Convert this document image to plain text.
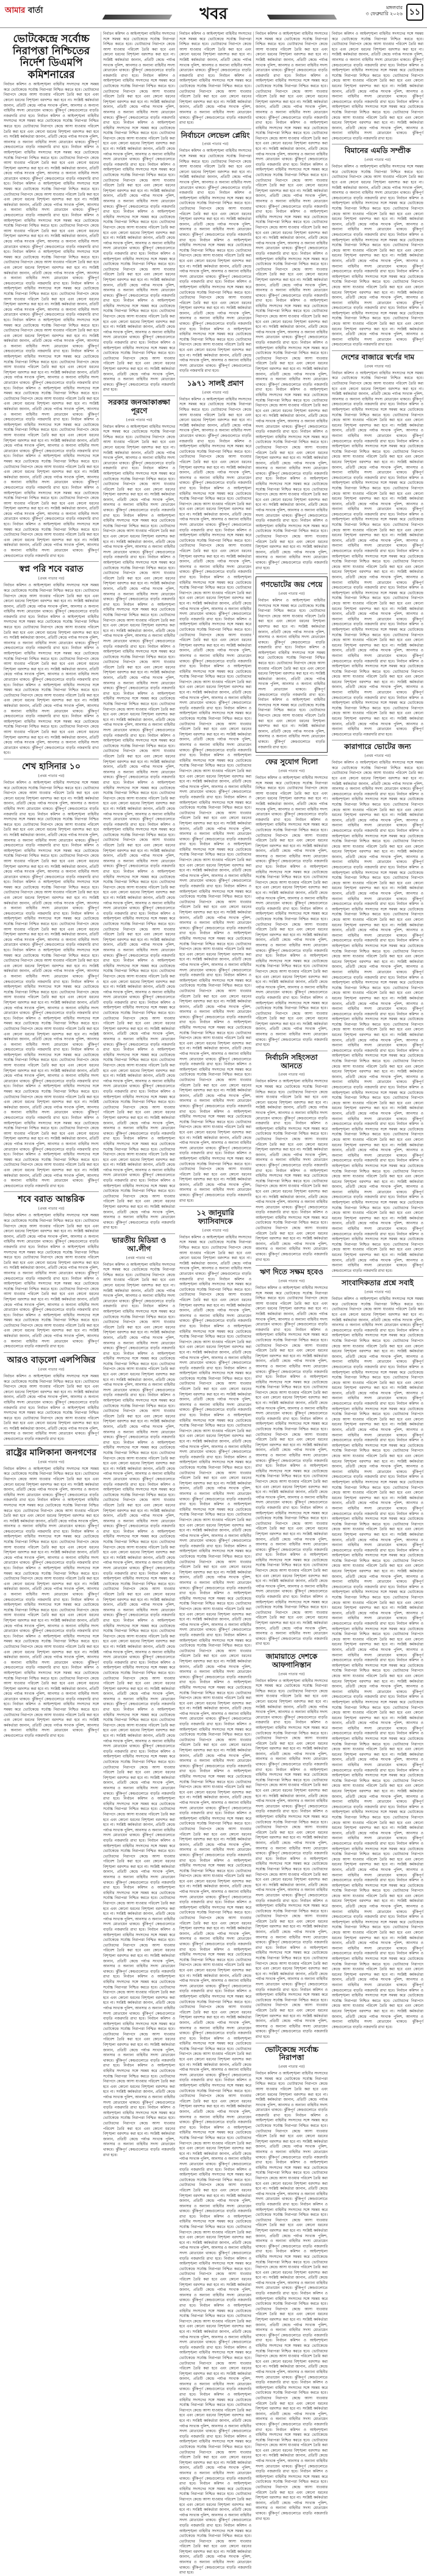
আমার বার্তা	খবর	মঙ্গলবার
৩ ফেব্রুয়ারি ২০২৬ ১১
ভোটকেন্দ্রে সর্বোচ্চ নিরাপত্তা নিশ্চিতের নির্দেশ ডিএমপি কমিশনারের
নির্বাচন কমিশন ও আইনশৃঙ্খলা বাহিনীর সদস্যদের সঙ্গে সমন্বয় করে ভোটকেন্দ্রে সর্বোচ্চ নিরাপত্তা নিশ্চিত করতে হবে। ভোটারদের নিরাপদে কেন্দ্রে আসা যাওয়ার পরিবেশ তৈরি করা হবে এবং কোনো ধরনের বিশৃঙ্খলা বরদাশত করা হবে না। সংশ্লিষ্ট কর্মকর্তারা জানান, প্রতিটি কেন্দ্রে পর্যাপ্ত সংখ্যক পুলিশ, আনসার ও অন্যান্য বাহিনীর সদস্য মোতায়েন থাকবে। ঝুঁকিপূর্ণ কেন্দ্রগুলোতে বাড়তি নজরদারি রাখা হবে। নির্বাচন কমিশন ও আইনশৃঙ্খলা বাহিনীর সদস্যদের সঙ্গে সমন্বয় করে ভোটকেন্দ্রে সর্বোচ্চ নিরাপত্তা নিশ্চিত করতে হবে। ভোটারদের নিরাপদে কেন্দ্রে আসা যাওয়ার পরিবেশ তৈরি করা হবে এবং কোনো ধরনের বিশৃঙ্খলা বরদাশত করা হবে না। সংশ্লিষ্ট কর্মকর্তারা জানান, প্রতিটি কেন্দ্রে পর্যাপ্ত সংখ্যক পুলিশ, আনসার ও অন্যান্য বাহিনীর সদস্য মোতায়েন থাকবে। ঝুঁকিপূর্ণ কেন্দ্রগুলোতে বাড়তি নজরদারি রাখা হবে। নির্বাচন কমিশন ও আইনশৃঙ্খলা বাহিনীর সদস্যদের সঙ্গে সমন্বয় করে ভোটকেন্দ্রে সর্বোচ্চ নিরাপত্তা নিশ্চিত করতে হবে। ভোটারদের নিরাপদে কেন্দ্রে আসা যাওয়ার পরিবেশ তৈরি করা হবে এবং কোনো ধরনের বিশৃঙ্খলা বরদাশত করা হবে না। সংশ্লিষ্ট কর্মকর্তারা জানান, প্রতিটি কেন্দ্রে পর্যাপ্ত সংখ্যক পুলিশ, আনসার ও অন্যান্য বাহিনীর সদস্য মোতায়েন থাকবে। ঝুঁকিপূর্ণ কেন্দ্রগুলোতে বাড়তি নজরদারি রাখা হবে। নির্বাচন কমিশন ও আইনশৃঙ্খলা বাহিনীর সদস্যদের সঙ্গে সমন্বয় করে ভোটকেন্দ্রে সর্বোচ্চ নিরাপত্তা নিশ্চিত করতে হবে। ভোটারদের নিরাপদে কেন্দ্রে আসা যাওয়ার পরিবেশ তৈরি করা হবে এবং কোনো ধরনের বিশৃঙ্খলা বরদাশত করা হবে না। সংশ্লিষ্ট কর্মকর্তারা জানান, প্রতিটি কেন্দ্রে পর্যাপ্ত সংখ্যক পুলিশ, আনসার ও অন্যান্য বাহিনীর সদস্য মোতায়েন থাকবে। ঝুঁকিপূর্ণ কেন্দ্রগুলোতে বাড়তি নজরদারি রাখা হবে। নির্বাচন কমিশন ও আইনশৃঙ্খলা বাহিনীর সদস্যদের সঙ্গে সমন্বয় করে ভোটকেন্দ্রে সর্বোচ্চ নিরাপত্তা নিশ্চিত করতে হবে। ভোটারদের নিরাপদে কেন্দ্রে আসা যাওয়ার পরিবেশ তৈরি করা হবে এবং কোনো ধরনের বিশৃঙ্খলা বরদাশত করা হবে না। সংশ্লিষ্ট কর্মকর্তারা জানান, প্রতিটি কেন্দ্রে পর্যাপ্ত সংখ্যক পুলিশ, আনসার ও অন্যান্য বাহিনীর সদস্য মোতায়েন থাকবে। ঝুঁকিপূর্ণ কেন্দ্রগুলোতে বাড়তি নজরদারি রাখা হবে। নির্বাচন কমিশন ও আইনশৃঙ্খলা বাহিনীর সদস্যদের সঙ্গে সমন্বয় করে ভোটকেন্দ্রে সর্বোচ্চ নিরাপত্তা নিশ্চিত করতে হবে। ভোটারদের নিরাপদে কেন্দ্রে আসা যাওয়ার পরিবেশ তৈরি করা হবে এবং কোনো ধরনের বিশৃঙ্খলা বরদাশত করা হবে না। সংশ্লিষ্ট কর্মকর্তারা জানান, প্রতিটি কেন্দ্রে পর্যাপ্ত সংখ্যক পুলিশ, আনসার ও অন্যান্য বাহিনীর সদস্য মোতায়েন থাকবে। ঝুঁকিপূর্ণ কেন্দ্রগুলোতে বাড়তি নজরদারি রাখা হবে। নির্বাচন কমিশন ও আইনশৃঙ্খলা বাহিনীর সদস্যদের সঙ্গে সমন্বয় করে ভোটকেন্দ্রে সর্বোচ্চ নিরাপত্তা নিশ্চিত করতে হবে। ভোটারদের নিরাপদে কেন্দ্রে আসা যাওয়ার পরিবেশ তৈরি করা হবে এবং কোনো ধরনের বিশৃঙ্খলা বরদাশত করা হবে না। সংশ্লিষ্ট কর্মকর্তারা জানান, প্রতিটি কেন্দ্রে পর্যাপ্ত সংখ্যক পুলিশ, আনসার ও অন্যান্য বাহিনীর সদস্য মোতায়েন থাকবে। ঝুঁকিপূর্ণ কেন্দ্রগুলোতে বাড়তি নজরদারি রাখা হবে। নির্বাচন কমিশন ও আইনশৃঙ্খলা বাহিনীর সদস্যদের সঙ্গে সমন্বয় করে ভোটকেন্দ্রে সর্বোচ্চ নিরাপত্তা নিশ্চিত করতে হবে। ভোটারদের নিরাপদে কেন্দ্রে আসা যাওয়ার পরিবেশ তৈরি করা হবে এবং কোনো ধরনের বিশৃঙ্খলা বরদাশত করা হবে না। সংশ্লিষ্ট কর্মকর্তারা জানান, প্রতিটি কেন্দ্রে পর্যাপ্ত সংখ্যক পুলিশ, আনসার ও অন্যান্য বাহিনীর সদস্য মোতায়েন থাকবে। ঝুঁকিপূর্ণ কেন্দ্রগুলোতে বাড়তি নজরদারি রাখা হবে। নির্বাচন কমিশন ও আইনশৃঙ্খলা বাহিনীর সদস্যদের সঙ্গে সমন্বয় করে ভোটকেন্দ্রে সর্বোচ্চ নিরাপত্তা নিশ্চিত করতে হবে। ভোটারদের নিরাপদে কেন্দ্রে আসা যাওয়ার পরিবেশ তৈরি করা হবে এবং কোনো ধরনের বিশৃঙ্খলা বরদাশত করা হবে না। সংশ্লিষ্ট কর্মকর্তারা জানান, প্রতিটি কেন্দ্রে পর্যাপ্ত সংখ্যক পুলিশ, আনসার ও অন্যান্য বাহিনীর সদস্য মোতায়েন থাকবে। ঝুঁকিপূর্ণ কেন্দ্রগুলোতে বাড়তি নজরদারি রাখা হবে। নির্বাচন কমিশন ও আইনশৃঙ্খলা বাহিনীর সদস্যদের সঙ্গে সমন্বয় করে ভোটকেন্দ্রে সর্বোচ্চ নিরাপত্তা নিশ্চিত করতে হবে। ভোটারদের নিরাপদে কেন্দ্রে আসা যাওয়ার পরিবেশ তৈরি করা হবে এবং কোনো ধরনের বিশৃঙ্খলা বরদাশত করা হবে না। সংশ্লিষ্ট কর্মকর্তারা জানান, প্রতিটি কেন্দ্রে পর্যাপ্ত সংখ্যক পুলিশ, আনসার ও অন্যান্য বাহিনীর সদস্য মোতায়েন থাকবে। ঝুঁকিপূর্ণ কেন্দ্রগুলোতে বাড়তি নজরদারি রাখা হবে। নির্বাচন কমিশন ও আইনশৃঙ্খলা বাহিনীর সদস্যদের সঙ্গে সমন্বয় করে ভোটকেন্দ্রে সর্বোচ্চ নিরাপত্তা নিশ্চিত করতে হবে। ভোটারদের নিরাপদে কেন্দ্রে আসা যাওয়ার পরিবেশ তৈরি করা হবে এবং কোনো ধরনের বিশৃঙ্খলা বরদাশত করা হবে না। সংশ্লিষ্ট কর্মকর্তারা জানান, প্রতিটি কেন্দ্রে পর্যাপ্ত সংখ্যক পুলিশ, আনসার ও অন্যান্য বাহিনীর সদস্য মোতায়েন থাকবে। ঝুঁকিপূর্ণ কেন্দ্রগুলোতে বাড়তি নজরদারি রাখা হবে। নির্বাচন কমিশন ও আইনশৃঙ্খলা বাহিনীর সদস্যদের সঙ্গে সমন্বয় করে ভোটকেন্দ্রে সর্বোচ্চ নিরাপত্তা নিশ্চিত করতে হবে। ভোটারদের নিরাপদে কেন্দ্রে আসা যাওয়ার পরিবেশ তৈরি করা হবে এবং কোনো ধরনের বিশৃঙ্খলা বরদাশত করা হবে না। সংশ্লিষ্ট কর্মকর্তারা জানান, প্রতিটি কেন্দ্রে পর্যাপ্ত সংখ্যক পুলিশ, আনসার ও অন্যান্য বাহিনীর সদস্য মোতায়েন থাকবে। ঝুঁকিপূর্ণ কেন্দ্রগুলোতে বাড়তি নজরদারি রাখা হবে। নির্বাচন কমিশন ও আইনশৃঙ্খলা বাহিনীর সদস্যদের সঙ্গে সমন্বয় করে ভোটকেন্দ্রে সর্বোচ্চ নিরাপত্তা নিশ্চিত করতে হবে। ভোটারদের নিরাপদে কেন্দ্রে আসা যাওয়ার পরিবেশ তৈরি করা হবে এবং কোনো ধরনের বিশৃঙ্খলা বরদাশত করা হবে না। সংশ্লিষ্ট কর্মকর্তারা জানান, প্রতিটি কেন্দ্রে পর্যাপ্ত সংখ্যক পুলিশ, আনসার ও অন্যান্য বাহিনীর সদস্য মোতায়েন থাকবে। ঝুঁকিপূর্ণ কেন্দ্রগুলোতে বাড়তি নজরদারি রাখা হবে। নির্বাচন কমিশন ও আইনশৃঙ্খলা বাহিনীর সদস্যদের সঙ্গে সমন্বয় করে ভোটকেন্দ্রে সর্বোচ্চ নিরাপত্তা নিশ্চিত করতে হবে। ভোটারদের নিরাপদে কেন্দ্রে আসা যাওয়ার পরিবেশ তৈরি করা হবে এবং কোনো ধরনের বিশৃঙ্খলা বরদাশত করা হবে না। সংশ্লিষ্ট কর্মকর্তারা জানান, প্রতিটি কেন্দ্রে পর্যাপ্ত সংখ্যক পুলিশ, আনসার ও অন্যান্য বাহিনীর সদস্য মোতায়েন থাকবে। ঝুঁকিপূর্ণ কেন্দ্রগুলোতে বাড়তি নজরদারি রাখা হবে।
স্বপ্ন পরি শবে বরাত
(প্রথম পাতার পর)
নির্বাচন কমিশন ও আইনশৃঙ্খলা বাহিনীর সদস্যদের সঙ্গে সমন্বয় করে ভোটকেন্দ্রে সর্বোচ্চ নিরাপত্তা নিশ্চিত করতে হবে। ভোটারদের নিরাপদে কেন্দ্রে আসা যাওয়ার পরিবেশ তৈরি করা হবে এবং কোনো ধরনের বিশৃঙ্খলা বরদাশত করা হবে না। সংশ্লিষ্ট কর্মকর্তারা জানান, প্রতিটি কেন্দ্রে পর্যাপ্ত সংখ্যক পুলিশ, আনসার ও অন্যান্য বাহিনীর সদস্য মোতায়েন থাকবে। ঝুঁকিপূর্ণ কেন্দ্রগুলোতে বাড়তি নজরদারি রাখা হবে। নির্বাচন কমিশন ও আইনশৃঙ্খলা বাহিনীর সদস্যদের সঙ্গে সমন্বয় করে ভোটকেন্দ্রে সর্বোচ্চ নিরাপত্তা নিশ্চিত করতে হবে। ভোটারদের নিরাপদে কেন্দ্রে আসা যাওয়ার পরিবেশ তৈরি করা হবে এবং কোনো ধরনের বিশৃঙ্খলা বরদাশত করা হবে না। সংশ্লিষ্ট কর্মকর্তারা জানান, প্রতিটি কেন্দ্রে পর্যাপ্ত সংখ্যক পুলিশ, আনসার ও অন্যান্য বাহিনীর সদস্য মোতায়েন থাকবে। ঝুঁকিপূর্ণ কেন্দ্রগুলোতে বাড়তি নজরদারি রাখা হবে। নির্বাচন কমিশন ও আইনশৃঙ্খলা বাহিনীর সদস্যদের সঙ্গে সমন্বয় করে ভোটকেন্দ্রে সর্বোচ্চ নিরাপত্তা নিশ্চিত করতে হবে। ভোটারদের নিরাপদে কেন্দ্রে আসা যাওয়ার পরিবেশ তৈরি করা হবে এবং কোনো ধরনের বিশৃঙ্খলা বরদাশত করা হবে না। সংশ্লিষ্ট কর্মকর্তারা জানান, প্রতিটি কেন্দ্রে পর্যাপ্ত সংখ্যক পুলিশ, আনসার ও অন্যান্য বাহিনীর সদস্য মোতায়েন থাকবে। ঝুঁকিপূর্ণ কেন্দ্রগুলোতে বাড়তি নজরদারি রাখা হবে। নির্বাচন কমিশন ও আইনশৃঙ্খলা বাহিনীর সদস্যদের সঙ্গে সমন্বয় করে ভোটকেন্দ্রে সর্বোচ্চ নিরাপত্তা নিশ্চিত করতে হবে। ভোটারদের নিরাপদে কেন্দ্রে আসা যাওয়ার পরিবেশ তৈরি করা হবে এবং কোনো ধরনের বিশৃঙ্খলা বরদাশত করা হবে না। সংশ্লিষ্ট কর্মকর্তারা জানান, প্রতিটি কেন্দ্রে পর্যাপ্ত সংখ্যক পুলিশ, আনসার ও অন্যান্য বাহিনীর সদস্য মোতায়েন থাকবে। ঝুঁকিপূর্ণ কেন্দ্রগুলোতে বাড়তি নজরদারি রাখা হবে। নির্বাচন কমিশন ও আইনশৃঙ্খলা বাহিনীর সদস্যদের সঙ্গে সমন্বয় করে ভোটকেন্দ্রে সর্বোচ্চ নিরাপত্তা নিশ্চিত করতে হবে। ভোটারদের নিরাপদে কেন্দ্রে আসা যাওয়ার পরিবেশ তৈরি করা হবে এবং কোনো ধরনের বিশৃঙ্খলা বরদাশত করা হবে না। সংশ্লিষ্ট কর্মকর্তারা জানান, প্রতিটি কেন্দ্রে পর্যাপ্ত সংখ্যক পুলিশ, আনসার ও অন্যান্য বাহিনীর সদস্য মোতায়েন থাকবে। ঝুঁকিপূর্ণ কেন্দ্রগুলোতে বাড়তি নজরদারি রাখা হবে।
শেখ হাসিনার ১০
(প্রথম পাতার পর)
নির্বাচন কমিশন ও আইনশৃঙ্খলা বাহিনীর সদস্যদের সঙ্গে সমন্বয় করে ভোটকেন্দ্রে সর্বোচ্চ নিরাপত্তা নিশ্চিত করতে হবে। ভোটারদের নিরাপদে কেন্দ্রে আসা যাওয়ার পরিবেশ তৈরি করা হবে এবং কোনো ধরনের বিশৃঙ্খলা বরদাশত করা হবে না। সংশ্লিষ্ট কর্মকর্তারা জানান, প্রতিটি কেন্দ্রে পর্যাপ্ত সংখ্যক পুলিশ, আনসার ও অন্যান্য বাহিনীর সদস্য মোতায়েন থাকবে। ঝুঁকিপূর্ণ কেন্দ্রগুলোতে বাড়তি নজরদারি রাখা হবে। নির্বাচন কমিশন ও আইনশৃঙ্খলা বাহিনীর সদস্যদের সঙ্গে সমন্বয় করে ভোটকেন্দ্রে সর্বোচ্চ নিরাপত্তা নিশ্চিত করতে হবে। ভোটারদের নিরাপদে কেন্দ্রে আসা যাওয়ার পরিবেশ তৈরি করা হবে এবং কোনো ধরনের বিশৃঙ্খলা বরদাশত করা হবে না। সংশ্লিষ্ট কর্মকর্তারা জানান, প্রতিটি কেন্দ্রে পর্যাপ্ত সংখ্যক পুলিশ, আনসার ও অন্যান্য বাহিনীর সদস্য মোতায়েন থাকবে। ঝুঁকিপূর্ণ কেন্দ্রগুলোতে বাড়তি নজরদারি রাখা হবে। নির্বাচন কমিশন ও আইনশৃঙ্খলা বাহিনীর সদস্যদের সঙ্গে সমন্বয় করে ভোটকেন্দ্রে সর্বোচ্চ নিরাপত্তা নিশ্চিত করতে হবে। ভোটারদের নিরাপদে কেন্দ্রে আসা যাওয়ার পরিবেশ তৈরি করা হবে এবং কোনো ধরনের বিশৃঙ্খলা বরদাশত করা হবে না। সংশ্লিষ্ট কর্মকর্তারা জানান, প্রতিটি কেন্দ্রে পর্যাপ্ত সংখ্যক পুলিশ, আনসার ও অন্যান্য বাহিনীর সদস্য মোতায়েন থাকবে। ঝুঁকিপূর্ণ কেন্দ্রগুলোতে বাড়তি নজরদারি রাখা হবে। নির্বাচন কমিশন ও আইনশৃঙ্খলা বাহিনীর সদস্যদের সঙ্গে সমন্বয় করে ভোটকেন্দ্রে সর্বোচ্চ নিরাপত্তা নিশ্চিত করতে হবে। ভোটারদের নিরাপদে কেন্দ্রে আসা যাওয়ার পরিবেশ তৈরি করা হবে এবং কোনো ধরনের বিশৃঙ্খলা বরদাশত করা হবে না। সংশ্লিষ্ট কর্মকর্তারা জানান, প্রতিটি কেন্দ্রে পর্যাপ্ত সংখ্যক পুলিশ, আনসার ও অন্যান্য বাহিনীর সদস্য মোতায়েন থাকবে। ঝুঁকিপূর্ণ কেন্দ্রগুলোতে বাড়তি নজরদারি রাখা হবে। নির্বাচন কমিশন ও আইনশৃঙ্খলা বাহিনীর সদস্যদের সঙ্গে সমন্বয় করে ভোটকেন্দ্রে সর্বোচ্চ নিরাপত্তা নিশ্চিত করতে হবে। ভোটারদের নিরাপদে কেন্দ্রে আসা যাওয়ার পরিবেশ তৈরি করা হবে এবং কোনো ধরনের বিশৃঙ্খলা বরদাশত করা হবে না। সংশ্লিষ্ট কর্মকর্তারা জানান, প্রতিটি কেন্দ্রে পর্যাপ্ত সংখ্যক পুলিশ, আনসার ও অন্যান্য বাহিনীর সদস্য মোতায়েন থাকবে। ঝুঁকিপূর্ণ কেন্দ্রগুলোতে বাড়তি নজরদারি রাখা হবে। নির্বাচন কমিশন ও আইনশৃঙ্খলা বাহিনীর সদস্যদের সঙ্গে সমন্বয় করে ভোটকেন্দ্রে সর্বোচ্চ নিরাপত্তা নিশ্চিত করতে হবে। ভোটারদের নিরাপদে কেন্দ্রে আসা যাওয়ার পরিবেশ তৈরি করা হবে এবং কোনো ধরনের বিশৃঙ্খলা বরদাশত করা হবে না। সংশ্লিষ্ট কর্মকর্তারা জানান, প্রতিটি কেন্দ্রে পর্যাপ্ত সংখ্যক পুলিশ, আনসার ও অন্যান্য বাহিনীর সদস্য মোতায়েন থাকবে। ঝুঁকিপূর্ণ কেন্দ্রগুলোতে বাড়তি নজরদারি রাখা হবে। নির্বাচন কমিশন ও আইনশৃঙ্খলা বাহিনীর সদস্যদের সঙ্গে সমন্বয় করে ভোটকেন্দ্রে সর্বোচ্চ নিরাপত্তা নিশ্চিত করতে হবে। ভোটারদের নিরাপদে কেন্দ্রে আসা যাওয়ার পরিবেশ তৈরি করা হবে এবং কোনো ধরনের বিশৃঙ্খলা বরদাশত করা হবে না। সংশ্লিষ্ট কর্মকর্তারা জানান, প্রতিটি কেন্দ্রে পর্যাপ্ত সংখ্যক পুলিশ, আনসার ও অন্যান্য বাহিনীর সদস্য মোতায়েন থাকবে। ঝুঁকিপূর্ণ কেন্দ্রগুলোতে বাড়তি নজরদারি রাখা হবে। নির্বাচন কমিশন ও আইনশৃঙ্খলা বাহিনীর সদস্যদের সঙ্গে সমন্বয় করে ভোটকেন্দ্রে সর্বোচ্চ নিরাপত্তা নিশ্চিত করতে হবে। ভোটারদের নিরাপদে কেন্দ্রে আসা যাওয়ার পরিবেশ তৈরি করা হবে এবং কোনো ধরনের বিশৃঙ্খলা বরদাশত করা হবে না। সংশ্লিষ্ট কর্মকর্তারা জানান, প্রতিটি কেন্দ্রে পর্যাপ্ত সংখ্যক পুলিশ, আনসার ও অন্যান্য বাহিনীর সদস্য মোতায়েন থাকবে। ঝুঁকিপূর্ণ কেন্দ্রগুলোতে বাড়তি নজরদারি রাখা হবে। নির্বাচন কমিশন ও আইনশৃঙ্খলা বাহিনীর সদস্যদের সঙ্গে সমন্বয় করে ভোটকেন্দ্রে সর্বোচ্চ নিরাপত্তা নিশ্চিত করতে হবে। ভোটারদের নিরাপদে কেন্দ্রে আসা যাওয়ার পরিবেশ তৈরি করা হবে এবং কোনো ধরনের বিশৃঙ্খলা বরদাশত করা হবে না। সংশ্লিষ্ট কর্মকর্তারা জানান, প্রতিটি কেন্দ্রে পর্যাপ্ত সংখ্যক পুলিশ, আনসার ও অন্যান্য বাহিনীর সদস্য মোতায়েন থাকবে। ঝুঁকিপূর্ণ কেন্দ্রগুলোতে বাড়তি নজরদারি রাখা হবে। নির্বাচন কমিশন ও আইনশৃঙ্খলা বাহিনীর সদস্যদের সঙ্গে সমন্বয় করে ভোটকেন্দ্রে সর্বোচ্চ নিরাপত্তা নিশ্চিত করতে হবে। ভোটারদের নিরাপদে কেন্দ্রে আসা যাওয়ার পরিবেশ তৈরি করা হবে এবং কোনো ধরনের বিশৃঙ্খলা বরদাশত করা হবে না। সংশ্লিষ্ট কর্মকর্তারা জানান, প্রতিটি কেন্দ্রে পর্যাপ্ত সংখ্যক পুলিশ, আনসার ও অন্যান্য বাহিনীর সদস্য মোতায়েন থাকবে। ঝুঁকিপূর্ণ কেন্দ্রগুলোতে বাড়তি নজরদারি রাখা হবে। নির্বাচন কমিশন ও আইনশৃঙ্খলা বাহিনীর সদস্যদের সঙ্গে সমন্বয় করে ভোটকেন্দ্রে সর্বোচ্চ নিরাপত্তা নিশ্চিত করতে হবে। ভোটারদের নিরাপদে কেন্দ্রে আসা যাওয়ার পরিবেশ তৈরি করা হবে এবং কোনো ধরনের বিশৃঙ্খলা বরদাশত করা হবে না। সংশ্লিষ্ট কর্মকর্তারা জানান, প্রতিটি কেন্দ্রে পর্যাপ্ত সংখ্যক পুলিশ, আনসার ও অন্যান্য বাহিনীর সদস্য মোতায়েন থাকবে। ঝুঁকিপূর্ণ কেন্দ্রগুলোতে বাড়তি নজরদারি রাখা হবে। নির্বাচন কমিশন ও আইনশৃঙ্খলা বাহিনীর সদস্যদের সঙ্গে সমন্বয় করে ভোটকেন্দ্রে সর্বোচ্চ নিরাপত্তা নিশ্চিত করতে হবে। ভোটারদের নিরাপদে কেন্দ্রে আসা যাওয়ার পরিবেশ তৈরি করা হবে এবং কোনো ধরনের বিশৃঙ্খলা বরদাশত করা হবে না। সংশ্লিষ্ট কর্মকর্তারা জানান, প্রতিটি কেন্দ্রে পর্যাপ্ত সংখ্যক পুলিশ, আনসার ও অন্যান্য বাহিনীর সদস্য মোতায়েন থাকবে। ঝুঁকিপূর্ণ কেন্দ্রগুলোতে বাড়তি নজরদারি রাখা হবে।
শবে বরাত আন্তরিক
(প্রথম পাতার পর)
নির্বাচন কমিশন ও আইনশৃঙ্খলা বাহিনীর সদস্যদের সঙ্গে সমন্বয় করে ভোটকেন্দ্রে সর্বোচ্চ নিরাপত্তা নিশ্চিত করতে হবে। ভোটারদের নিরাপদে কেন্দ্রে আসা যাওয়ার পরিবেশ তৈরি করা হবে এবং কোনো ধরনের বিশৃঙ্খলা বরদাশত করা হবে না। সংশ্লিষ্ট কর্মকর্তারা জানান, প্রতিটি কেন্দ্রে পর্যাপ্ত সংখ্যক পুলিশ, আনসার ও অন্যান্য বাহিনীর সদস্য মোতায়েন থাকবে। ঝুঁকিপূর্ণ কেন্দ্রগুলোতে বাড়তি নজরদারি রাখা হবে। নির্বাচন কমিশন ও আইনশৃঙ্খলা বাহিনীর সদস্যদের সঙ্গে সমন্বয় করে ভোটকেন্দ্রে সর্বোচ্চ নিরাপত্তা নিশ্চিত করতে হবে। ভোটারদের নিরাপদে কেন্দ্রে আসা যাওয়ার পরিবেশ তৈরি করা হবে এবং কোনো ধরনের বিশৃঙ্খলা বরদাশত করা হবে না। সংশ্লিষ্ট কর্মকর্তারা জানান, প্রতিটি কেন্দ্রে পর্যাপ্ত সংখ্যক পুলিশ, আনসার ও অন্যান্য বাহিনীর সদস্য মোতায়েন থাকবে। ঝুঁকিপূর্ণ কেন্দ্রগুলোতে বাড়তি নজরদারি রাখা হবে। নির্বাচন কমিশন ও আইনশৃঙ্খলা বাহিনীর সদস্যদের সঙ্গে সমন্বয় করে ভোটকেন্দ্রে সর্বোচ্চ নিরাপত্তা নিশ্চিত করতে হবে। ভোটারদের নিরাপদে কেন্দ্রে আসা যাওয়ার পরিবেশ তৈরি করা হবে এবং কোনো ধরনের বিশৃঙ্খলা বরদাশত করা হবে না। সংশ্লিষ্ট কর্মকর্তারা জানান, প্রতিটি কেন্দ্রে পর্যাপ্ত সংখ্যক পুলিশ, আনসার ও অন্যান্য বাহিনীর সদস্য মোতায়েন থাকবে। ঝুঁকিপূর্ণ কেন্দ্রগুলোতে বাড়তি নজরদারি রাখা হবে। নির্বাচন কমিশন ও আইনশৃঙ্খলা বাহিনীর সদস্যদের সঙ্গে সমন্বয় করে ভোটকেন্দ্রে সর্বোচ্চ নিরাপত্তা নিশ্চিত করতে হবে। ভোটারদের নিরাপদে কেন্দ্রে আসা যাওয়ার পরিবেশ তৈরি করা হবে এবং কোনো ধরনের বিশৃঙ্খলা বরদাশত করা হবে না। সংশ্লিষ্ট কর্মকর্তারা জানান, প্রতিটি কেন্দ্রে পর্যাপ্ত সংখ্যক পুলিশ, আনসার ও অন্যান্য বাহিনীর সদস্য মোতায়েন থাকবে। ঝুঁকিপূর্ণ কেন্দ্রগুলোতে বাড়তি নজরদারি রাখা হবে।
আরও বাড়লো এলপিজির
(প্রথম পাতার পর)
নির্বাচন কমিশন ও আইনশৃঙ্খলা বাহিনীর সদস্যদের সঙ্গে সমন্বয় করে ভোটকেন্দ্রে সর্বোচ্চ নিরাপত্তা নিশ্চিত করতে হবে। ভোটারদের নিরাপদে কেন্দ্রে আসা যাওয়ার পরিবেশ তৈরি করা হবে এবং কোনো ধরনের বিশৃঙ্খলা বরদাশত করা হবে না। সংশ্লিষ্ট কর্মকর্তারা জানান, প্রতিটি কেন্দ্রে পর্যাপ্ত সংখ্যক পুলিশ, আনসার ও অন্যান্য বাহিনীর সদস্য মোতায়েন থাকবে। ঝুঁকিপূর্ণ কেন্দ্রগুলোতে বাড়তি নজরদারি রাখা হবে। নির্বাচন কমিশন ও আইনশৃঙ্খলা বাহিনীর সদস্যদের সঙ্গে সমন্বয় করে ভোটকেন্দ্রে সর্বোচ্চ নিরাপত্তা নিশ্চিত করতে হবে। ভোটারদের নিরাপদে কেন্দ্রে আসা যাওয়ার পরিবেশ তৈরি করা হবে এবং কোনো ধরনের বিশৃঙ্খলা বরদাশত করা হবে না। সংশ্লিষ্ট কর্মকর্তারা জানান, প্রতিটি কেন্দ্রে পর্যাপ্ত সংখ্যক পুলিশ, আনসার ও অন্যান্য বাহিনীর সদস্য মোতায়েন থাকবে। ঝুঁকিপূর্ণ কেন্দ্রগুলোতে বাড়তি নজরদারি রাখা হবে।
রাষ্ট্রের মালিকানা জনগণের
(প্রথম পাতার পর)
নির্বাচন কমিশন ও আইনশৃঙ্খলা বাহিনীর সদস্যদের সঙ্গে সমন্বয় করে ভোটকেন্দ্রে সর্বোচ্চ নিরাপত্তা নিশ্চিত করতে হবে। ভোটারদের নিরাপদে কেন্দ্রে আসা যাওয়ার পরিবেশ তৈরি করা হবে এবং কোনো ধরনের বিশৃঙ্খলা বরদাশত করা হবে না। সংশ্লিষ্ট কর্মকর্তারা জানান, প্রতিটি কেন্দ্রে পর্যাপ্ত সংখ্যক পুলিশ, আনসার ও অন্যান্য বাহিনীর সদস্য মোতায়েন থাকবে। ঝুঁকিপূর্ণ কেন্দ্রগুলোতে বাড়তি নজরদারি রাখা হবে। নির্বাচন কমিশন ও আইনশৃঙ্খলা বাহিনীর সদস্যদের সঙ্গে সমন্বয় করে ভোটকেন্দ্রে সর্বোচ্চ নিরাপত্তা নিশ্চিত করতে হবে। ভোটারদের নিরাপদে কেন্দ্রে আসা যাওয়ার পরিবেশ তৈরি করা হবে এবং কোনো ধরনের বিশৃঙ্খলা বরদাশত করা হবে না। সংশ্লিষ্ট কর্মকর্তারা জানান, প্রতিটি কেন্দ্রে পর্যাপ্ত সংখ্যক পুলিশ, আনসার ও অন্যান্য বাহিনীর সদস্য মোতায়েন থাকবে। ঝুঁকিপূর্ণ কেন্দ্রগুলোতে বাড়তি নজরদারি রাখা হবে। নির্বাচন কমিশন ও আইনশৃঙ্খলা বাহিনীর সদস্যদের সঙ্গে সমন্বয় করে ভোটকেন্দ্রে সর্বোচ্চ নিরাপত্তা নিশ্চিত করতে হবে। ভোটারদের নিরাপদে কেন্দ্রে আসা যাওয়ার পরিবেশ তৈরি করা হবে এবং কোনো ধরনের বিশৃঙ্খলা বরদাশত করা হবে না। সংশ্লিষ্ট কর্মকর্তারা জানান, প্রতিটি কেন্দ্রে পর্যাপ্ত সংখ্যক পুলিশ, আনসার ও অন্যান্য বাহিনীর সদস্য মোতায়েন থাকবে। ঝুঁকিপূর্ণ কেন্দ্রগুলোতে বাড়তি নজরদারি রাখা হবে। নির্বাচন কমিশন ও আইনশৃঙ্খলা বাহিনীর সদস্যদের সঙ্গে সমন্বয় করে ভোটকেন্দ্রে সর্বোচ্চ নিরাপত্তা নিশ্চিত করতে হবে। ভোটারদের নিরাপদে কেন্দ্রে আসা যাওয়ার পরিবেশ তৈরি করা হবে এবং কোনো ধরনের বিশৃঙ্খলা বরদাশত করা হবে না। সংশ্লিষ্ট কর্মকর্তারা জানান, প্রতিটি কেন্দ্রে পর্যাপ্ত সংখ্যক পুলিশ, আনসার ও অন্যান্য বাহিনীর সদস্য মোতায়েন থাকবে। ঝুঁকিপূর্ণ কেন্দ্রগুলোতে বাড়তি নজরদারি রাখা হবে। নির্বাচন কমিশন ও আইনশৃঙ্খলা বাহিনীর সদস্যদের সঙ্গে সমন্বয় করে ভোটকেন্দ্রে সর্বোচ্চ নিরাপত্তা নিশ্চিত করতে হবে। ভোটারদের নিরাপদে কেন্দ্রে আসা যাওয়ার পরিবেশ তৈরি করা হবে এবং কোনো ধরনের বিশৃঙ্খলা বরদাশত করা হবে না। সংশ্লিষ্ট কর্মকর্তারা জানান, প্রতিটি কেন্দ্রে পর্যাপ্ত সংখ্যক পুলিশ, আনসার ও অন্যান্য বাহিনীর সদস্য মোতায়েন থাকবে। ঝুঁকিপূর্ণ কেন্দ্রগুলোতে বাড়তি নজরদারি রাখা হবে। নির্বাচন কমিশন ও আইনশৃঙ্খলা বাহিনীর সদস্যদের সঙ্গে সমন্বয় করে ভোটকেন্দ্রে সর্বোচ্চ নিরাপত্তা নিশ্চিত করতে হবে। ভোটারদের নিরাপদে কেন্দ্রে আসা যাওয়ার পরিবেশ তৈরি করা হবে এবং কোনো ধরনের বিশৃঙ্খলা বরদাশত করা হবে না। সংশ্লিষ্ট কর্মকর্তারা জানান, প্রতিটি কেন্দ্রে পর্যাপ্ত সংখ্যক পুলিশ, আনসার ও অন্যান্য বাহিনীর সদস্য মোতায়েন থাকবে। ঝুঁকিপূর্ণ কেন্দ্রগুলোতে বাড়তি নজরদারি রাখা হবে। নির্বাচন কমিশন ও আইনশৃঙ্খলা বাহিনীর সদস্যদের সঙ্গে সমন্বয় করে ভোটকেন্দ্রে সর্বোচ্চ নিরাপত্তা নিশ্চিত করতে হবে। ভোটারদের নিরাপদে কেন্দ্রে আসা যাওয়ার পরিবেশ তৈরি করা হবে এবং কোনো ধরনের বিশৃঙ্খলা বরদাশত করা হবে না। সংশ্লিষ্ট কর্মকর্তারা জানান, প্রতিটি কেন্দ্রে পর্যাপ্ত সংখ্যক পুলিশ, আনসার ও অন্যান্য বাহিনীর সদস্য মোতায়েন থাকবে। ঝুঁকিপূর্ণ কেন্দ্রগুলোতে বাড়তি নজরদারি রাখা হবে। নির্বাচন কমিশন ও আইনশৃঙ্খলা বাহিনীর সদস্যদের সঙ্গে সমন্বয় করে ভোটকেন্দ্রে সর্বোচ্চ নিরাপত্তা নিশ্চিত করতে হবে। ভোটারদের নিরাপদে কেন্দ্রে আসা যাওয়ার পরিবেশ তৈরি করা হবে এবং কোনো ধরনের বিশৃঙ্খলা বরদাশত করা হবে না। সংশ্লিষ্ট কর্মকর্তারা জানান, প্রতিটি কেন্দ্রে পর্যাপ্ত সংখ্যক পুলিশ, আনসার ও অন্যান্য বাহিনীর সদস্য মোতায়েন থাকবে। ঝুঁকিপূর্ণ কেন্দ্রগুলোতে বাড়তি নজরদারি রাখা হবে।
নির্বাচন কমিশন ও আইনশৃঙ্খলা বাহিনীর সদস্যদের সঙ্গে সমন্বয় করে ভোটকেন্দ্রে সর্বোচ্চ নিরাপত্তা নিশ্চিত করতে হবে। ভোটারদের নিরাপদে কেন্দ্রে আসা যাওয়ার পরিবেশ তৈরি করা হবে এবং কোনো ধরনের বিশৃঙ্খলা বরদাশত করা হবে না। সংশ্লিষ্ট কর্মকর্তারা জানান, প্রতিটি কেন্দ্রে পর্যাপ্ত সংখ্যক পুলিশ, আনসার ও অন্যান্য বাহিনীর সদস্য মোতায়েন থাকবে। ঝুঁকিপূর্ণ কেন্দ্রগুলোতে বাড়তি নজরদারি রাখা হবে। নির্বাচন কমিশন ও আইনশৃঙ্খলা বাহিনীর সদস্যদের সঙ্গে সমন্বয় করে ভোটকেন্দ্রে সর্বোচ্চ নিরাপত্তা নিশ্চিত করতে হবে। ভোটারদের নিরাপদে কেন্দ্রে আসা যাওয়ার পরিবেশ তৈরি করা হবে এবং কোনো ধরনের বিশৃঙ্খলা বরদাশত করা হবে না। সংশ্লিষ্ট কর্মকর্তারা জানান, প্রতিটি কেন্দ্রে পর্যাপ্ত সংখ্যক পুলিশ, আনসার ও অন্যান্য বাহিনীর সদস্য মোতায়েন থাকবে। ঝুঁকিপূর্ণ কেন্দ্রগুলোতে বাড়তি নজরদারি রাখা হবে। নির্বাচন কমিশন ও আইনশৃঙ্খলা বাহিনীর সদস্যদের সঙ্গে সমন্বয় করে ভোটকেন্দ্রে সর্বোচ্চ নিরাপত্তা নিশ্চিত করতে হবে। ভোটারদের নিরাপদে কেন্দ্রে আসা যাওয়ার পরিবেশ তৈরি করা হবে এবং কোনো ধরনের বিশৃঙ্খলা বরদাশত করা হবে না। সংশ্লিষ্ট কর্মকর্তারা জানান, প্রতিটি কেন্দ্রে পর্যাপ্ত সংখ্যক পুলিশ, আনসার ও অন্যান্য বাহিনীর সদস্য মোতায়েন থাকবে। ঝুঁকিপূর্ণ কেন্দ্রগুলোতে বাড়তি নজরদারি রাখা হবে। নির্বাচন কমিশন ও আইনশৃঙ্খলা বাহিনীর সদস্যদের সঙ্গে সমন্বয় করে ভোটকেন্দ্রে সর্বোচ্চ নিরাপত্তা নিশ্চিত করতে হবে। ভোটারদের নিরাপদে কেন্দ্রে আসা যাওয়ার পরিবেশ তৈরি করা হবে এবং কোনো ধরনের বিশৃঙ্খলা বরদাশত করা হবে না। সংশ্লিষ্ট কর্মকর্তারা জানান, প্রতিটি কেন্দ্রে পর্যাপ্ত সংখ্যক পুলিশ, আনসার ও অন্যান্য বাহিনীর সদস্য মোতায়েন থাকবে। ঝুঁকিপূর্ণ কেন্দ্রগুলোতে বাড়তি নজরদারি রাখা হবে। নির্বাচন কমিশন ও আইনশৃঙ্খলা বাহিনীর সদস্যদের সঙ্গে সমন্বয় করে ভোটকেন্দ্রে সর্বোচ্চ নিরাপত্তা নিশ্চিত করতে হবে। ভোটারদের নিরাপদে কেন্দ্রে আসা যাওয়ার পরিবেশ তৈরি করা হবে এবং কোনো ধরনের বিশৃঙ্খলা বরদাশত করা হবে না। সংশ্লিষ্ট কর্মকর্তারা জানান, প্রতিটি কেন্দ্রে পর্যাপ্ত সংখ্যক পুলিশ, আনসার ও অন্যান্য বাহিনীর সদস্য মোতায়েন থাকবে। ঝুঁকিপূর্ণ কেন্দ্রগুলোতে বাড়তি নজরদারি রাখা হবে। নির্বাচন কমিশন ও আইনশৃঙ্খলা বাহিনীর সদস্যদের সঙ্গে সমন্বয় করে ভোটকেন্দ্রে সর্বোচ্চ নিরাপত্তা নিশ্চিত করতে হবে। ভোটারদের নিরাপদে কেন্দ্রে আসা যাওয়ার পরিবেশ তৈরি করা হবে এবং কোনো ধরনের বিশৃঙ্খলা বরদাশত করা হবে না। সংশ্লিষ্ট কর্মকর্তারা জানান, প্রতিটি কেন্দ্রে পর্যাপ্ত সংখ্যক পুলিশ, আনসার ও অন্যান্য বাহিনীর সদস্য মোতায়েন থাকবে। ঝুঁকিপূর্ণ কেন্দ্রগুলোতে বাড়তি নজরদারি রাখা হবে। নির্বাচন কমিশন ও আইনশৃঙ্খলা বাহিনীর সদস্যদের সঙ্গে সমন্বয় করে ভোটকেন্দ্রে সর্বোচ্চ নিরাপত্তা নিশ্চিত করতে হবে। ভোটারদের নিরাপদে কেন্দ্রে আসা যাওয়ার পরিবেশ তৈরি করা হবে এবং কোনো ধরনের বিশৃঙ্খলা বরদাশত করা হবে না। সংশ্লিষ্ট কর্মকর্তারা জানান, প্রতিটি কেন্দ্রে পর্যাপ্ত সংখ্যক পুলিশ, আনসার ও অন্যান্য বাহিনীর সদস্য মোতায়েন থাকবে। ঝুঁকিপূর্ণ কেন্দ্রগুলোতে বাড়তি নজরদারি রাখা হবে। নির্বাচন কমিশন ও আইনশৃঙ্খলা বাহিনীর সদস্যদের সঙ্গে সমন্বয় করে ভোটকেন্দ্রে সর্বোচ্চ নিরাপত্তা নিশ্চিত করতে হবে। ভোটারদের নিরাপদে কেন্দ্রে আসা যাওয়ার পরিবেশ তৈরি করা হবে এবং কোনো ধরনের বিশৃঙ্খলা বরদাশত করা হবে না। সংশ্লিষ্ট কর্মকর্তারা জানান, প্রতিটি কেন্দ্রে পর্যাপ্ত সংখ্যক পুলিশ, আনসার ও অন্যান্য বাহিনীর সদস্য মোতায়েন থাকবে। ঝুঁকিপূর্ণ কেন্দ্রগুলোতে বাড়তি নজরদারি রাখা হবে।
সরকার জনআকাঙ্ক্ষা পূরণে
(প্রথম পাতার পর)
নির্বাচন কমিশন ও আইনশৃঙ্খলা বাহিনীর সদস্যদের সঙ্গে সমন্বয় করে ভোটকেন্দ্রে সর্বোচ্চ নিরাপত্তা নিশ্চিত করতে হবে। ভোটারদের নিরাপদে কেন্দ্রে আসা যাওয়ার পরিবেশ তৈরি করা হবে এবং কোনো ধরনের বিশৃঙ্খলা বরদাশত করা হবে না। সংশ্লিষ্ট কর্মকর্তারা জানান, প্রতিটি কেন্দ্রে পর্যাপ্ত সংখ্যক পুলিশ, আনসার ও অন্যান্য বাহিনীর সদস্য মোতায়েন থাকবে। ঝুঁকিপূর্ণ কেন্দ্রগুলোতে বাড়তি নজরদারি রাখা হবে। নির্বাচন কমিশন ও আইনশৃঙ্খলা বাহিনীর সদস্যদের সঙ্গে সমন্বয় করে ভোটকেন্দ্রে সর্বোচ্চ নিরাপত্তা নিশ্চিত করতে হবে। ভোটারদের নিরাপদে কেন্দ্রে আসা যাওয়ার পরিবেশ তৈরি করা হবে এবং কোনো ধরনের বিশৃঙ্খলা বরদাশত করা হবে না। সংশ্লিষ্ট কর্মকর্তারা জানান, প্রতিটি কেন্দ্রে পর্যাপ্ত সংখ্যক পুলিশ, আনসার ও অন্যান্য বাহিনীর সদস্য মোতায়েন থাকবে। ঝুঁকিপূর্ণ কেন্দ্রগুলোতে বাড়তি নজরদারি রাখা হবে। নির্বাচন কমিশন ও আইনশৃঙ্খলা বাহিনীর সদস্যদের সঙ্গে সমন্বয় করে ভোটকেন্দ্রে সর্বোচ্চ নিরাপত্তা নিশ্চিত করতে হবে। ভোটারদের নিরাপদে কেন্দ্রে আসা যাওয়ার পরিবেশ তৈরি করা হবে এবং কোনো ধরনের বিশৃঙ্খলা বরদাশত করা হবে না। সংশ্লিষ্ট কর্মকর্তারা জানান, প্রতিটি কেন্দ্রে পর্যাপ্ত সংখ্যক পুলিশ, আনসার ও অন্যান্য বাহিনীর সদস্য মোতায়েন থাকবে। ঝুঁকিপূর্ণ কেন্দ্রগুলোতে বাড়তি নজরদারি রাখা হবে। নির্বাচন কমিশন ও আইনশৃঙ্খলা বাহিনীর সদস্যদের সঙ্গে সমন্বয় করে ভোটকেন্দ্রে সর্বোচ্চ নিরাপত্তা নিশ্চিত করতে হবে। ভোটারদের নিরাপদে কেন্দ্রে আসা যাওয়ার পরিবেশ তৈরি করা হবে এবং কোনো ধরনের বিশৃঙ্খলা বরদাশত করা হবে না। সংশ্লিষ্ট কর্মকর্তারা জানান, প্রতিটি কেন্দ্রে পর্যাপ্ত সংখ্যক পুলিশ, আনসার ও অন্যান্য বাহিনীর সদস্য মোতায়েন থাকবে। ঝুঁকিপূর্ণ কেন্দ্রগুলোতে বাড়তি নজরদারি রাখা হবে। নির্বাচন কমিশন ও আইনশৃঙ্খলা বাহিনীর সদস্যদের সঙ্গে সমন্বয় করে ভোটকেন্দ্রে সর্বোচ্চ নিরাপত্তা নিশ্চিত করতে হবে। ভোটারদের নিরাপদে কেন্দ্রে আসা যাওয়ার পরিবেশ তৈরি করা হবে এবং কোনো ধরনের বিশৃঙ্খলা বরদাশত করা হবে না। সংশ্লিষ্ট কর্মকর্তারা জানান, প্রতিটি কেন্দ্রে পর্যাপ্ত সংখ্যক পুলিশ, আনসার ও অন্যান্য বাহিনীর সদস্য মোতায়েন থাকবে। ঝুঁকিপূর্ণ কেন্দ্রগুলোতে বাড়তি নজরদারি রাখা হবে। নির্বাচন কমিশন ও আইনশৃঙ্খলা বাহিনীর সদস্যদের সঙ্গে সমন্বয় করে ভোটকেন্দ্রে সর্বোচ্চ নিরাপত্তা নিশ্চিত করতে হবে। ভোটারদের নিরাপদে কেন্দ্রে আসা যাওয়ার পরিবেশ তৈরি করা হবে এবং কোনো ধরনের বিশৃঙ্খলা বরদাশত করা হবে না। সংশ্লিষ্ট কর্মকর্তারা জানান, প্রতিটি কেন্দ্রে পর্যাপ্ত সংখ্যক পুলিশ, আনসার ও অন্যান্য বাহিনীর সদস্য মোতায়েন থাকবে। ঝুঁকিপূর্ণ কেন্দ্রগুলোতে বাড়তি নজরদারি রাখা হবে। নির্বাচন কমিশন ও আইনশৃঙ্খলা বাহিনীর সদস্যদের সঙ্গে সমন্বয় করে ভোটকেন্দ্রে সর্বোচ্চ নিরাপত্তা নিশ্চিত করতে হবে। ভোটারদের নিরাপদে কেন্দ্রে আসা যাওয়ার পরিবেশ তৈরি করা হবে এবং কোনো ধরনের বিশৃঙ্খলা বরদাশত করা হবে না। সংশ্লিষ্ট কর্মকর্তারা জানান, প্রতিটি কেন্দ্রে পর্যাপ্ত সংখ্যক পুলিশ, আনসার ও অন্যান্য বাহিনীর সদস্য মোতায়েন থাকবে। ঝুঁকিপূর্ণ কেন্দ্রগুলোতে বাড়তি নজরদারি রাখা হবে। নির্বাচন কমিশন ও আইনশৃঙ্খলা বাহিনীর সদস্যদের সঙ্গে সমন্বয় করে ভোটকেন্দ্রে সর্বোচ্চ নিরাপত্তা নিশ্চিত করতে হবে। ভোটারদের নিরাপদে কেন্দ্রে আসা যাওয়ার পরিবেশ তৈরি করা হবে এবং কোনো ধরনের বিশৃঙ্খলা বরদাশত করা হবে না। সংশ্লিষ্ট কর্মকর্তারা জানান, প্রতিটি কেন্দ্রে পর্যাপ্ত সংখ্যক পুলিশ, আনসার ও অন্যান্য বাহিনীর সদস্য মোতায়েন থাকবে। ঝুঁকিপূর্ণ কেন্দ্রগুলোতে বাড়তি নজরদারি রাখা হবে। নির্বাচন কমিশন ও আইনশৃঙ্খলা বাহিনীর সদস্যদের সঙ্গে সমন্বয় করে ভোটকেন্দ্রে সর্বোচ্চ নিরাপত্তা নিশ্চিত করতে হবে। ভোটারদের নিরাপদে কেন্দ্রে আসা যাওয়ার পরিবেশ তৈরি করা হবে এবং কোনো ধরনের বিশৃঙ্খলা বরদাশত করা হবে না। সংশ্লিষ্ট কর্মকর্তারা জানান, প্রতিটি কেন্দ্রে পর্যাপ্ত সংখ্যক পুলিশ, আনসার ও অন্যান্য বাহিনীর সদস্য মোতায়েন থাকবে। ঝুঁকিপূর্ণ কেন্দ্রগুলোতে বাড়তি নজরদারি রাখা হবে। নির্বাচন কমিশন ও আইনশৃঙ্খলা বাহিনীর সদস্যদের সঙ্গে সমন্বয় করে ভোটকেন্দ্রে সর্বোচ্চ নিরাপত্তা নিশ্চিত করতে হবে। ভোটারদের নিরাপদে কেন্দ্রে আসা যাওয়ার পরিবেশ তৈরি করা হবে এবং কোনো ধরনের বিশৃঙ্খলা বরদাশত করা হবে না। সংশ্লিষ্ট কর্মকর্তারা জানান, প্রতিটি কেন্দ্রে পর্যাপ্ত সংখ্যক পুলিশ, আনসার ও অন্যান্য বাহিনীর সদস্য মোতায়েন থাকবে। ঝুঁকিপূর্ণ কেন্দ্রগুলোতে বাড়তি নজরদারি রাখা হবে। নির্বাচন কমিশন ও আইনশৃঙ্খলা বাহিনীর সদস্যদের সঙ্গে সমন্বয় করে ভোটকেন্দ্রে সর্বোচ্চ নিরাপত্তা নিশ্চিত করতে হবে। ভোটারদের নিরাপদে কেন্দ্রে আসা যাওয়ার পরিবেশ তৈরি করা হবে এবং কোনো ধরনের বিশৃঙ্খলা বরদাশত করা হবে না। সংশ্লিষ্ট কর্মকর্তারা জানান, প্রতিটি কেন্দ্রে পর্যাপ্ত সংখ্যক পুলিশ, আনসার ও অন্যান্য বাহিনীর সদস্য মোতায়েন থাকবে। ঝুঁকিপূর্ণ কেন্দ্রগুলোতে বাড়তি নজরদারি রাখা হবে। নির্বাচন কমিশন ও আইনশৃঙ্খলা বাহিনীর সদস্যদের সঙ্গে সমন্বয় করে ভোটকেন্দ্রে সর্বোচ্চ নিরাপত্তা নিশ্চিত করতে হবে। ভোটারদের নিরাপদে কেন্দ্রে আসা যাওয়ার পরিবেশ তৈরি করা হবে এবং কোনো ধরনের বিশৃঙ্খলা বরদাশত করা হবে না। সংশ্লিষ্ট কর্মকর্তারা জানান, প্রতিটি কেন্দ্রে পর্যাপ্ত সংখ্যক পুলিশ, আনসার ও অন্যান্য বাহিনীর সদস্য মোতায়েন থাকবে। ঝুঁকিপূর্ণ কেন্দ্রগুলোতে বাড়তি নজরদারি রাখা হবে। নির্বাচন কমিশন ও আইনশৃঙ্খলা বাহিনীর সদস্যদের সঙ্গে সমন্বয় করে ভোটকেন্দ্রে সর্বোচ্চ নিরাপত্তা নিশ্চিত করতে হবে। ভোটারদের নিরাপদে কেন্দ্রে আসা যাওয়ার পরিবেশ তৈরি করা হবে এবং কোনো ধরনের বিশৃঙ্খলা বরদাশত করা হবে না। সংশ্লিষ্ট কর্মকর্তারা জানান, প্রতিটি কেন্দ্রে পর্যাপ্ত সংখ্যক পুলিশ, আনসার ও অন্যান্য বাহিনীর সদস্য মোতায়েন থাকবে। ঝুঁকিপূর্ণ কেন্দ্রগুলোতে বাড়তি নজরদারি রাখা হবে। নির্বাচন কমিশন ও আইনশৃঙ্খলা বাহিনীর সদস্যদের সঙ্গে সমন্বয় করে ভোটকেন্দ্রে সর্বোচ্চ নিরাপত্তা নিশ্চিত করতে হবে। ভোটারদের নিরাপদে কেন্দ্রে আসা যাওয়ার পরিবেশ তৈরি করা হবে এবং কোনো ধরনের বিশৃঙ্খলা বরদাশত করা হবে না। সংশ্লিষ্ট কর্মকর্তারা জানান, প্রতিটি কেন্দ্রে পর্যাপ্ত সংখ্যক পুলিশ, আনসার ও অন্যান্য বাহিনীর সদস্য মোতায়েন থাকবে। ঝুঁকিপূর্ণ কেন্দ্রগুলোতে বাড়তি নজরদারি রাখা হবে। নির্বাচন কমিশন ও আইনশৃঙ্খলা বাহিনীর সদস্যদের সঙ্গে সমন্বয় করে ভোটকেন্দ্রে সর্বোচ্চ নিরাপত্তা নিশ্চিত করতে হবে। ভোটারদের নিরাপদে কেন্দ্রে আসা যাওয়ার পরিবেশ তৈরি করা হবে এবং কোনো ধরনের বিশৃঙ্খলা বরদাশত করা হবে না। সংশ্লিষ্ট কর্মকর্তারা জানান, প্রতিটি কেন্দ্রে পর্যাপ্ত সংখ্যক পুলিশ, আনসার ও অন্যান্য বাহিনীর সদস্য মোতায়েন থাকবে। ঝুঁকিপূর্ণ কেন্দ্রগুলোতে বাড়তি নজরদারি রাখা হবে। নির্বাচন কমিশন ও আইনশৃঙ্খলা বাহিনীর সদস্যদের সঙ্গে সমন্বয় করে ভোটকেন্দ্রে সর্বোচ্চ নিরাপত্তা নিশ্চিত করতে হবে। ভোটারদের নিরাপদে কেন্দ্রে আসা যাওয়ার পরিবেশ তৈরি করা হবে এবং কোনো ধরনের বিশৃঙ্খলা বরদাশত করা হবে না। সংশ্লিষ্ট কর্মকর্তারা জানান, প্রতিটি কেন্দ্রে পর্যাপ্ত সংখ্যক পুলিশ, আনসার ও অন্যান্য বাহিনীর সদস্য মোতায়েন থাকবে। ঝুঁকিপূর্ণ কেন্দ্রগুলোতে বাড়তি নজরদারি রাখা হবে। নির্বাচন কমিশন ও আইনশৃঙ্খলা বাহিনীর সদস্যদের সঙ্গে সমন্বয় করে ভোটকেন্দ্রে সর্বোচ্চ নিরাপত্তা নিশ্চিত করতে হবে। ভোটারদের নিরাপদে কেন্দ্রে আসা যাওয়ার পরিবেশ তৈরি করা হবে এবং কোনো ধরনের বিশৃঙ্খলা বরদাশত করা হবে না। সংশ্লিষ্ট কর্মকর্তারা জানান, প্রতিটি কেন্দ্রে পর্যাপ্ত সংখ্যক পুলিশ, আনসার ও অন্যান্য বাহিনীর সদস্য মোতায়েন থাকবে। ঝুঁকিপূর্ণ কেন্দ্রগুলোতে বাড়তি নজরদারি রাখা হবে। নির্বাচন কমিশন ও আইনশৃঙ্খলা বাহিনীর সদস্যদের সঙ্গে সমন্বয় করে ভোটকেন্দ্রে সর্বোচ্চ নিরাপত্তা নিশ্চিত করতে হবে। ভোটারদের নিরাপদে কেন্দ্রে আসা যাওয়ার পরিবেশ তৈরি করা হবে এবং কোনো ধরনের বিশৃঙ্খলা বরদাশত করা হবে না। সংশ্লিষ্ট কর্মকর্তারা জানান, প্রতিটি কেন্দ্রে পর্যাপ্ত সংখ্যক পুলিশ, আনসার ও অন্যান্য বাহিনীর সদস্য মোতায়েন থাকবে। ঝুঁকিপূর্ণ কেন্দ্রগুলোতে বাড়তি নজরদারি রাখা হবে।
ভারতীয় মিডিয়া ও আ.লীগ
(প্রথম পাতার পর)
নির্বাচন কমিশন ও আইনশৃঙ্খলা বাহিনীর সদস্যদের সঙ্গে সমন্বয় করে ভোটকেন্দ্রে সর্বোচ্চ নিরাপত্তা নিশ্চিত করতে হবে। ভোটারদের নিরাপদে কেন্দ্রে আসা যাওয়ার পরিবেশ তৈরি করা হবে এবং কোনো ধরনের বিশৃঙ্খলা বরদাশত করা হবে না। সংশ্লিষ্ট কর্মকর্তারা জানান, প্রতিটি কেন্দ্রে পর্যাপ্ত সংখ্যক পুলিশ, আনসার ও অন্যান্য বাহিনীর সদস্য মোতায়েন থাকবে। ঝুঁকিপূর্ণ কেন্দ্রগুলোতে বাড়তি নজরদারি রাখা হবে। নির্বাচন কমিশন ও আইনশৃঙ্খলা বাহিনীর সদস্যদের সঙ্গে সমন্বয় করে ভোটকেন্দ্রে সর্বোচ্চ নিরাপত্তা নিশ্চিত করতে হবে। ভোটারদের নিরাপদে কেন্দ্রে আসা যাওয়ার পরিবেশ তৈরি করা হবে এবং কোনো ধরনের বিশৃঙ্খলা বরদাশত করা হবে না। সংশ্লিষ্ট কর্মকর্তারা জানান, প্রতিটি কেন্দ্রে পর্যাপ্ত সংখ্যক পুলিশ, আনসার ও অন্যান্য বাহিনীর সদস্য মোতায়েন থাকবে। ঝুঁকিপূর্ণ কেন্দ্রগুলোতে বাড়তি নজরদারি রাখা হবে। নির্বাচন কমিশন ও আইনশৃঙ্খলা বাহিনীর সদস্যদের সঙ্গে সমন্বয় করে ভোটকেন্দ্রে সর্বোচ্চ নিরাপত্তা নিশ্চিত করতে হবে। ভোটারদের নিরাপদে কেন্দ্রে আসা যাওয়ার পরিবেশ তৈরি করা হবে এবং কোনো ধরনের বিশৃঙ্খলা বরদাশত করা হবে না। সংশ্লিষ্ট কর্মকর্তারা জানান, প্রতিটি কেন্দ্রে পর্যাপ্ত সংখ্যক পুলিশ, আনসার ও অন্যান্য বাহিনীর সদস্য মোতায়েন থাকবে। ঝুঁকিপূর্ণ কেন্দ্রগুলোতে বাড়তি নজরদারি রাখা হবে। নির্বাচন কমিশন ও আইনশৃঙ্খলা বাহিনীর সদস্যদের সঙ্গে সমন্বয় করে ভোটকেন্দ্রে সর্বোচ্চ নিরাপত্তা নিশ্চিত করতে হবে। ভোটারদের নিরাপদে কেন্দ্রে আসা যাওয়ার পরিবেশ তৈরি করা হবে এবং কোনো ধরনের বিশৃঙ্খলা বরদাশত করা হবে না। সংশ্লিষ্ট কর্মকর্তারা জানান, প্রতিটি কেন্দ্রে পর্যাপ্ত সংখ্যক পুলিশ, আনসার ও অন্যান্য বাহিনীর সদস্য মোতায়েন থাকবে। ঝুঁকিপূর্ণ কেন্দ্রগুলোতে বাড়তি নজরদারি রাখা হবে। নির্বাচন কমিশন ও আইনশৃঙ্খলা বাহিনীর সদস্যদের সঙ্গে সমন্বয় করে ভোটকেন্দ্রে সর্বোচ্চ নিরাপত্তা নিশ্চিত করতে হবে। ভোটারদের নিরাপদে কেন্দ্রে আসা যাওয়ার পরিবেশ তৈরি করা হবে এবং কোনো ধরনের বিশৃঙ্খলা বরদাশত করা হবে না। সংশ্লিষ্ট কর্মকর্তারা জানান, প্রতিটি কেন্দ্রে পর্যাপ্ত সংখ্যক পুলিশ, আনসার ও অন্যান্য বাহিনীর সদস্য মোতায়েন থাকবে। ঝুঁকিপূর্ণ কেন্দ্রগুলোতে বাড়তি নজরদারি রাখা হবে। নির্বাচন কমিশন ও আইনশৃঙ্খলা বাহিনীর সদস্যদের সঙ্গে সমন্বয় করে ভোটকেন্দ্রে সর্বোচ্চ নিরাপত্তা নিশ্চিত করতে হবে। ভোটারদের নিরাপদে কেন্দ্রে আসা যাওয়ার পরিবেশ তৈরি করা হবে এবং কোনো ধরনের বিশৃঙ্খলা বরদাশত করা হবে না। সংশ্লিষ্ট কর্মকর্তারা জানান, প্রতিটি কেন্দ্রে পর্যাপ্ত সংখ্যক পুলিশ, আনসার ও অন্যান্য বাহিনীর সদস্য মোতায়েন থাকবে। ঝুঁকিপূর্ণ কেন্দ্রগুলোতে বাড়তি নজরদারি রাখা হবে। নির্বাচন কমিশন ও আইনশৃঙ্খলা বাহিনীর সদস্যদের সঙ্গে সমন্বয় করে ভোটকেন্দ্রে সর্বোচ্চ নিরাপত্তা নিশ্চিত করতে হবে। ভোটারদের নিরাপদে কেন্দ্রে আসা যাওয়ার পরিবেশ তৈরি করা হবে এবং কোনো ধরনের বিশৃঙ্খলা বরদাশত করা হবে না। সংশ্লিষ্ট কর্মকর্তারা জানান, প্রতিটি কেন্দ্রে পর্যাপ্ত সংখ্যক পুলিশ, আনসার ও অন্যান্য বাহিনীর সদস্য মোতায়েন থাকবে। ঝুঁকিপূর্ণ কেন্দ্রগুলোতে বাড়তি নজরদারি রাখা হবে। নির্বাচন কমিশন ও আইনশৃঙ্খলা বাহিনীর সদস্যদের সঙ্গে সমন্বয় করে ভোটকেন্দ্রে সর্বোচ্চ নিরাপত্তা নিশ্চিত করতে হবে। ভোটারদের নিরাপদে কেন্দ্রে আসা যাওয়ার পরিবেশ তৈরি করা হবে এবং কোনো ধরনের বিশৃঙ্খলা বরদাশত করা হবে না। সংশ্লিষ্ট কর্মকর্তারা জানান, প্রতিটি কেন্দ্রে পর্যাপ্ত সংখ্যক পুলিশ, আনসার ও অন্যান্য বাহিনীর সদস্য মোতায়েন থাকবে। ঝুঁকিপূর্ণ কেন্দ্রগুলোতে বাড়তি নজরদারি রাখা হবে। নির্বাচন কমিশন ও আইনশৃঙ্খলা বাহিনীর সদস্যদের সঙ্গে সমন্বয় করে ভোটকেন্দ্রে সর্বোচ্চ নিরাপত্তা নিশ্চিত করতে হবে। ভোটারদের নিরাপদে কেন্দ্রে আসা যাওয়ার পরিবেশ তৈরি করা হবে এবং কোনো ধরনের বিশৃঙ্খলা বরদাশত করা হবে না। সংশ্লিষ্ট কর্মকর্তারা জানান, প্রতিটি কেন্দ্রে পর্যাপ্ত সংখ্যক পুলিশ, আনসার ও অন্যান্য বাহিনীর সদস্য মোতায়েন থাকবে। ঝুঁকিপূর্ণ কেন্দ্রগুলোতে বাড়তি নজরদারি রাখা হবে। নির্বাচন কমিশন ও আইনশৃঙ্খলা বাহিনীর সদস্যদের সঙ্গে সমন্বয় করে ভোটকেন্দ্রে সর্বোচ্চ নিরাপত্তা নিশ্চিত করতে হবে। ভোটারদের নিরাপদে কেন্দ্রে আসা যাওয়ার পরিবেশ তৈরি করা হবে এবং কোনো ধরনের বিশৃঙ্খলা বরদাশত করা হবে না। সংশ্লিষ্ট কর্মকর্তারা জানান, প্রতিটি কেন্দ্রে পর্যাপ্ত সংখ্যক পুলিশ, আনসার ও অন্যান্য বাহিনীর সদস্য মোতায়েন থাকবে। ঝুঁকিপূর্ণ কেন্দ্রগুলোতে বাড়তি নজরদারি রাখা হবে। নির্বাচন কমিশন ও আইনশৃঙ্খলা বাহিনীর সদস্যদের সঙ্গে সমন্বয় করে ভোটকেন্দ্রে সর্বোচ্চ নিরাপত্তা নিশ্চিত করতে হবে। ভোটারদের নিরাপদে কেন্দ্রে আসা যাওয়ার পরিবেশ তৈরি করা হবে এবং কোনো ধরনের বিশৃঙ্খলা বরদাশত করা হবে না। সংশ্লিষ্ট কর্মকর্তারা জানান, প্রতিটি কেন্দ্রে পর্যাপ্ত সংখ্যক পুলিশ, আনসার ও অন্যান্য বাহিনীর সদস্য মোতায়েন থাকবে। ঝুঁকিপূর্ণ কেন্দ্রগুলোতে বাড়তি নজরদারি রাখা হবে। নির্বাচন কমিশন ও আইনশৃঙ্খলা বাহিনীর সদস্যদের সঙ্গে সমন্বয় করে ভোটকেন্দ্রে সর্বোচ্চ নিরাপত্তা নিশ্চিত করতে হবে। ভোটারদের নিরাপদে কেন্দ্রে আসা যাওয়ার পরিবেশ তৈরি করা হবে এবং কোনো ধরনের বিশৃঙ্খলা বরদাশত করা হবে না। সংশ্লিষ্ট কর্মকর্তারা জানান, প্রতিটি কেন্দ্রে পর্যাপ্ত সংখ্যক পুলিশ, আনসার ও অন্যান্য বাহিনীর সদস্য মোতায়েন থাকবে। ঝুঁকিপূর্ণ কেন্দ্রগুলোতে বাড়তি নজরদারি রাখা হবে। নির্বাচন কমিশন ও আইনশৃঙ্খলা বাহিনীর সদস্যদের সঙ্গে সমন্বয় করে ভোটকেন্দ্রে সর্বোচ্চ নিরাপত্তা নিশ্চিত করতে হবে। ভোটারদের নিরাপদে কেন্দ্রে আসা যাওয়ার পরিবেশ তৈরি করা হবে এবং কোনো ধরনের বিশৃঙ্খলা বরদাশত করা হবে না। সংশ্লিষ্ট কর্মকর্তারা জানান, প্রতিটি কেন্দ্রে পর্যাপ্ত সংখ্যক পুলিশ, আনসার ও অন্যান্য বাহিনীর সদস্য মোতায়েন থাকবে। ঝুঁকিপূর্ণ কেন্দ্রগুলোতে বাড়তি নজরদারি রাখা হবে। নির্বাচন কমিশন ও আইনশৃঙ্খলা বাহিনীর সদস্যদের সঙ্গে সমন্বয় করে ভোটকেন্দ্রে সর্বোচ্চ নিরাপত্তা নিশ্চিত করতে হবে। ভোটারদের নিরাপদে কেন্দ্রে আসা যাওয়ার পরিবেশ তৈরি করা হবে এবং কোনো ধরনের বিশৃঙ্খলা বরদাশত করা হবে না। সংশ্লিষ্ট কর্মকর্তারা জানান, প্রতিটি কেন্দ্রে পর্যাপ্ত সংখ্যক পুলিশ, আনসার ও অন্যান্য বাহিনীর সদস্য মোতায়েন থাকবে। ঝুঁকিপূর্ণ কেন্দ্রগুলোতে বাড়তি নজরদারি রাখা হবে। নির্বাচন কমিশন ও আইনশৃঙ্খলা বাহিনীর সদস্যদের সঙ্গে সমন্বয় করে ভোটকেন্দ্রে সর্বোচ্চ নিরাপত্তা নিশ্চিত করতে হবে। ভোটারদের নিরাপদে কেন্দ্রে আসা যাওয়ার পরিবেশ তৈরি করা হবে এবং কোনো ধরনের বিশৃঙ্খলা বরদাশত করা হবে না। সংশ্লিষ্ট কর্মকর্তারা জানান, প্রতিটি কেন্দ্রে পর্যাপ্ত সংখ্যক পুলিশ, আনসার ও অন্যান্য বাহিনীর সদস্য মোতায়েন থাকবে। ঝুঁকিপূর্ণ কেন্দ্রগুলোতে বাড়তি নজরদারি রাখা হবে। নির্বাচন কমিশন ও আইনশৃঙ্খলা বাহিনীর সদস্যদের সঙ্গে সমন্বয় করে ভোটকেন্দ্রে সর্বোচ্চ নিরাপত্তা নিশ্চিত করতে হবে। ভোটারদের নিরাপদে কেন্দ্রে আসা যাওয়ার পরিবেশ তৈরি করা হবে এবং কোনো ধরনের বিশৃঙ্খলা বরদাশত করা হবে না। সংশ্লিষ্ট কর্মকর্তারা জানান, প্রতিটি কেন্দ্রে পর্যাপ্ত সংখ্যক পুলিশ, আনসার ও অন্যান্য বাহিনীর সদস্য মোতায়েন থাকবে। ঝুঁকিপূর্ণ কেন্দ্রগুলোতে বাড়তি নজরদারি রাখা হবে। নির্বাচন কমিশন ও আইনশৃঙ্খলা বাহিনীর সদস্যদের সঙ্গে সমন্বয় করে ভোটকেন্দ্রে সর্বোচ্চ নিরাপত্তা নিশ্চিত করতে হবে। ভোটারদের নিরাপদে কেন্দ্রে আসা যাওয়ার পরিবেশ তৈরি করা হবে এবং কোনো ধরনের বিশৃঙ্খলা বরদাশত করা হবে না। সংশ্লিষ্ট কর্মকর্তারা জানান, প্রতিটি কেন্দ্রে পর্যাপ্ত সংখ্যক পুলিশ, আনসার ও অন্যান্য বাহিনীর সদস্য মোতায়েন থাকবে। ঝুঁকিপূর্ণ কেন্দ্রগুলোতে বাড়তি নজরদারি রাখা হবে। নির্বাচন কমিশন ও আইনশৃঙ্খলা বাহিনীর সদস্যদের সঙ্গে সমন্বয় করে ভোটকেন্দ্রে সর্বোচ্চ নিরাপত্তা নিশ্চিত করতে হবে। ভোটারদের নিরাপদে কেন্দ্রে আসা যাওয়ার পরিবেশ তৈরি করা হবে এবং কোনো ধরনের বিশৃঙ্খলা বরদাশত করা হবে না। সংশ্লিষ্ট কর্মকর্তারা জানান, প্রতিটি কেন্দ্রে পর্যাপ্ত সংখ্যক পুলিশ, আনসার ও অন্যান্য বাহিনীর সদস্য মোতায়েন থাকবে। ঝুঁকিপূর্ণ কেন্দ্রগুলোতে বাড়তি নজরদারি রাখা হবে। নির্বাচন কমিশন ও আইনশৃঙ্খলা বাহিনীর সদস্যদের সঙ্গে সমন্বয় করে ভোটকেন্দ্রে সর্বোচ্চ নিরাপত্তা নিশ্চিত করতে হবে। ভোটারদের নিরাপদে কেন্দ্রে আসা যাওয়ার পরিবেশ তৈরি করা হবে এবং কোনো ধরনের বিশৃঙ্খলা বরদাশত করা হবে না। সংশ্লিষ্ট কর্মকর্তারা জানান, প্রতিটি কেন্দ্রে পর্যাপ্ত সংখ্যক পুলিশ, আনসার ও অন্যান্য বাহিনীর সদস্য মোতায়েন থাকবে। ঝুঁকিপূর্ণ কেন্দ্রগুলোতে বাড়তি নজরদারি রাখা হবে। নির্বাচন কমিশন ও আইনশৃঙ্খলা বাহিনীর সদস্যদের সঙ্গে সমন্বয় করে ভোটকেন্দ্রে সর্বোচ্চ নিরাপত্তা নিশ্চিত করতে হবে। ভোটারদের নিরাপদে কেন্দ্রে আসা যাওয়ার পরিবেশ তৈরি করা হবে এবং কোনো ধরনের বিশৃঙ্খলা বরদাশত করা হবে না। সংশ্লিষ্ট কর্মকর্তারা জানান, প্রতিটি কেন্দ্রে পর্যাপ্ত সংখ্যক পুলিশ, আনসার ও অন্যান্য বাহিনীর সদস্য মোতায়েন থাকবে। ঝুঁকিপূর্ণ কেন্দ্রগুলোতে বাড়তি নজরদারি রাখা হবে।
নির্বাচন কমিশন ও আইনশৃঙ্খলা বাহিনীর সদস্যদের সঙ্গে সমন্বয় করে ভোটকেন্দ্রে সর্বোচ্চ নিরাপত্তা নিশ্চিত করতে হবে। ভোটারদের নিরাপদে কেন্দ্রে আসা যাওয়ার পরিবেশ তৈরি করা হবে এবং কোনো ধরনের বিশৃঙ্খলা বরদাশত করা হবে না। সংশ্লিষ্ট কর্মকর্তারা জানান, প্রতিটি কেন্দ্রে পর্যাপ্ত সংখ্যক পুলিশ, আনসার ও অন্যান্য বাহিনীর সদস্য মোতায়েন থাকবে। ঝুঁকিপূর্ণ কেন্দ্রগুলোতে বাড়তি নজরদারি রাখা হবে। নির্বাচন কমিশন ও আইনশৃঙ্খলা বাহিনীর সদস্যদের সঙ্গে সমন্বয় করে ভোটকেন্দ্রে সর্বোচ্চ নিরাপত্তা নিশ্চিত করতে হবে। ভোটারদের নিরাপদে কেন্দ্রে আসা যাওয়ার পরিবেশ তৈরি করা হবে এবং কোনো ধরনের বিশৃঙ্খলা বরদাশত করা হবে না। সংশ্লিষ্ট কর্মকর্তারা জানান, প্রতিটি কেন্দ্রে পর্যাপ্ত সংখ্যক পুলিশ, আনসার ও অন্যান্য বাহিনীর সদস্য মোতায়েন থাকবে। ঝুঁকিপূর্ণ কেন্দ্রগুলোতে বাড়তি নজরদারি রাখা হবে।
নির্বাচনে লেভেল প্লেয়িং
(প্রথম পাতার পর)
নির্বাচন কমিশন ও আইনশৃঙ্খলা বাহিনীর সদস্যদের সঙ্গে সমন্বয় করে ভোটকেন্দ্রে সর্বোচ্চ নিরাপত্তা নিশ্চিত করতে হবে। ভোটারদের নিরাপদে কেন্দ্রে আসা যাওয়ার পরিবেশ তৈরি করা হবে এবং কোনো ধরনের বিশৃঙ্খলা বরদাশত করা হবে না। সংশ্লিষ্ট কর্মকর্তারা জানান, প্রতিটি কেন্দ্রে পর্যাপ্ত সংখ্যক পুলিশ, আনসার ও অন্যান্য বাহিনীর সদস্য মোতায়েন থাকবে। ঝুঁকিপূর্ণ কেন্দ্রগুলোতে বাড়তি নজরদারি রাখা হবে। নির্বাচন কমিশন ও আইনশৃঙ্খলা বাহিনীর সদস্যদের সঙ্গে সমন্বয় করে ভোটকেন্দ্রে সর্বোচ্চ নিরাপত্তা নিশ্চিত করতে হবে। ভোটারদের নিরাপদে কেন্দ্রে আসা যাওয়ার পরিবেশ তৈরি করা হবে এবং কোনো ধরনের বিশৃঙ্খলা বরদাশত করা হবে না। সংশ্লিষ্ট কর্মকর্তারা জানান, প্রতিটি কেন্দ্রে পর্যাপ্ত সংখ্যক পুলিশ, আনসার ও অন্যান্য বাহিনীর সদস্য মোতায়েন থাকবে। ঝুঁকিপূর্ণ কেন্দ্রগুলোতে বাড়তি নজরদারি রাখা হবে। নির্বাচন কমিশন ও আইনশৃঙ্খলা বাহিনীর সদস্যদের সঙ্গে সমন্বয় করে ভোটকেন্দ্রে সর্বোচ্চ নিরাপত্তা নিশ্চিত করতে হবে। ভোটারদের নিরাপদে কেন্দ্রে আসা যাওয়ার পরিবেশ তৈরি করা হবে এবং কোনো ধরনের বিশৃঙ্খলা বরদাশত করা হবে না। সংশ্লিষ্ট কর্মকর্তারা জানান, প্রতিটি কেন্দ্রে পর্যাপ্ত সংখ্যক পুলিশ, আনসার ও অন্যান্য বাহিনীর সদস্য মোতায়েন থাকবে। ঝুঁকিপূর্ণ কেন্দ্রগুলোতে বাড়তি নজরদারি রাখা হবে। নির্বাচন কমিশন ও আইনশৃঙ্খলা বাহিনীর সদস্যদের সঙ্গে সমন্বয় করে ভোটকেন্দ্রে সর্বোচ্চ নিরাপত্তা নিশ্চিত করতে হবে। ভোটারদের নিরাপদে কেন্দ্রে আসা যাওয়ার পরিবেশ তৈরি করা হবে এবং কোনো ধরনের বিশৃঙ্খলা বরদাশত করা হবে না। সংশ্লিষ্ট কর্মকর্তারা জানান, প্রতিটি কেন্দ্রে পর্যাপ্ত সংখ্যক পুলিশ, আনসার ও অন্যান্য বাহিনীর সদস্য মোতায়েন থাকবে। ঝুঁকিপূর্ণ কেন্দ্রগুলোতে বাড়তি নজরদারি রাখা হবে। নির্বাচন কমিশন ও আইনশৃঙ্খলা বাহিনীর সদস্যদের সঙ্গে সমন্বয় করে ভোটকেন্দ্রে সর্বোচ্চ নিরাপত্তা নিশ্চিত করতে হবে। ভোটারদের নিরাপদে কেন্দ্রে আসা যাওয়ার পরিবেশ তৈরি করা হবে এবং কোনো ধরনের বিশৃঙ্খলা বরদাশত করা হবে না। সংশ্লিষ্ট কর্মকর্তারা জানান, প্রতিটি কেন্দ্রে পর্যাপ্ত সংখ্যক পুলিশ, আনসার ও অন্যান্য বাহিনীর সদস্য মোতায়েন থাকবে। ঝুঁকিপূর্ণ কেন্দ্রগুলোতে বাড়তি নজরদারি রাখা হবে।
১৯৭১ সালই প্রমাণ
(প্রথম পাতার পর)
নির্বাচন কমিশন ও আইনশৃঙ্খলা বাহিনীর সদস্যদের সঙ্গে সমন্বয় করে ভোটকেন্দ্রে সর্বোচ্চ নিরাপত্তা নিশ্চিত করতে হবে। ভোটারদের নিরাপদে কেন্দ্রে আসা যাওয়ার পরিবেশ তৈরি করা হবে এবং কোনো ধরনের বিশৃঙ্খলা বরদাশত করা হবে না। সংশ্লিষ্ট কর্মকর্তারা জানান, প্রতিটি কেন্দ্রে পর্যাপ্ত সংখ্যক পুলিশ, আনসার ও অন্যান্য বাহিনীর সদস্য মোতায়েন থাকবে। ঝুঁকিপূর্ণ কেন্দ্রগুলোতে বাড়তি নজরদারি রাখা হবে। নির্বাচন কমিশন ও আইনশৃঙ্খলা বাহিনীর সদস্যদের সঙ্গে সমন্বয় করে ভোটকেন্দ্রে সর্বোচ্চ নিরাপত্তা নিশ্চিত করতে হবে। ভোটারদের নিরাপদে কেন্দ্রে আসা যাওয়ার পরিবেশ তৈরি করা হবে এবং কোনো ধরনের বিশৃঙ্খলা বরদাশত করা হবে না। সংশ্লিষ্ট কর্মকর্তারা জানান, প্রতিটি কেন্দ্রে পর্যাপ্ত সংখ্যক পুলিশ, আনসার ও অন্যান্য বাহিনীর সদস্য মোতায়েন থাকবে। ঝুঁকিপূর্ণ কেন্দ্রগুলোতে বাড়তি নজরদারি রাখা হবে। নির্বাচন কমিশন ও আইনশৃঙ্খলা বাহিনীর সদস্যদের সঙ্গে সমন্বয় করে ভোটকেন্দ্রে সর্বোচ্চ নিরাপত্তা নিশ্চিত করতে হবে। ভোটারদের নিরাপদে কেন্দ্রে আসা যাওয়ার পরিবেশ তৈরি করা হবে এবং কোনো ধরনের বিশৃঙ্খলা বরদাশত করা হবে না। সংশ্লিষ্ট কর্মকর্তারা জানান, প্রতিটি কেন্দ্রে পর্যাপ্ত সংখ্যক পুলিশ, আনসার ও অন্যান্য বাহিনীর সদস্য মোতায়েন থাকবে। ঝুঁকিপূর্ণ কেন্দ্রগুলোতে বাড়তি নজরদারি রাখা হবে। নির্বাচন কমিশন ও আইনশৃঙ্খলা বাহিনীর সদস্যদের সঙ্গে সমন্বয় করে ভোটকেন্দ্রে সর্বোচ্চ নিরাপত্তা নিশ্চিত করতে হবে। ভোটারদের নিরাপদে কেন্দ্রে আসা যাওয়ার পরিবেশ তৈরি করা হবে এবং কোনো ধরনের বিশৃঙ্খলা বরদাশত করা হবে না। সংশ্লিষ্ট কর্মকর্তারা জানান, প্রতিটি কেন্দ্রে পর্যাপ্ত সংখ্যক পুলিশ, আনসার ও অন্যান্য বাহিনীর সদস্য মোতায়েন থাকবে। ঝুঁকিপূর্ণ কেন্দ্রগুলোতে বাড়তি নজরদারি রাখা হবে। নির্বাচন কমিশন ও আইনশৃঙ্খলা বাহিনীর সদস্যদের সঙ্গে সমন্বয় করে ভোটকেন্দ্রে সর্বোচ্চ নিরাপত্তা নিশ্চিত করতে হবে। ভোটারদের নিরাপদে কেন্দ্রে আসা যাওয়ার পরিবেশ তৈরি করা হবে এবং কোনো ধরনের বিশৃঙ্খলা বরদাশত করা হবে না। সংশ্লিষ্ট কর্মকর্তারা জানান, প্রতিটি কেন্দ্রে পর্যাপ্ত সংখ্যক পুলিশ, আনসার ও অন্যান্য বাহিনীর সদস্য মোতায়েন থাকবে। ঝুঁকিপূর্ণ কেন্দ্রগুলোতে বাড়তি নজরদারি রাখা হবে। নির্বাচন কমিশন ও আইনশৃঙ্খলা বাহিনীর সদস্যদের সঙ্গে সমন্বয় করে ভোটকেন্দ্রে সর্বোচ্চ নিরাপত্তা নিশ্চিত করতে হবে। ভোটারদের নিরাপদে কেন্দ্রে আসা যাওয়ার পরিবেশ তৈরি করা হবে এবং কোনো ধরনের বিশৃঙ্খলা বরদাশত করা হবে না। সংশ্লিষ্ট কর্মকর্তারা জানান, প্রতিটি কেন্দ্রে পর্যাপ্ত সংখ্যক পুলিশ, আনসার ও অন্যান্য বাহিনীর সদস্য মোতায়েন থাকবে। ঝুঁকিপূর্ণ কেন্দ্রগুলোতে বাড়তি নজরদারি রাখা হবে। নির্বাচন কমিশন ও আইনশৃঙ্খলা বাহিনীর সদস্যদের সঙ্গে সমন্বয় করে ভোটকেন্দ্রে সর্বোচ্চ নিরাপত্তা নিশ্চিত করতে হবে। ভোটারদের নিরাপদে কেন্দ্রে আসা যাওয়ার পরিবেশ তৈরি করা হবে এবং কোনো ধরনের বিশৃঙ্খলা বরদাশত করা হবে না। সংশ্লিষ্ট কর্মকর্তারা জানান, প্রতিটি কেন্দ্রে পর্যাপ্ত সংখ্যক পুলিশ, আনসার ও অন্যান্য বাহিনীর সদস্য মোতায়েন থাকবে। ঝুঁকিপূর্ণ কেন্দ্রগুলোতে বাড়তি নজরদারি রাখা হবে। নির্বাচন কমিশন ও আইনশৃঙ্খলা বাহিনীর সদস্যদের সঙ্গে সমন্বয় করে ভোটকেন্দ্রে সর্বোচ্চ নিরাপত্তা নিশ্চিত করতে হবে। ভোটারদের নিরাপদে কেন্দ্রে আসা যাওয়ার পরিবেশ তৈরি করা হবে এবং কোনো ধরনের বিশৃঙ্খলা বরদাশত করা হবে না। সংশ্লিষ্ট কর্মকর্তারা জানান, প্রতিটি কেন্দ্রে পর্যাপ্ত সংখ্যক পুলিশ, আনসার ও অন্যান্য বাহিনীর সদস্য মোতায়েন থাকবে। ঝুঁকিপূর্ণ কেন্দ্রগুলোতে বাড়তি নজরদারি রাখা হবে। নির্বাচন কমিশন ও আইনশৃঙ্খলা বাহিনীর সদস্যদের সঙ্গে সমন্বয় করে ভোটকেন্দ্রে সর্বোচ্চ নিরাপত্তা নিশ্চিত করতে হবে। ভোটারদের নিরাপদে কেন্দ্রে আসা যাওয়ার পরিবেশ তৈরি করা হবে এবং কোনো ধরনের বিশৃঙ্খলা বরদাশত করা হবে না। সংশ্লিষ্ট কর্মকর্তারা জানান, প্রতিটি কেন্দ্রে পর্যাপ্ত সংখ্যক পুলিশ, আনসার ও অন্যান্য বাহিনীর সদস্য মোতায়েন থাকবে। ঝুঁকিপূর্ণ কেন্দ্রগুলোতে বাড়তি নজরদারি রাখা হবে। নির্বাচন কমিশন ও আইনশৃঙ্খলা বাহিনীর সদস্যদের সঙ্গে সমন্বয় করে ভোটকেন্দ্রে সর্বোচ্চ নিরাপত্তা নিশ্চিত করতে হবে। ভোটারদের নিরাপদে কেন্দ্রে আসা যাওয়ার পরিবেশ তৈরি করা হবে এবং কোনো ধরনের বিশৃঙ্খলা বরদাশত করা হবে না। সংশ্লিষ্ট কর্মকর্তারা জানান, প্রতিটি কেন্দ্রে পর্যাপ্ত সংখ্যক পুলিশ, আনসার ও অন্যান্য বাহিনীর সদস্য মোতায়েন থাকবে। ঝুঁকিপূর্ণ কেন্দ্রগুলোতে বাড়তি নজরদারি রাখা হবে। নির্বাচন কমিশন ও আইনশৃঙ্খলা বাহিনীর সদস্যদের সঙ্গে সমন্বয় করে ভোটকেন্দ্রে সর্বোচ্চ নিরাপত্তা নিশ্চিত করতে হবে। ভোটারদের নিরাপদে কেন্দ্রে আসা যাওয়ার পরিবেশ তৈরি করা হবে এবং কোনো ধরনের বিশৃঙ্খলা বরদাশত করা হবে না। সংশ্লিষ্ট কর্মকর্তারা জানান, প্রতিটি কেন্দ্রে পর্যাপ্ত সংখ্যক পুলিশ, আনসার ও অন্যান্য বাহিনীর সদস্য মোতায়েন থাকবে। ঝুঁকিপূর্ণ কেন্দ্রগুলোতে বাড়তি নজরদারি রাখা হবে। নির্বাচন কমিশন ও আইনশৃঙ্খলা বাহিনীর সদস্যদের সঙ্গে সমন্বয় করে ভোটকেন্দ্রে সর্বোচ্চ নিরাপত্তা নিশ্চিত করতে হবে। ভোটারদের নিরাপদে কেন্দ্রে আসা যাওয়ার পরিবেশ তৈরি করা হবে এবং কোনো ধরনের বিশৃঙ্খলা বরদাশত করা হবে না। সংশ্লিষ্ট কর্মকর্তারা জানান, প্রতিটি কেন্দ্রে পর্যাপ্ত সংখ্যক পুলিশ, আনসার ও অন্যান্য বাহিনীর সদস্য মোতায়েন থাকবে। ঝুঁকিপূর্ণ কেন্দ্রগুলোতে বাড়তি নজরদারি রাখা হবে। নির্বাচন কমিশন ও আইনশৃঙ্খলা বাহিনীর সদস্যদের সঙ্গে সমন্বয় করে ভোটকেন্দ্রে সর্বোচ্চ নিরাপত্তা নিশ্চিত করতে হবে। ভোটারদের নিরাপদে কেন্দ্রে আসা যাওয়ার পরিবেশ তৈরি করা হবে এবং কোনো ধরনের বিশৃঙ্খলা বরদাশত করা হবে না। সংশ্লিষ্ট কর্মকর্তারা জানান, প্রতিটি কেন্দ্রে পর্যাপ্ত সংখ্যক পুলিশ, আনসার ও অন্যান্য বাহিনীর সদস্য মোতায়েন থাকবে। ঝুঁকিপূর্ণ কেন্দ্রগুলোতে বাড়তি নজরদারি রাখা হবে। নির্বাচন কমিশন ও আইনশৃঙ্খলা বাহিনীর সদস্যদের সঙ্গে সমন্বয় করে ভোটকেন্দ্রে সর্বোচ্চ নিরাপত্তা নিশ্চিত করতে হবে। ভোটারদের নিরাপদে কেন্দ্রে আসা যাওয়ার পরিবেশ তৈরি করা হবে এবং কোনো ধরনের বিশৃঙ্খলা বরদাশত করা হবে না। সংশ্লিষ্ট কর্মকর্তারা জানান, প্রতিটি কেন্দ্রে পর্যাপ্ত সংখ্যক পুলিশ, আনসার ও অন্যান্য বাহিনীর সদস্য মোতায়েন থাকবে। ঝুঁকিপূর্ণ কেন্দ্রগুলোতে বাড়তি নজরদারি রাখা হবে। নির্বাচন কমিশন ও আইনশৃঙ্খলা বাহিনীর সদস্যদের সঙ্গে সমন্বয় করে ভোটকেন্দ্রে সর্বোচ্চ নিরাপত্তা নিশ্চিত করতে হবে। ভোটারদের নিরাপদে কেন্দ্রে আসা যাওয়ার পরিবেশ তৈরি করা হবে এবং কোনো ধরনের বিশৃঙ্খলা বরদাশত করা হবে না। সংশ্লিষ্ট কর্মকর্তারা জানান, প্রতিটি কেন্দ্রে পর্যাপ্ত সংখ্যক পুলিশ, আনসার ও অন্যান্য বাহিনীর সদস্য মোতায়েন থাকবে। ঝুঁকিপূর্ণ কেন্দ্রগুলোতে বাড়তি নজরদারি রাখা হবে। নির্বাচন কমিশন ও আইনশৃঙ্খলা বাহিনীর সদস্যদের সঙ্গে সমন্বয় করে ভোটকেন্দ্রে সর্বোচ্চ নিরাপত্তা নিশ্চিত করতে হবে। ভোটারদের নিরাপদে কেন্দ্রে আসা যাওয়ার পরিবেশ তৈরি করা হবে এবং কোনো ধরনের বিশৃঙ্খলা বরদাশত করা হবে না। সংশ্লিষ্ট কর্মকর্তারা জানান, প্রতিটি কেন্দ্রে পর্যাপ্ত সংখ্যক পুলিশ, আনসার ও অন্যান্য বাহিনীর সদস্য মোতায়েন থাকবে। ঝুঁকিপূর্ণ কেন্দ্রগুলোতে বাড়তি নজরদারি রাখা হবে। নির্বাচন কমিশন ও আইনশৃঙ্খলা বাহিনীর সদস্যদের সঙ্গে সমন্বয় করে ভোটকেন্দ্রে সর্বোচ্চ নিরাপত্তা নিশ্চিত করতে হবে। ভোটারদের নিরাপদে কেন্দ্রে আসা যাওয়ার পরিবেশ তৈরি করা হবে এবং কোনো ধরনের বিশৃঙ্খলা বরদাশত করা হবে না। সংশ্লিষ্ট কর্মকর্তারা জানান, প্রতিটি কেন্দ্রে পর্যাপ্ত সংখ্যক পুলিশ, আনসার ও অন্যান্য বাহিনীর সদস্য মোতায়েন থাকবে। ঝুঁকিপূর্ণ কেন্দ্রগুলোতে বাড়তি নজরদারি রাখা হবে। নির্বাচন কমিশন ও আইনশৃঙ্খলা বাহিনীর সদস্যদের সঙ্গে সমন্বয় করে ভোটকেন্দ্রে সর্বোচ্চ নিরাপত্তা নিশ্চিত করতে হবে। ভোটারদের নিরাপদে কেন্দ্রে আসা যাওয়ার পরিবেশ তৈরি করা হবে এবং কোনো ধরনের বিশৃঙ্খলা বরদাশত করা হবে না। সংশ্লিষ্ট কর্মকর্তারা জানান, প্রতিটি কেন্দ্রে পর্যাপ্ত সংখ্যক পুলিশ, আনসার ও অন্যান্য বাহিনীর সদস্য মোতায়েন থাকবে। ঝুঁকিপূর্ণ কেন্দ্রগুলোতে বাড়তি নজরদারি রাখা হবে।
১২ জানুয়ারি ফ্যাসিবাদকে
(প্রথম পাতার পর)
নির্বাচন কমিশন ও আইনশৃঙ্খলা বাহিনীর সদস্যদের সঙ্গে সমন্বয় করে ভোটকেন্দ্রে সর্বোচ্চ নিরাপত্তা নিশ্চিত করতে হবে। ভোটারদের নিরাপদে কেন্দ্রে আসা যাওয়ার পরিবেশ তৈরি করা হবে এবং কোনো ধরনের বিশৃঙ্খলা বরদাশত করা হবে না। সংশ্লিষ্ট কর্মকর্তারা জানান, প্রতিটি কেন্দ্রে পর্যাপ্ত সংখ্যক পুলিশ, আনসার ও অন্যান্য বাহিনীর সদস্য মোতায়েন থাকবে। ঝুঁকিপূর্ণ কেন্দ্রগুলোতে বাড়তি নজরদারি রাখা হবে। নির্বাচন কমিশন ও আইনশৃঙ্খলা বাহিনীর সদস্যদের সঙ্গে সমন্বয় করে ভোটকেন্দ্রে সর্বোচ্চ নিরাপত্তা নিশ্চিত করতে হবে। ভোটারদের নিরাপদে কেন্দ্রে আসা যাওয়ার পরিবেশ তৈরি করা হবে এবং কোনো ধরনের বিশৃঙ্খলা বরদাশত করা হবে না। সংশ্লিষ্ট কর্মকর্তারা জানান, প্রতিটি কেন্দ্রে পর্যাপ্ত সংখ্যক পুলিশ, আনসার ও অন্যান্য বাহিনীর সদস্য মোতায়েন থাকবে। ঝুঁকিপূর্ণ কেন্দ্রগুলোতে বাড়তি নজরদারি রাখা হবে। নির্বাচন কমিশন ও আইনশৃঙ্খলা বাহিনীর সদস্যদের সঙ্গে সমন্বয় করে ভোটকেন্দ্রে সর্বোচ্চ নিরাপত্তা নিশ্চিত করতে হবে। ভোটারদের নিরাপদে কেন্দ্রে আসা যাওয়ার পরিবেশ তৈরি করা হবে এবং কোনো ধরনের বিশৃঙ্খলা বরদাশত করা হবে না। সংশ্লিষ্ট কর্মকর্তারা জানান, প্রতিটি কেন্দ্রে পর্যাপ্ত সংখ্যক পুলিশ, আনসার ও অন্যান্য বাহিনীর সদস্য মোতায়েন থাকবে। ঝুঁকিপূর্ণ কেন্দ্রগুলোতে বাড়তি নজরদারি রাখা হবে। নির্বাচন কমিশন ও আইনশৃঙ্খলা বাহিনীর সদস্যদের সঙ্গে সমন্বয় করে ভোটকেন্দ্রে সর্বোচ্চ নিরাপত্তা নিশ্চিত করতে হবে। ভোটারদের নিরাপদে কেন্দ্রে আসা যাওয়ার পরিবেশ তৈরি করা হবে এবং কোনো ধরনের বিশৃঙ্খলা বরদাশত করা হবে না। সংশ্লিষ্ট কর্মকর্তারা জানান, প্রতিটি কেন্দ্রে পর্যাপ্ত সংখ্যক পুলিশ, আনসার ও অন্যান্য বাহিনীর সদস্য মোতায়েন থাকবে। ঝুঁকিপূর্ণ কেন্দ্রগুলোতে বাড়তি নজরদারি রাখা হবে। নির্বাচন কমিশন ও আইনশৃঙ্খলা বাহিনীর সদস্যদের সঙ্গে সমন্বয় করে ভোটকেন্দ্রে সর্বোচ্চ নিরাপত্তা নিশ্চিত করতে হবে। ভোটারদের নিরাপদে কেন্দ্রে আসা যাওয়ার পরিবেশ তৈরি করা হবে এবং কোনো ধরনের বিশৃঙ্খলা বরদাশত করা হবে না। সংশ্লিষ্ট কর্মকর্তারা জানান, প্রতিটি কেন্দ্রে পর্যাপ্ত সংখ্যক পুলিশ, আনসার ও অন্যান্য বাহিনীর সদস্য মোতায়েন থাকবে। ঝুঁকিপূর্ণ কেন্দ্রগুলোতে বাড়তি নজরদারি রাখা হবে। নির্বাচন কমিশন ও আইনশৃঙ্খলা বাহিনীর সদস্যদের সঙ্গে সমন্বয় করে ভোটকেন্দ্রে সর্বোচ্চ নিরাপত্তা নিশ্চিত করতে হবে। ভোটারদের নিরাপদে কেন্দ্রে আসা যাওয়ার পরিবেশ তৈরি করা হবে এবং কোনো ধরনের বিশৃঙ্খলা বরদাশত করা হবে না। সংশ্লিষ্ট কর্মকর্তারা জানান, প্রতিটি কেন্দ্রে পর্যাপ্ত সংখ্যক পুলিশ, আনসার ও অন্যান্য বাহিনীর সদস্য মোতায়েন থাকবে। ঝুঁকিপূর্ণ কেন্দ্রগুলোতে বাড়তি নজরদারি রাখা হবে। নির্বাচন কমিশন ও আইনশৃঙ্খলা বাহিনীর সদস্যদের সঙ্গে সমন্বয় করে ভোটকেন্দ্রে সর্বোচ্চ নিরাপত্তা নিশ্চিত করতে হবে। ভোটারদের নিরাপদে কেন্দ্রে আসা যাওয়ার পরিবেশ তৈরি করা হবে এবং কোনো ধরনের বিশৃঙ্খলা বরদাশত করা হবে না। সংশ্লিষ্ট কর্মকর্তারা জানান, প্রতিটি কেন্দ্রে পর্যাপ্ত সংখ্যক পুলিশ, আনসার ও অন্যান্য বাহিনীর সদস্য মোতায়েন থাকবে। ঝুঁকিপূর্ণ কেন্দ্রগুলোতে বাড়তি নজরদারি রাখা হবে। নির্বাচন কমিশন ও আইনশৃঙ্খলা বাহিনীর সদস্যদের সঙ্গে সমন্বয় করে ভোটকেন্দ্রে সর্বোচ্চ নিরাপত্তা নিশ্চিত করতে হবে। ভোটারদের নিরাপদে কেন্দ্রে আসা যাওয়ার পরিবেশ তৈরি করা হবে এবং কোনো ধরনের বিশৃঙ্খলা বরদাশত করা হবে না। সংশ্লিষ্ট কর্মকর্তারা জানান, প্রতিটি কেন্দ্রে পর্যাপ্ত সংখ্যক পুলিশ, আনসার ও অন্যান্য বাহিনীর সদস্য মোতায়েন থাকবে। ঝুঁকিপূর্ণ কেন্দ্রগুলোতে বাড়তি নজরদারি রাখা হবে। নির্বাচন কমিশন ও আইনশৃঙ্খলা বাহিনীর সদস্যদের সঙ্গে সমন্বয় করে ভোটকেন্দ্রে সর্বোচ্চ নিরাপত্তা নিশ্চিত করতে হবে। ভোটারদের নিরাপদে কেন্দ্রে আসা যাওয়ার পরিবেশ তৈরি করা হবে এবং কোনো ধরনের বিশৃঙ্খলা বরদাশত করা হবে না। সংশ্লিষ্ট কর্মকর্তারা জানান, প্রতিটি কেন্দ্রে পর্যাপ্ত সংখ্যক পুলিশ, আনসার ও অন্যান্য বাহিনীর সদস্য মোতায়েন থাকবে। ঝুঁকিপূর্ণ কেন্দ্রগুলোতে বাড়তি নজরদারি রাখা হবে। নির্বাচন কমিশন ও আইনশৃঙ্খলা বাহিনীর সদস্যদের সঙ্গে সমন্বয় করে ভোটকেন্দ্রে সর্বোচ্চ নিরাপত্তা নিশ্চিত করতে হবে। ভোটারদের নিরাপদে কেন্দ্রে আসা যাওয়ার পরিবেশ তৈরি করা হবে এবং কোনো ধরনের বিশৃঙ্খলা বরদাশত করা হবে না। সংশ্লিষ্ট কর্মকর্তারা জানান, প্রতিটি কেন্দ্রে পর্যাপ্ত সংখ্যক পুলিশ, আনসার ও অন্যান্য বাহিনীর সদস্য মোতায়েন থাকবে। ঝুঁকিপূর্ণ কেন্দ্রগুলোতে বাড়তি নজরদারি রাখা হবে। নির্বাচন কমিশন ও আইনশৃঙ্খলা বাহিনীর সদস্যদের সঙ্গে সমন্বয় করে ভোটকেন্দ্রে সর্বোচ্চ নিরাপত্তা নিশ্চিত করতে হবে। ভোটারদের নিরাপদে কেন্দ্রে আসা যাওয়ার পরিবেশ তৈরি করা হবে এবং কোনো ধরনের বিশৃঙ্খলা বরদাশত করা হবে না। সংশ্লিষ্ট কর্মকর্তারা জানান, প্রতিটি কেন্দ্রে পর্যাপ্ত সংখ্যক পুলিশ, আনসার ও অন্যান্য বাহিনীর সদস্য মোতায়েন থাকবে। ঝুঁকিপূর্ণ কেন্দ্রগুলোতে বাড়তি নজরদারি রাখা হবে। নির্বাচন কমিশন ও আইনশৃঙ্খলা বাহিনীর সদস্যদের সঙ্গে সমন্বয় করে ভোটকেন্দ্রে সর্বোচ্চ নিরাপত্তা নিশ্চিত করতে হবে। ভোটারদের নিরাপদে কেন্দ্রে আসা যাওয়ার পরিবেশ তৈরি করা হবে এবং কোনো ধরনের বিশৃঙ্খলা বরদাশত করা হবে না। সংশ্লিষ্ট কর্মকর্তারা জানান, প্রতিটি কেন্দ্রে পর্যাপ্ত সংখ্যক পুলিশ, আনসার ও অন্যান্য বাহিনীর সদস্য মোতায়েন থাকবে। ঝুঁকিপূর্ণ কেন্দ্রগুলোতে বাড়তি নজরদারি রাখা হবে। নির্বাচন কমিশন ও আইনশৃঙ্খলা বাহিনীর সদস্যদের সঙ্গে সমন্বয় করে ভোটকেন্দ্রে সর্বোচ্চ নিরাপত্তা নিশ্চিত করতে হবে। ভোটারদের নিরাপদে কেন্দ্রে আসা যাওয়ার পরিবেশ তৈরি করা হবে এবং কোনো ধরনের বিশৃঙ্খলা বরদাশত করা হবে না। সংশ্লিষ্ট কর্মকর্তারা জানান, প্রতিটি কেন্দ্রে পর্যাপ্ত সংখ্যক পুলিশ, আনসার ও অন্যান্য বাহিনীর সদস্য মোতায়েন থাকবে। ঝুঁকিপূর্ণ কেন্দ্রগুলোতে বাড়তি নজরদারি রাখা হবে। নির্বাচন কমিশন ও আইনশৃঙ্খলা বাহিনীর সদস্যদের সঙ্গে সমন্বয় করে ভোটকেন্দ্রে সর্বোচ্চ নিরাপত্তা নিশ্চিত করতে হবে। ভোটারদের নিরাপদে কেন্দ্রে আসা যাওয়ার পরিবেশ তৈরি করা হবে এবং কোনো ধরনের বিশৃঙ্খলা বরদাশত করা হবে না। সংশ্লিষ্ট কর্মকর্তারা জানান, প্রতিটি কেন্দ্রে পর্যাপ্ত সংখ্যক পুলিশ, আনসার ও অন্যান্য বাহিনীর সদস্য মোতায়েন থাকবে। ঝুঁকিপূর্ণ কেন্দ্রগুলোতে বাড়তি নজরদারি রাখা হবে। নির্বাচন কমিশন ও আইনশৃঙ্খলা বাহিনীর সদস্যদের সঙ্গে সমন্বয় করে ভোটকেন্দ্রে সর্বোচ্চ নিরাপত্তা নিশ্চিত করতে হবে। ভোটারদের নিরাপদে কেন্দ্রে আসা যাওয়ার পরিবেশ তৈরি করা হবে এবং কোনো ধরনের বিশৃঙ্খলা বরদাশত করা হবে না। সংশ্লিষ্ট কর্মকর্তারা জানান, প্রতিটি কেন্দ্রে পর্যাপ্ত সংখ্যক পুলিশ, আনসার ও অন্যান্য বাহিনীর সদস্য মোতায়েন থাকবে। ঝুঁকিপূর্ণ কেন্দ্রগুলোতে বাড়তি নজরদারি রাখা হবে। নির্বাচন কমিশন ও আইনশৃঙ্খলা বাহিনীর সদস্যদের সঙ্গে সমন্বয় করে ভোটকেন্দ্রে সর্বোচ্চ নিরাপত্তা নিশ্চিত করতে হবে। ভোটারদের নিরাপদে কেন্দ্রে আসা যাওয়ার পরিবেশ তৈরি করা হবে এবং কোনো ধরনের বিশৃঙ্খলা বরদাশত করা হবে না। সংশ্লিষ্ট কর্মকর্তারা জানান, প্রতিটি কেন্দ্রে পর্যাপ্ত সংখ্যক পুলিশ, আনসার ও অন্যান্য বাহিনীর সদস্য মোতায়েন থাকবে। ঝুঁকিপূর্ণ কেন্দ্রগুলোতে বাড়তি নজরদারি রাখা হবে। নির্বাচন কমিশন ও আইনশৃঙ্খলা বাহিনীর সদস্যদের সঙ্গে সমন্বয় করে ভোটকেন্দ্রে সর্বোচ্চ নিরাপত্তা নিশ্চিত করতে হবে। ভোটারদের নিরাপদে কেন্দ্রে আসা যাওয়ার পরিবেশ তৈরি করা হবে এবং কোনো ধরনের বিশৃঙ্খলা বরদাশত করা হবে না। সংশ্লিষ্ট কর্মকর্তারা জানান, প্রতিটি কেন্দ্রে পর্যাপ্ত সংখ্যক পুলিশ, আনসার ও অন্যান্য বাহিনীর সদস্য মোতায়েন থাকবে। ঝুঁকিপূর্ণ কেন্দ্রগুলোতে বাড়তি নজরদারি রাখা হবে। নির্বাচন কমিশন ও আইনশৃঙ্খলা বাহিনীর সদস্যদের সঙ্গে সমন্বয় করে ভোটকেন্দ্রে সর্বোচ্চ নিরাপত্তা নিশ্চিত করতে হবে। ভোটারদের নিরাপদে কেন্দ্রে আসা যাওয়ার পরিবেশ তৈরি করা হবে এবং কোনো ধরনের বিশৃঙ্খলা বরদাশত করা হবে না। সংশ্লিষ্ট কর্মকর্তারা জানান, প্রতিটি কেন্দ্রে পর্যাপ্ত সংখ্যক পুলিশ, আনসার ও অন্যান্য বাহিনীর সদস্য মোতায়েন থাকবে। ঝুঁকিপূর্ণ কেন্দ্রগুলোতে বাড়তি নজরদারি রাখা হবে। নির্বাচন কমিশন ও আইনশৃঙ্খলা বাহিনীর সদস্যদের সঙ্গে সমন্বয় করে ভোটকেন্দ্রে সর্বোচ্চ নিরাপত্তা নিশ্চিত করতে হবে। ভোটারদের নিরাপদে কেন্দ্রে আসা যাওয়ার পরিবেশ তৈরি করা হবে এবং কোনো ধরনের বিশৃঙ্খলা বরদাশত করা হবে না। সংশ্লিষ্ট কর্মকর্তারা জানান, প্রতিটি কেন্দ্রে পর্যাপ্ত সংখ্যক পুলিশ, আনসার ও অন্যান্য বাহিনীর সদস্য মোতায়েন থাকবে। ঝুঁকিপূর্ণ কেন্দ্রগুলোতে বাড়তি নজরদারি রাখা হবে। নির্বাচন কমিশন ও আইনশৃঙ্খলা বাহিনীর সদস্যদের সঙ্গে সমন্বয় করে ভোটকেন্দ্রে সর্বোচ্চ নিরাপত্তা নিশ্চিত করতে হবে। ভোটারদের নিরাপদে কেন্দ্রে আসা যাওয়ার পরিবেশ তৈরি করা হবে এবং কোনো ধরনের বিশৃঙ্খলা বরদাশত করা হবে না। সংশ্লিষ্ট কর্মকর্তারা জানান, প্রতিটি কেন্দ্রে পর্যাপ্ত সংখ্যক পুলিশ, আনসার ও অন্যান্য বাহিনীর সদস্য মোতায়েন থাকবে। ঝুঁকিপূর্ণ কেন্দ্রগুলোতে বাড়তি নজরদারি রাখা হবে। নির্বাচন কমিশন ও আইনশৃঙ্খলা বাহিনীর সদস্যদের সঙ্গে সমন্বয় করে ভোটকেন্দ্রে সর্বোচ্চ নিরাপত্তা নিশ্চিত করতে হবে। ভোটারদের নিরাপদে কেন্দ্রে আসা যাওয়ার পরিবেশ তৈরি করা হবে এবং কোনো ধরনের বিশৃঙ্খলা বরদাশত করা হবে না। সংশ্লিষ্ট কর্মকর্তারা জানান, প্রতিটি কেন্দ্রে পর্যাপ্ত সংখ্যক পুলিশ, আনসার ও অন্যান্য বাহিনীর সদস্য মোতায়েন থাকবে। ঝুঁকিপূর্ণ কেন্দ্রগুলোতে বাড়তি নজরদারি রাখা হবে। নির্বাচন কমিশন ও আইনশৃঙ্খলা বাহিনীর সদস্যদের সঙ্গে সমন্বয় করে ভোটকেন্দ্রে সর্বোচ্চ নিরাপত্তা নিশ্চিত করতে হবে। ভোটারদের নিরাপদে কেন্দ্রে আসা যাওয়ার পরিবেশ তৈরি করা হবে এবং কোনো ধরনের বিশৃঙ্খলা বরদাশত করা হবে না। সংশ্লিষ্ট কর্মকর্তারা জানান, প্রতিটি কেন্দ্রে পর্যাপ্ত সংখ্যক পুলিশ, আনসার ও অন্যান্য বাহিনীর সদস্য মোতায়েন থাকবে। ঝুঁকিপূর্ণ কেন্দ্রগুলোতে বাড়তি নজরদারি রাখা হবে। নির্বাচন কমিশন ও আইনশৃঙ্খলা বাহিনীর সদস্যদের সঙ্গে সমন্বয় করে ভোটকেন্দ্রে সর্বোচ্চ নিরাপত্তা নিশ্চিত করতে হবে। ভোটারদের নিরাপদে কেন্দ্রে আসা যাওয়ার পরিবেশ তৈরি করা হবে এবং কোনো ধরনের বিশৃঙ্খলা বরদাশত করা হবে না। সংশ্লিষ্ট কর্মকর্তারা জানান, প্রতিটি কেন্দ্রে পর্যাপ্ত সংখ্যক পুলিশ, আনসার ও অন্যান্য বাহিনীর সদস্য মোতায়েন থাকবে। ঝুঁকিপূর্ণ কেন্দ্রগুলোতে বাড়তি নজরদারি রাখা হবে। নির্বাচন কমিশন ও আইনশৃঙ্খলা বাহিনীর সদস্যদের সঙ্গে সমন্বয় করে ভোটকেন্দ্রে সর্বোচ্চ নিরাপত্তা নিশ্চিত করতে হবে। ভোটারদের নিরাপদে কেন্দ্রে আসা যাওয়ার পরিবেশ তৈরি করা হবে এবং কোনো ধরনের বিশৃঙ্খলা বরদাশত করা হবে না। সংশ্লিষ্ট কর্মকর্তারা জানান, প্রতিটি কেন্দ্রে পর্যাপ্ত সংখ্যক পুলিশ, আনসার ও অন্যান্য বাহিনীর সদস্য মোতায়েন থাকবে। ঝুঁকিপূর্ণ কেন্দ্রগুলোতে বাড়তি নজরদারি রাখা হবে। নির্বাচন কমিশন ও আইনশৃঙ্খলা বাহিনীর সদস্যদের সঙ্গে সমন্বয় করে ভোটকেন্দ্রে সর্বোচ্চ নিরাপত্তা নিশ্চিত করতে হবে। ভোটারদের নিরাপদে কেন্দ্রে আসা যাওয়ার পরিবেশ তৈরি করা হবে এবং কোনো ধরনের বিশৃঙ্খলা বরদাশত করা হবে না। সংশ্লিষ্ট কর্মকর্তারা জানান, প্রতিটি কেন্দ্রে পর্যাপ্ত সংখ্যক পুলিশ, আনসার ও অন্যান্য বাহিনীর সদস্য মোতায়েন থাকবে। ঝুঁকিপূর্ণ কেন্দ্রগুলোতে বাড়তি নজরদারি রাখা হবে। নির্বাচন কমিশন ও আইনশৃঙ্খলা বাহিনীর সদস্যদের সঙ্গে সমন্বয় করে ভোটকেন্দ্রে সর্বোচ্চ নিরাপত্তা নিশ্চিত করতে হবে। ভোটারদের নিরাপদে কেন্দ্রে আসা যাওয়ার পরিবেশ তৈরি করা হবে এবং কোনো ধরনের বিশৃঙ্খলা বরদাশত করা হবে না। সংশ্লিষ্ট কর্মকর্তারা জানান, প্রতিটি কেন্দ্রে পর্যাপ্ত সংখ্যক পুলিশ, আনসার ও অন্যান্য বাহিনীর সদস্য মোতায়েন থাকবে। ঝুঁকিপূর্ণ কেন্দ্রগুলোতে বাড়তি নজরদারি রাখা হবে। নির্বাচন কমিশন ও আইনশৃঙ্খলা বাহিনীর সদস্যদের সঙ্গে সমন্বয় করে ভোটকেন্দ্রে সর্বোচ্চ নিরাপত্তা নিশ্চিত করতে হবে। ভোটারদের নিরাপদে কেন্দ্রে আসা যাওয়ার পরিবেশ তৈরি করা হবে এবং কোনো ধরনের বিশৃঙ্খলা বরদাশত করা হবে না। সংশ্লিষ্ট কর্মকর্তারা জানান, প্রতিটি কেন্দ্রে পর্যাপ্ত সংখ্যক পুলিশ, আনসার ও অন্যান্য বাহিনীর সদস্য মোতায়েন থাকবে। ঝুঁকিপূর্ণ কেন্দ্রগুলোতে বাড়তি নজরদারি রাখা হবে। নির্বাচন কমিশন ও আইনশৃঙ্খলা বাহিনীর সদস্যদের সঙ্গে সমন্বয় করে ভোটকেন্দ্রে সর্বোচ্চ নিরাপত্তা নিশ্চিত করতে হবে। ভোটারদের নিরাপদে কেন্দ্রে আসা যাওয়ার পরিবেশ তৈরি করা হবে এবং কোনো ধরনের বিশৃঙ্খলা বরদাশত করা হবে না। সংশ্লিষ্ট কর্মকর্তারা জানান, প্রতিটি কেন্দ্রে পর্যাপ্ত সংখ্যক পুলিশ, আনসার ও অন্যান্য বাহিনীর সদস্য মোতায়েন থাকবে। ঝুঁকিপূর্ণ কেন্দ্রগুলোতে বাড়তি নজরদারি রাখা হবে। নির্বাচন কমিশন ও আইনশৃঙ্খলা বাহিনীর সদস্যদের সঙ্গে সমন্বয় করে ভোটকেন্দ্রে সর্বোচ্চ নিরাপত্তা নিশ্চিত করতে হবে। ভোটারদের নিরাপদে কেন্দ্রে আসা যাওয়ার পরিবেশ তৈরি করা হবে এবং কোনো ধরনের বিশৃঙ্খলা বরদাশত করা হবে না। সংশ্লিষ্ট কর্মকর্তারা জানান, প্রতিটি কেন্দ্রে পর্যাপ্ত সংখ্যক পুলিশ, আনসার ও অন্যান্য বাহিনীর সদস্য মোতায়েন থাকবে। ঝুঁকিপূর্ণ কেন্দ্রগুলোতে বাড়তি নজরদারি রাখা হবে। নির্বাচন কমিশন ও আইনশৃঙ্খলা বাহিনীর সদস্যদের সঙ্গে সমন্বয় করে ভোটকেন্দ্রে সর্বোচ্চ নিরাপত্তা নিশ্চিত করতে হবে। ভোটারদের নিরাপদে কেন্দ্রে আসা যাওয়ার পরিবেশ তৈরি করা হবে এবং কোনো ধরনের বিশৃঙ্খলা বরদাশত করা হবে না। সংশ্লিষ্ট কর্মকর্তারা জানান, প্রতিটি কেন্দ্রে পর্যাপ্ত সংখ্যক পুলিশ, আনসার ও অন্যান্য বাহিনীর সদস্য মোতায়েন থাকবে। ঝুঁকিপূর্ণ কেন্দ্রগুলোতে বাড়তি নজরদারি রাখা হবে।
নির্বাচন কমিশন ও আইনশৃঙ্খলা বাহিনীর সদস্যদের সঙ্গে সমন্বয় করে ভোটকেন্দ্রে সর্বোচ্চ নিরাপত্তা নিশ্চিত করতে হবে। ভোটারদের নিরাপদে কেন্দ্রে আসা যাওয়ার পরিবেশ তৈরি করা হবে এবং কোনো ধরনের বিশৃঙ্খলা বরদাশত করা হবে না। সংশ্লিষ্ট কর্মকর্তারা জানান, প্রতিটি কেন্দ্রে পর্যাপ্ত সংখ্যক পুলিশ, আনসার ও অন্যান্য বাহিনীর সদস্য মোতায়েন থাকবে। ঝুঁকিপূর্ণ কেন্দ্রগুলোতে বাড়তি নজরদারি রাখা হবে। নির্বাচন কমিশন ও আইনশৃঙ্খলা বাহিনীর সদস্যদের সঙ্গে সমন্বয় করে ভোটকেন্দ্রে সর্বোচ্চ নিরাপত্তা নিশ্চিত করতে হবে। ভোটারদের নিরাপদে কেন্দ্রে আসা যাওয়ার পরিবেশ তৈরি করা হবে এবং কোনো ধরনের বিশৃঙ্খলা বরদাশত করা হবে না। সংশ্লিষ্ট কর্মকর্তারা জানান, প্রতিটি কেন্দ্রে পর্যাপ্ত সংখ্যক পুলিশ, আনসার ও অন্যান্য বাহিনীর সদস্য মোতায়েন থাকবে। ঝুঁকিপূর্ণ কেন্দ্রগুলোতে বাড়তি নজরদারি রাখা হবে। নির্বাচন কমিশন ও আইনশৃঙ্খলা বাহিনীর সদস্যদের সঙ্গে সমন্বয় করে ভোটকেন্দ্রে সর্বোচ্চ নিরাপত্তা নিশ্চিত করতে হবে। ভোটারদের নিরাপদে কেন্দ্রে আসা যাওয়ার পরিবেশ তৈরি করা হবে এবং কোনো ধরনের বিশৃঙ্খলা বরদাশত করা হবে না। সংশ্লিষ্ট কর্মকর্তারা জানান, প্রতিটি কেন্দ্রে পর্যাপ্ত সংখ্যক পুলিশ, আনসার ও অন্যান্য বাহিনীর সদস্য মোতায়েন থাকবে। ঝুঁকিপূর্ণ কেন্দ্রগুলোতে বাড়তি নজরদারি রাখা হবে। নির্বাচন কমিশন ও আইনশৃঙ্খলা বাহিনীর সদস্যদের সঙ্গে সমন্বয় করে ভোটকেন্দ্রে সর্বোচ্চ নিরাপত্তা নিশ্চিত করতে হবে। ভোটারদের নিরাপদে কেন্দ্রে আসা যাওয়ার পরিবেশ তৈরি করা হবে এবং কোনো ধরনের বিশৃঙ্খলা বরদাশত করা হবে না। সংশ্লিষ্ট কর্মকর্তারা জানান, প্রতিটি কেন্দ্রে পর্যাপ্ত সংখ্যক পুলিশ, আনসার ও অন্যান্য বাহিনীর সদস্য মোতায়েন থাকবে। ঝুঁকিপূর্ণ কেন্দ্রগুলোতে বাড়তি নজরদারি রাখা হবে। নির্বাচন কমিশন ও আইনশৃঙ্খলা বাহিনীর সদস্যদের সঙ্গে সমন্বয় করে ভোটকেন্দ্রে সর্বোচ্চ নিরাপত্তা নিশ্চিত করতে হবে। ভোটারদের নিরাপদে কেন্দ্রে আসা যাওয়ার পরিবেশ তৈরি করা হবে এবং কোনো ধরনের বিশৃঙ্খলা বরদাশত করা হবে না। সংশ্লিষ্ট কর্মকর্তারা জানান, প্রতিটি কেন্দ্রে পর্যাপ্ত সংখ্যক পুলিশ, আনসার ও অন্যান্য বাহিনীর সদস্য মোতায়েন থাকবে। ঝুঁকিপূর্ণ কেন্দ্রগুলোতে বাড়তি নজরদারি রাখা হবে। নির্বাচন কমিশন ও আইনশৃঙ্খলা বাহিনীর সদস্যদের সঙ্গে সমন্বয় করে ভোটকেন্দ্রে সর্বোচ্চ নিরাপত্তা নিশ্চিত করতে হবে। ভোটারদের নিরাপদে কেন্দ্রে আসা যাওয়ার পরিবেশ তৈরি করা হবে এবং কোনো ধরনের বিশৃঙ্খলা বরদাশত করা হবে না। সংশ্লিষ্ট কর্মকর্তারা জানান, প্রতিটি কেন্দ্রে পর্যাপ্ত সংখ্যক পুলিশ, আনসার ও অন্যান্য বাহিনীর সদস্য মোতায়েন থাকবে। ঝুঁকিপূর্ণ কেন্দ্রগুলোতে বাড়তি নজরদারি রাখা হবে। নির্বাচন কমিশন ও আইনশৃঙ্খলা বাহিনীর সদস্যদের সঙ্গে সমন্বয় করে ভোটকেন্দ্রে সর্বোচ্চ নিরাপত্তা নিশ্চিত করতে হবে। ভোটারদের নিরাপদে কেন্দ্রে আসা যাওয়ার পরিবেশ তৈরি করা হবে এবং কোনো ধরনের বিশৃঙ্খলা বরদাশত করা হবে না। সংশ্লিষ্ট কর্মকর্তারা জানান, প্রতিটি কেন্দ্রে পর্যাপ্ত সংখ্যক পুলিশ, আনসার ও অন্যান্য বাহিনীর সদস্য মোতায়েন থাকবে। ঝুঁকিপূর্ণ কেন্দ্রগুলোতে বাড়তি নজরদারি রাখা হবে। নির্বাচন কমিশন ও আইনশৃঙ্খলা বাহিনীর সদস্যদের সঙ্গে সমন্বয় করে ভোটকেন্দ্রে সর্বোচ্চ নিরাপত্তা নিশ্চিত করতে হবে। ভোটারদের নিরাপদে কেন্দ্রে আসা যাওয়ার পরিবেশ তৈরি করা হবে এবং কোনো ধরনের বিশৃঙ্খলা বরদাশত করা হবে না। সংশ্লিষ্ট কর্মকর্তারা জানান, প্রতিটি কেন্দ্রে পর্যাপ্ত সংখ্যক পুলিশ, আনসার ও অন্যান্য বাহিনীর সদস্য মোতায়েন থাকবে। ঝুঁকিপূর্ণ কেন্দ্রগুলোতে বাড়তি নজরদারি রাখা হবে। নির্বাচন কমিশন ও আইনশৃঙ্খলা বাহিনীর সদস্যদের সঙ্গে সমন্বয় করে ভোটকেন্দ্রে সর্বোচ্চ নিরাপত্তা নিশ্চিত করতে হবে। ভোটারদের নিরাপদে কেন্দ্রে আসা যাওয়ার পরিবেশ তৈরি করা হবে এবং কোনো ধরনের বিশৃঙ্খলা বরদাশত করা হবে না। সংশ্লিষ্ট কর্মকর্তারা জানান, প্রতিটি কেন্দ্রে পর্যাপ্ত সংখ্যক পুলিশ, আনসার ও অন্যান্য বাহিনীর সদস্য মোতায়েন থাকবে। ঝুঁকিপূর্ণ কেন্দ্রগুলোতে বাড়তি নজরদারি রাখা হবে। নির্বাচন কমিশন ও আইনশৃঙ্খলা বাহিনীর সদস্যদের সঙ্গে সমন্বয় করে ভোটকেন্দ্রে সর্বোচ্চ নিরাপত্তা নিশ্চিত করতে হবে। ভোটারদের নিরাপদে কেন্দ্রে আসা যাওয়ার পরিবেশ তৈরি করা হবে এবং কোনো ধরনের বিশৃঙ্খলা বরদাশত করা হবে না। সংশ্লিষ্ট কর্মকর্তারা জানান, প্রতিটি কেন্দ্রে পর্যাপ্ত সংখ্যক পুলিশ, আনসার ও অন্যান্য বাহিনীর সদস্য মোতায়েন থাকবে। ঝুঁকিপূর্ণ কেন্দ্রগুলোতে বাড়তি নজরদারি রাখা হবে। নির্বাচন কমিশন ও আইনশৃঙ্খলা বাহিনীর সদস্যদের সঙ্গে সমন্বয় করে ভোটকেন্দ্রে সর্বোচ্চ নিরাপত্তা নিশ্চিত করতে হবে। ভোটারদের নিরাপদে কেন্দ্রে আসা যাওয়ার পরিবেশ তৈরি করা হবে এবং কোনো ধরনের বিশৃঙ্খলা বরদাশত করা হবে না। সংশ্লিষ্ট কর্মকর্তারা জানান, প্রতিটি কেন্দ্রে পর্যাপ্ত সংখ্যক পুলিশ, আনসার ও অন্যান্য বাহিনীর সদস্য মোতায়েন থাকবে। ঝুঁকিপূর্ণ কেন্দ্রগুলোতে বাড়তি নজরদারি রাখা হবে। নির্বাচন কমিশন ও আইনশৃঙ্খলা বাহিনীর সদস্যদের সঙ্গে সমন্বয় করে ভোটকেন্দ্রে সর্বোচ্চ নিরাপত্তা নিশ্চিত করতে হবে। ভোটারদের নিরাপদে কেন্দ্রে আসা যাওয়ার পরিবেশ তৈরি করা হবে এবং কোনো ধরনের বিশৃঙ্খলা বরদাশত করা হবে না। সংশ্লিষ্ট কর্মকর্তারা জানান, প্রতিটি কেন্দ্রে পর্যাপ্ত সংখ্যক পুলিশ, আনসার ও অন্যান্য বাহিনীর সদস্য মোতায়েন থাকবে। ঝুঁকিপূর্ণ কেন্দ্রগুলোতে বাড়তি নজরদারি রাখা হবে।
গণভোটের জয় পেয়ে
(প্রথম পাতার পর)
নির্বাচন কমিশন ও আইনশৃঙ্খলা বাহিনীর সদস্যদের সঙ্গে সমন্বয় করে ভোটকেন্দ্রে সর্বোচ্চ নিরাপত্তা নিশ্চিত করতে হবে। ভোটারদের নিরাপদে কেন্দ্রে আসা যাওয়ার পরিবেশ তৈরি করা হবে এবং কোনো ধরনের বিশৃঙ্খলা বরদাশত করা হবে না। সংশ্লিষ্ট কর্মকর্তারা জানান, প্রতিটি কেন্দ্রে পর্যাপ্ত সংখ্যক পুলিশ, আনসার ও অন্যান্য বাহিনীর সদস্য মোতায়েন থাকবে। ঝুঁকিপূর্ণ কেন্দ্রগুলোতে বাড়তি নজরদারি রাখা হবে। নির্বাচন কমিশন ও আইনশৃঙ্খলা বাহিনীর সদস্যদের সঙ্গে সমন্বয় করে ভোটকেন্দ্রে সর্বোচ্চ নিরাপত্তা নিশ্চিত করতে হবে। ভোটারদের নিরাপদে কেন্দ্রে আসা যাওয়ার পরিবেশ তৈরি করা হবে এবং কোনো ধরনের বিশৃঙ্খলা বরদাশত করা হবে না। সংশ্লিষ্ট কর্মকর্তারা জানান, প্রতিটি কেন্দ্রে পর্যাপ্ত সংখ্যক পুলিশ, আনসার ও অন্যান্য বাহিনীর সদস্য মোতায়েন থাকবে। ঝুঁকিপূর্ণ কেন্দ্রগুলোতে বাড়তি নজরদারি রাখা হবে। নির্বাচন কমিশন ও আইনশৃঙ্খলা বাহিনীর সদস্যদের সঙ্গে সমন্বয় করে ভোটকেন্দ্রে সর্বোচ্চ নিরাপত্তা নিশ্চিত করতে হবে। ভোটারদের নিরাপদে কেন্দ্রে আসা যাওয়ার পরিবেশ তৈরি করা হবে এবং কোনো ধরনের বিশৃঙ্খলা বরদাশত করা হবে না। সংশ্লিষ্ট কর্মকর্তারা জানান, প্রতিটি কেন্দ্রে পর্যাপ্ত সংখ্যক পুলিশ, আনসার ও অন্যান্য বাহিনীর সদস্য মোতায়েন থাকবে। ঝুঁকিপূর্ণ কেন্দ্রগুলোতে বাড়তি নজরদারি রাখা হবে।
ফের সুযোগ দিলো
(প্রথম পাতার পর)
নির্বাচন কমিশন ও আইনশৃঙ্খলা বাহিনীর সদস্যদের সঙ্গে সমন্বয় করে ভোটকেন্দ্রে সর্বোচ্চ নিরাপত্তা নিশ্চিত করতে হবে। ভোটারদের নিরাপদে কেন্দ্রে আসা যাওয়ার পরিবেশ তৈরি করা হবে এবং কোনো ধরনের বিশৃঙ্খলা বরদাশত করা হবে না। সংশ্লিষ্ট কর্মকর্তারা জানান, প্রতিটি কেন্দ্রে পর্যাপ্ত সংখ্যক পুলিশ, আনসার ও অন্যান্য বাহিনীর সদস্য মোতায়েন থাকবে। ঝুঁকিপূর্ণ কেন্দ্রগুলোতে বাড়তি নজরদারি রাখা হবে। নির্বাচন কমিশন ও আইনশৃঙ্খলা বাহিনীর সদস্যদের সঙ্গে সমন্বয় করে ভোটকেন্দ্রে সর্বোচ্চ নিরাপত্তা নিশ্চিত করতে হবে। ভোটারদের নিরাপদে কেন্দ্রে আসা যাওয়ার পরিবেশ তৈরি করা হবে এবং কোনো ধরনের বিশৃঙ্খলা বরদাশত করা হবে না। সংশ্লিষ্ট কর্মকর্তারা জানান, প্রতিটি কেন্দ্রে পর্যাপ্ত সংখ্যক পুলিশ, আনসার ও অন্যান্য বাহিনীর সদস্য মোতায়েন থাকবে। ঝুঁকিপূর্ণ কেন্দ্রগুলোতে বাড়তি নজরদারি রাখা হবে। নির্বাচন কমিশন ও আইনশৃঙ্খলা বাহিনীর সদস্যদের সঙ্গে সমন্বয় করে ভোটকেন্দ্রে সর্বোচ্চ নিরাপত্তা নিশ্চিত করতে হবে। ভোটারদের নিরাপদে কেন্দ্রে আসা যাওয়ার পরিবেশ তৈরি করা হবে এবং কোনো ধরনের বিশৃঙ্খলা বরদাশত করা হবে না। সংশ্লিষ্ট কর্মকর্তারা জানান, প্রতিটি কেন্দ্রে পর্যাপ্ত সংখ্যক পুলিশ, আনসার ও অন্যান্য বাহিনীর সদস্য মোতায়েন থাকবে। ঝুঁকিপূর্ণ কেন্দ্রগুলোতে বাড়তি নজরদারি রাখা হবে। নির্বাচন কমিশন ও আইনশৃঙ্খলা বাহিনীর সদস্যদের সঙ্গে সমন্বয় করে ভোটকেন্দ্রে সর্বোচ্চ নিরাপত্তা নিশ্চিত করতে হবে। ভোটারদের নিরাপদে কেন্দ্রে আসা যাওয়ার পরিবেশ তৈরি করা হবে এবং কোনো ধরনের বিশৃঙ্খলা বরদাশত করা হবে না। সংশ্লিষ্ট কর্মকর্তারা জানান, প্রতিটি কেন্দ্রে পর্যাপ্ত সংখ্যক পুলিশ, আনসার ও অন্যান্য বাহিনীর সদস্য মোতায়েন থাকবে। ঝুঁকিপূর্ণ কেন্দ্রগুলোতে বাড়তি নজরদারি রাখা হবে। নির্বাচন কমিশন ও আইনশৃঙ্খলা বাহিনীর সদস্যদের সঙ্গে সমন্বয় করে ভোটকেন্দ্রে সর্বোচ্চ নিরাপত্তা নিশ্চিত করতে হবে। ভোটারদের নিরাপদে কেন্দ্রে আসা যাওয়ার পরিবেশ তৈরি করা হবে এবং কোনো ধরনের বিশৃঙ্খলা বরদাশত করা হবে না। সংশ্লিষ্ট কর্মকর্তারা জানান, প্রতিটি কেন্দ্রে পর্যাপ্ত সংখ্যক পুলিশ, আনসার ও অন্যান্য বাহিনীর সদস্য মোতায়েন থাকবে। ঝুঁকিপূর্ণ কেন্দ্রগুলোতে বাড়তি নজরদারি রাখা হবে। নির্বাচন কমিশন ও আইনশৃঙ্খলা বাহিনীর সদস্যদের সঙ্গে সমন্বয় করে ভোটকেন্দ্রে সর্বোচ্চ নিরাপত্তা নিশ্চিত করতে হবে। ভোটারদের নিরাপদে কেন্দ্রে আসা যাওয়ার পরিবেশ তৈরি করা হবে এবং কোনো ধরনের বিশৃঙ্খলা বরদাশত করা হবে না। সংশ্লিষ্ট কর্মকর্তারা জানান, প্রতিটি কেন্দ্রে পর্যাপ্ত সংখ্যক পুলিশ, আনসার ও অন্যান্য বাহিনীর সদস্য মোতায়েন থাকবে। ঝুঁকিপূর্ণ কেন্দ্রগুলোতে বাড়তি নজরদারি রাখা হবে।
নির্বাচনি সহিংসতা আনতে
(প্রথম পাতার পর)
নির্বাচন কমিশন ও আইনশৃঙ্খলা বাহিনীর সদস্যদের সঙ্গে সমন্বয় করে ভোটকেন্দ্রে সর্বোচ্চ নিরাপত্তা নিশ্চিত করতে হবে। ভোটারদের নিরাপদে কেন্দ্রে আসা যাওয়ার পরিবেশ তৈরি করা হবে এবং কোনো ধরনের বিশৃঙ্খলা বরদাশত করা হবে না। সংশ্লিষ্ট কর্মকর্তারা জানান, প্রতিটি কেন্দ্রে পর্যাপ্ত সংখ্যক পুলিশ, আনসার ও অন্যান্য বাহিনীর সদস্য মোতায়েন থাকবে। ঝুঁকিপূর্ণ কেন্দ্রগুলোতে বাড়তি নজরদারি রাখা হবে। নির্বাচন কমিশন ও আইনশৃঙ্খলা বাহিনীর সদস্যদের সঙ্গে সমন্বয় করে ভোটকেন্দ্রে সর্বোচ্চ নিরাপত্তা নিশ্চিত করতে হবে। ভোটারদের নিরাপদে কেন্দ্রে আসা যাওয়ার পরিবেশ তৈরি করা হবে এবং কোনো ধরনের বিশৃঙ্খলা বরদাশত করা হবে না। সংশ্লিষ্ট কর্মকর্তারা জানান, প্রতিটি কেন্দ্রে পর্যাপ্ত সংখ্যক পুলিশ, আনসার ও অন্যান্য বাহিনীর সদস্য মোতায়েন থাকবে। ঝুঁকিপূর্ণ কেন্দ্রগুলোতে বাড়তি নজরদারি রাখা হবে। নির্বাচন কমিশন ও আইনশৃঙ্খলা বাহিনীর সদস্যদের সঙ্গে সমন্বয় করে ভোটকেন্দ্রে সর্বোচ্চ নিরাপত্তা নিশ্চিত করতে হবে। ভোটারদের নিরাপদে কেন্দ্রে আসা যাওয়ার পরিবেশ তৈরি করা হবে এবং কোনো ধরনের বিশৃঙ্খলা বরদাশত করা হবে না। সংশ্লিষ্ট কর্মকর্তারা জানান, প্রতিটি কেন্দ্রে পর্যাপ্ত সংখ্যক পুলিশ, আনসার ও অন্যান্য বাহিনীর সদস্য মোতায়েন থাকবে। ঝুঁকিপূর্ণ কেন্দ্রগুলোতে বাড়তি নজরদারি রাখা হবে। নির্বাচন কমিশন ও আইনশৃঙ্খলা বাহিনীর সদস্যদের সঙ্গে সমন্বয় করে ভোটকেন্দ্রে সর্বোচ্চ নিরাপত্তা নিশ্চিত করতে হবে। ভোটারদের নিরাপদে কেন্দ্রে আসা যাওয়ার পরিবেশ তৈরি করা হবে এবং কোনো ধরনের বিশৃঙ্খলা বরদাশত করা হবে না। সংশ্লিষ্ট কর্মকর্তারা জানান, প্রতিটি কেন্দ্রে পর্যাপ্ত সংখ্যক পুলিশ, আনসার ও অন্যান্য বাহিনীর সদস্য মোতায়েন থাকবে। ঝুঁকিপূর্ণ কেন্দ্রগুলোতে বাড়তি নজরদারি রাখা হবে।
ঋণ দিতে সক্ষম হবেও
(প্রথম পাতার পর)
নির্বাচন কমিশন ও আইনশৃঙ্খলা বাহিনীর সদস্যদের সঙ্গে সমন্বয় করে ভোটকেন্দ্রে সর্বোচ্চ নিরাপত্তা নিশ্চিত করতে হবে। ভোটারদের নিরাপদে কেন্দ্রে আসা যাওয়ার পরিবেশ তৈরি করা হবে এবং কোনো ধরনের বিশৃঙ্খলা বরদাশত করা হবে না। সংশ্লিষ্ট কর্মকর্তারা জানান, প্রতিটি কেন্দ্রে পর্যাপ্ত সংখ্যক পুলিশ, আনসার ও অন্যান্য বাহিনীর সদস্য মোতায়েন থাকবে। ঝুঁকিপূর্ণ কেন্দ্রগুলোতে বাড়তি নজরদারি রাখা হবে। নির্বাচন কমিশন ও আইনশৃঙ্খলা বাহিনীর সদস্যদের সঙ্গে সমন্বয় করে ভোটকেন্দ্রে সর্বোচ্চ নিরাপত্তা নিশ্চিত করতে হবে। ভোটারদের নিরাপদে কেন্দ্রে আসা যাওয়ার পরিবেশ তৈরি করা হবে এবং কোনো ধরনের বিশৃঙ্খলা বরদাশত করা হবে না। সংশ্লিষ্ট কর্মকর্তারা জানান, প্রতিটি কেন্দ্রে পর্যাপ্ত সংখ্যক পুলিশ, আনসার ও অন্যান্য বাহিনীর সদস্য মোতায়েন থাকবে। ঝুঁকিপূর্ণ কেন্দ্রগুলোতে বাড়তি নজরদারি রাখা হবে। নির্বাচন কমিশন ও আইনশৃঙ্খলা বাহিনীর সদস্যদের সঙ্গে সমন্বয় করে ভোটকেন্দ্রে সর্বোচ্চ নিরাপত্তা নিশ্চিত করতে হবে। ভোটারদের নিরাপদে কেন্দ্রে আসা যাওয়ার পরিবেশ তৈরি করা হবে এবং কোনো ধরনের বিশৃঙ্খলা বরদাশত করা হবে না। সংশ্লিষ্ট কর্মকর্তারা জানান, প্রতিটি কেন্দ্রে পর্যাপ্ত সংখ্যক পুলিশ, আনসার ও অন্যান্য বাহিনীর সদস্য মোতায়েন থাকবে। ঝুঁকিপূর্ণ কেন্দ্রগুলোতে বাড়তি নজরদারি রাখা হবে। নির্বাচন কমিশন ও আইনশৃঙ্খলা বাহিনীর সদস্যদের সঙ্গে সমন্বয় করে ভোটকেন্দ্রে সর্বোচ্চ নিরাপত্তা নিশ্চিত করতে হবে। ভোটারদের নিরাপদে কেন্দ্রে আসা যাওয়ার পরিবেশ তৈরি করা হবে এবং কোনো ধরনের বিশৃঙ্খলা বরদাশত করা হবে না। সংশ্লিষ্ট কর্মকর্তারা জানান, প্রতিটি কেন্দ্রে পর্যাপ্ত সংখ্যক পুলিশ, আনসার ও অন্যান্য বাহিনীর সদস্য মোতায়েন থাকবে। ঝুঁকিপূর্ণ কেন্দ্রগুলোতে বাড়তি নজরদারি রাখা হবে। নির্বাচন কমিশন ও আইনশৃঙ্খলা বাহিনীর সদস্যদের সঙ্গে সমন্বয় করে ভোটকেন্দ্রে সর্বোচ্চ নিরাপত্তা নিশ্চিত করতে হবে। ভোটারদের নিরাপদে কেন্দ্রে আসা যাওয়ার পরিবেশ তৈরি করা হবে এবং কোনো ধরনের বিশৃঙ্খলা বরদাশত করা হবে না। সংশ্লিষ্ট কর্মকর্তারা জানান, প্রতিটি কেন্দ্রে পর্যাপ্ত সংখ্যক পুলিশ, আনসার ও অন্যান্য বাহিনীর সদস্য মোতায়েন থাকবে। ঝুঁকিপূর্ণ কেন্দ্রগুলোতে বাড়তি নজরদারি রাখা হবে। নির্বাচন কমিশন ও আইনশৃঙ্খলা বাহিনীর সদস্যদের সঙ্গে সমন্বয় করে ভোটকেন্দ্রে সর্বোচ্চ নিরাপত্তা নিশ্চিত করতে হবে। ভোটারদের নিরাপদে কেন্দ্রে আসা যাওয়ার পরিবেশ তৈরি করা হবে এবং কোনো ধরনের বিশৃঙ্খলা বরদাশত করা হবে না। সংশ্লিষ্ট কর্মকর্তারা জানান, প্রতিটি কেন্দ্রে পর্যাপ্ত সংখ্যক পুলিশ, আনসার ও অন্যান্য বাহিনীর সদস্য মোতায়েন থাকবে। ঝুঁকিপূর্ণ কেন্দ্রগুলোতে বাড়তি নজরদারি রাখা হবে। নির্বাচন কমিশন ও আইনশৃঙ্খলা বাহিনীর সদস্যদের সঙ্গে সমন্বয় করে ভোটকেন্দ্রে সর্বোচ্চ নিরাপত্তা নিশ্চিত করতে হবে। ভোটারদের নিরাপদে কেন্দ্রে আসা যাওয়ার পরিবেশ তৈরি করা হবে এবং কোনো ধরনের বিশৃঙ্খলা বরদাশত করা হবে না। সংশ্লিষ্ট কর্মকর্তারা জানান, প্রতিটি কেন্দ্রে পর্যাপ্ত সংখ্যক পুলিশ, আনসার ও অন্যান্য বাহিনীর সদস্য মোতায়েন থাকবে। ঝুঁকিপূর্ণ কেন্দ্রগুলোতে বাড়তি নজরদারি রাখা হবে। নির্বাচন কমিশন ও আইনশৃঙ্খলা বাহিনীর সদস্যদের সঙ্গে সমন্বয় করে ভোটকেন্দ্রে সর্বোচ্চ নিরাপত্তা নিশ্চিত করতে হবে। ভোটারদের নিরাপদে কেন্দ্রে আসা যাওয়ার পরিবেশ তৈরি করা হবে এবং কোনো ধরনের বিশৃঙ্খলা বরদাশত করা হবে না। সংশ্লিষ্ট কর্মকর্তারা জানান, প্রতিটি কেন্দ্রে পর্যাপ্ত সংখ্যক পুলিশ, আনসার ও অন্যান্য বাহিনীর সদস্য মোতায়েন থাকবে। ঝুঁকিপূর্ণ কেন্দ্রগুলোতে বাড়তি নজরদারি রাখা হবে।
জামায়াতে দেশকে আফগানিস্তান
(প্রথম পাতার পর)
নির্বাচন কমিশন ও আইনশৃঙ্খলা বাহিনীর সদস্যদের সঙ্গে সমন্বয় করে ভোটকেন্দ্রে সর্বোচ্চ নিরাপত্তা নিশ্চিত করতে হবে। ভোটারদের নিরাপদে কেন্দ্রে আসা যাওয়ার পরিবেশ তৈরি করা হবে এবং কোনো ধরনের বিশৃঙ্খলা বরদাশত করা হবে না। সংশ্লিষ্ট কর্মকর্তারা জানান, প্রতিটি কেন্দ্রে পর্যাপ্ত সংখ্যক পুলিশ, আনসার ও অন্যান্য বাহিনীর সদস্য মোতায়েন থাকবে। ঝুঁকিপূর্ণ কেন্দ্রগুলোতে বাড়তি নজরদারি রাখা হবে। নির্বাচন কমিশন ও আইনশৃঙ্খলা বাহিনীর সদস্যদের সঙ্গে সমন্বয় করে ভোটকেন্দ্রে সর্বোচ্চ নিরাপত্তা নিশ্চিত করতে হবে। ভোটারদের নিরাপদে কেন্দ্রে আসা যাওয়ার পরিবেশ তৈরি করা হবে এবং কোনো ধরনের বিশৃঙ্খলা বরদাশত করা হবে না। সংশ্লিষ্ট কর্মকর্তারা জানান, প্রতিটি কেন্দ্রে পর্যাপ্ত সংখ্যক পুলিশ, আনসার ও অন্যান্য বাহিনীর সদস্য মোতায়েন থাকবে। ঝুঁকিপূর্ণ কেন্দ্রগুলোতে বাড়তি নজরদারি রাখা হবে। নির্বাচন কমিশন ও আইনশৃঙ্খলা বাহিনীর সদস্যদের সঙ্গে সমন্বয় করে ভোটকেন্দ্রে সর্বোচ্চ নিরাপত্তা নিশ্চিত করতে হবে। ভোটারদের নিরাপদে কেন্দ্রে আসা যাওয়ার পরিবেশ তৈরি করা হবে এবং কোনো ধরনের বিশৃঙ্খলা বরদাশত করা হবে না। সংশ্লিষ্ট কর্মকর্তারা জানান, প্রতিটি কেন্দ্রে পর্যাপ্ত সংখ্যক পুলিশ, আনসার ও অন্যান্য বাহিনীর সদস্য মোতায়েন থাকবে। ঝুঁকিপূর্ণ কেন্দ্রগুলোতে বাড়তি নজরদারি রাখা হবে। নির্বাচন কমিশন ও আইনশৃঙ্খলা বাহিনীর সদস্যদের সঙ্গে সমন্বয় করে ভোটকেন্দ্রে সর্বোচ্চ নিরাপত্তা নিশ্চিত করতে হবে। ভোটারদের নিরাপদে কেন্দ্রে আসা যাওয়ার পরিবেশ তৈরি করা হবে এবং কোনো ধরনের বিশৃঙ্খলা বরদাশত করা হবে না। সংশ্লিষ্ট কর্মকর্তারা জানান, প্রতিটি কেন্দ্রে পর্যাপ্ত সংখ্যক পুলিশ, আনসার ও অন্যান্য বাহিনীর সদস্য মোতায়েন থাকবে। ঝুঁকিপূর্ণ কেন্দ্রগুলোতে বাড়তি নজরদারি রাখা হবে। নির্বাচন কমিশন ও আইনশৃঙ্খলা বাহিনীর সদস্যদের সঙ্গে সমন্বয় করে ভোটকেন্দ্রে সর্বোচ্চ নিরাপত্তা নিশ্চিত করতে হবে। ভোটারদের নিরাপদে কেন্দ্রে আসা যাওয়ার পরিবেশ তৈরি করা হবে এবং কোনো ধরনের বিশৃঙ্খলা বরদাশত করা হবে না। সংশ্লিষ্ট কর্মকর্তারা জানান, প্রতিটি কেন্দ্রে পর্যাপ্ত সংখ্যক পুলিশ, আনসার ও অন্যান্য বাহিনীর সদস্য মোতায়েন থাকবে। ঝুঁকিপূর্ণ কেন্দ্রগুলোতে বাড়তি নজরদারি রাখা হবে। নির্বাচন কমিশন ও আইনশৃঙ্খলা বাহিনীর সদস্যদের সঙ্গে সমন্বয় করে ভোটকেন্দ্রে সর্বোচ্চ নিরাপত্তা নিশ্চিত করতে হবে। ভোটারদের নিরাপদে কেন্দ্রে আসা যাওয়ার পরিবেশ তৈরি করা হবে এবং কোনো ধরনের বিশৃঙ্খলা বরদাশত করা হবে না। সংশ্লিষ্ট কর্মকর্তারা জানান, প্রতিটি কেন্দ্রে পর্যাপ্ত সংখ্যক পুলিশ, আনসার ও অন্যান্য বাহিনীর সদস্য মোতায়েন থাকবে। ঝুঁকিপূর্ণ কেন্দ্রগুলোতে বাড়তি নজরদারি রাখা হবে। নির্বাচন কমিশন ও আইনশৃঙ্খলা বাহিনীর সদস্যদের সঙ্গে সমন্বয় করে ভোটকেন্দ্রে সর্বোচ্চ নিরাপত্তা নিশ্চিত করতে হবে। ভোটারদের নিরাপদে কেন্দ্রে আসা যাওয়ার পরিবেশ তৈরি করা হবে এবং কোনো ধরনের বিশৃঙ্খলা বরদাশত করা হবে না। সংশ্লিষ্ট কর্মকর্তারা জানান, প্রতিটি কেন্দ্রে পর্যাপ্ত সংখ্যক পুলিশ, আনসার ও অন্যান্য বাহিনীর সদস্য মোতায়েন থাকবে। ঝুঁকিপূর্ণ কেন্দ্রগুলোতে বাড়তি নজরদারি রাখা হবে। নির্বাচন কমিশন ও আইনশৃঙ্খলা বাহিনীর সদস্যদের সঙ্গে সমন্বয় করে ভোটকেন্দ্রে সর্বোচ্চ নিরাপত্তা নিশ্চিত করতে হবে। ভোটারদের নিরাপদে কেন্দ্রে আসা যাওয়ার পরিবেশ তৈরি করা হবে এবং কোনো ধরনের বিশৃঙ্খলা বরদাশত করা হবে না। সংশ্লিষ্ট কর্মকর্তারা জানান, প্রতিটি কেন্দ্রে পর্যাপ্ত সংখ্যক পুলিশ, আনসার ও অন্যান্য বাহিনীর সদস্য মোতায়েন থাকবে। ঝুঁকিপূর্ণ কেন্দ্রগুলোতে বাড়তি নজরদারি রাখা হবে।
ভোটকেন্দ্রে সর্বোচ্চ নিরাপত্তা
(প্রথম পাতার পর)
নির্বাচন কমিশন ও আইনশৃঙ্খলা বাহিনীর সদস্যদের সঙ্গে সমন্বয় করে ভোটকেন্দ্রে সর্বোচ্চ নিরাপত্তা নিশ্চিত করতে হবে। ভোটারদের নিরাপদে কেন্দ্রে আসা যাওয়ার পরিবেশ তৈরি করা হবে এবং কোনো ধরনের বিশৃঙ্খলা বরদাশত করা হবে না। সংশ্লিষ্ট কর্মকর্তারা জানান, প্রতিটি কেন্দ্রে পর্যাপ্ত সংখ্যক পুলিশ, আনসার ও অন্যান্য বাহিনীর সদস্য মোতায়েন থাকবে। ঝুঁকিপূর্ণ কেন্দ্রগুলোতে বাড়তি নজরদারি রাখা হবে। নির্বাচন কমিশন ও আইনশৃঙ্খলা বাহিনীর সদস্যদের সঙ্গে সমন্বয় করে ভোটকেন্দ্রে সর্বোচ্চ নিরাপত্তা নিশ্চিত করতে হবে। ভোটারদের নিরাপদে কেন্দ্রে আসা যাওয়ার পরিবেশ তৈরি করা হবে এবং কোনো ধরনের বিশৃঙ্খলা বরদাশত করা হবে না। সংশ্লিষ্ট কর্মকর্তারা জানান, প্রতিটি কেন্দ্রে পর্যাপ্ত সংখ্যক পুলিশ, আনসার ও অন্যান্য বাহিনীর সদস্য মোতায়েন থাকবে। ঝুঁকিপূর্ণ কেন্দ্রগুলোতে বাড়তি নজরদারি রাখা হবে। নির্বাচন কমিশন ও আইনশৃঙ্খলা বাহিনীর সদস্যদের সঙ্গে সমন্বয় করে ভোটকেন্দ্রে সর্বোচ্চ নিরাপত্তা নিশ্চিত করতে হবে। ভোটারদের নিরাপদে কেন্দ্রে আসা যাওয়ার পরিবেশ তৈরি করা হবে এবং কোনো ধরনের বিশৃঙ্খলা বরদাশত করা হবে না। সংশ্লিষ্ট কর্মকর্তারা জানান, প্রতিটি কেন্দ্রে পর্যাপ্ত সংখ্যক পুলিশ, আনসার ও অন্যান্য বাহিনীর সদস্য মোতায়েন থাকবে। ঝুঁকিপূর্ণ কেন্দ্রগুলোতে বাড়তি নজরদারি রাখা হবে। নির্বাচন কমিশন ও আইনশৃঙ্খলা বাহিনীর সদস্যদের সঙ্গে সমন্বয় করে ভোটকেন্দ্রে সর্বোচ্চ নিরাপত্তা নিশ্চিত করতে হবে। ভোটারদের নিরাপদে কেন্দ্রে আসা যাওয়ার পরিবেশ তৈরি করা হবে এবং কোনো ধরনের বিশৃঙ্খলা বরদাশত করা হবে না। সংশ্লিষ্ট কর্মকর্তারা জানান, প্রতিটি কেন্দ্রে পর্যাপ্ত সংখ্যক পুলিশ, আনসার ও অন্যান্য বাহিনীর সদস্য মোতায়েন থাকবে। ঝুঁকিপূর্ণ কেন্দ্রগুলোতে বাড়তি নজরদারি রাখা হবে। নির্বাচন কমিশন ও আইনশৃঙ্খলা বাহিনীর সদস্যদের সঙ্গে সমন্বয় করে ভোটকেন্দ্রে সর্বোচ্চ নিরাপত্তা নিশ্চিত করতে হবে। ভোটারদের নিরাপদে কেন্দ্রে আসা যাওয়ার পরিবেশ তৈরি করা হবে এবং কোনো ধরনের বিশৃঙ্খলা বরদাশত করা হবে না। সংশ্লিষ্ট কর্মকর্তারা জানান, প্রতিটি কেন্দ্রে পর্যাপ্ত সংখ্যক পুলিশ, আনসার ও অন্যান্য বাহিনীর সদস্য মোতায়েন থাকবে। ঝুঁকিপূর্ণ কেন্দ্রগুলোতে বাড়তি নজরদারি রাখা হবে। নির্বাচন কমিশন ও আইনশৃঙ্খলা বাহিনীর সদস্যদের সঙ্গে সমন্বয় করে ভোটকেন্দ্রে সর্বোচ্চ নিরাপত্তা নিশ্চিত করতে হবে। ভোটারদের নিরাপদে কেন্দ্রে আসা যাওয়ার পরিবেশ তৈরি করা হবে এবং কোনো ধরনের বিশৃঙ্খলা বরদাশত করা হবে না। সংশ্লিষ্ট কর্মকর্তারা জানান, প্রতিটি কেন্দ্রে পর্যাপ্ত সংখ্যক পুলিশ, আনসার ও অন্যান্য বাহিনীর সদস্য মোতায়েন থাকবে। ঝুঁকিপূর্ণ কেন্দ্রগুলোতে বাড়তি নজরদারি রাখা হবে। নির্বাচন কমিশন ও আইনশৃঙ্খলা বাহিনীর সদস্যদের সঙ্গে সমন্বয় করে ভোটকেন্দ্রে সর্বোচ্চ নিরাপত্তা নিশ্চিত করতে হবে। ভোটারদের নিরাপদে কেন্দ্রে আসা যাওয়ার পরিবেশ তৈরি করা হবে এবং কোনো ধরনের বিশৃঙ্খলা বরদাশত করা হবে না। সংশ্লিষ্ট কর্মকর্তারা জানান, প্রতিটি কেন্দ্রে পর্যাপ্ত সংখ্যক পুলিশ, আনসার ও অন্যান্য বাহিনীর সদস্য মোতায়েন থাকবে। ঝুঁকিপূর্ণ কেন্দ্রগুলোতে বাড়তি নজরদারি রাখা হবে। নির্বাচন কমিশন ও আইনশৃঙ্খলা বাহিনীর সদস্যদের সঙ্গে সমন্বয় করে ভোটকেন্দ্রে সর্বোচ্চ নিরাপত্তা নিশ্চিত করতে হবে। ভোটারদের নিরাপদে কেন্দ্রে আসা যাওয়ার পরিবেশ তৈরি করা হবে এবং কোনো ধরনের বিশৃঙ্খলা বরদাশত করা হবে না। সংশ্লিষ্ট কর্মকর্তারা জানান, প্রতিটি কেন্দ্রে পর্যাপ্ত সংখ্যক পুলিশ, আনসার ও অন্যান্য বাহিনীর সদস্য মোতায়েন থাকবে। ঝুঁকিপূর্ণ কেন্দ্রগুলোতে বাড়তি নজরদারি রাখা হবে। নির্বাচন কমিশন ও আইনশৃঙ্খলা বাহিনীর সদস্যদের সঙ্গে সমন্বয় করে ভোটকেন্দ্রে সর্বোচ্চ নিরাপত্তা নিশ্চিত করতে হবে। ভোটারদের নিরাপদে কেন্দ্রে আসা যাওয়ার পরিবেশ তৈরি করা হবে এবং কোনো ধরনের বিশৃঙ্খলা বরদাশত করা হবে না। সংশ্লিষ্ট কর্মকর্তারা জানান, প্রতিটি কেন্দ্রে পর্যাপ্ত সংখ্যক পুলিশ, আনসার ও অন্যান্য বাহিনীর সদস্য মোতায়েন থাকবে। ঝুঁকিপূর্ণ কেন্দ্রগুলোতে বাড়তি নজরদারি রাখা হবে। নির্বাচন কমিশন ও আইনশৃঙ্খলা বাহিনীর সদস্যদের সঙ্গে সমন্বয় করে ভোটকেন্দ্রে সর্বোচ্চ নিরাপত্তা নিশ্চিত করতে হবে। ভোটারদের নিরাপদে কেন্দ্রে আসা যাওয়ার পরিবেশ তৈরি করা হবে এবং কোনো ধরনের বিশৃঙ্খলা বরদাশত করা হবে না। সংশ্লিষ্ট কর্মকর্তারা জানান, প্রতিটি কেন্দ্রে পর্যাপ্ত সংখ্যক পুলিশ, আনসার ও অন্যান্য বাহিনীর সদস্য মোতায়েন থাকবে। ঝুঁকিপূর্ণ কেন্দ্রগুলোতে বাড়তি নজরদারি রাখা হবে।
নির্বাচন কমিশন ও আইনশৃঙ্খলা বাহিনীর সদস্যদের সঙ্গে সমন্বয় করে ভোটকেন্দ্রে সর্বোচ্চ নিরাপত্তা নিশ্চিত করতে হবে। ভোটারদের নিরাপদে কেন্দ্রে আসা যাওয়ার পরিবেশ তৈরি করা হবে এবং কোনো ধরনের বিশৃঙ্খলা বরদাশত করা হবে না। সংশ্লিষ্ট কর্মকর্তারা জানান, প্রতিটি কেন্দ্রে পর্যাপ্ত সংখ্যক পুলিশ, আনসার ও অন্যান্য বাহিনীর সদস্য মোতায়েন থাকবে। ঝুঁকিপূর্ণ কেন্দ্রগুলোতে বাড়তি নজরদারি রাখা হবে। নির্বাচন কমিশন ও আইনশৃঙ্খলা বাহিনীর সদস্যদের সঙ্গে সমন্বয় করে ভোটকেন্দ্রে সর্বোচ্চ নিরাপত্তা নিশ্চিত করতে হবে। ভোটারদের নিরাপদে কেন্দ্রে আসা যাওয়ার পরিবেশ তৈরি করা হবে এবং কোনো ধরনের বিশৃঙ্খলা বরদাশত করা হবে না। সংশ্লিষ্ট কর্মকর্তারা জানান, প্রতিটি কেন্দ্রে পর্যাপ্ত সংখ্যক পুলিশ, আনসার ও অন্যান্য বাহিনীর সদস্য মোতায়েন থাকবে। ঝুঁকিপূর্ণ কেন্দ্রগুলোতে বাড়তি নজরদারি রাখা হবে। নির্বাচন কমিশন ও আইনশৃঙ্খলা বাহিনীর সদস্যদের সঙ্গে সমন্বয় করে ভোটকেন্দ্রে সর্বোচ্চ নিরাপত্তা নিশ্চিত করতে হবে। ভোটারদের নিরাপদে কেন্দ্রে আসা যাওয়ার পরিবেশ তৈরি করা হবে এবং কোনো ধরনের বিশৃঙ্খলা বরদাশত করা হবে না। সংশ্লিষ্ট কর্মকর্তারা জানান, প্রতিটি কেন্দ্রে পর্যাপ্ত সংখ্যক পুলিশ, আনসার ও অন্যান্য বাহিনীর সদস্য মোতায়েন থাকবে। ঝুঁকিপূর্ণ কেন্দ্রগুলোতে বাড়তি নজরদারি রাখা হবে।
বিমানের এমডি সম্প্রীক
(প্রথম পাতার পর)
নির্বাচন কমিশন ও আইনশৃঙ্খলা বাহিনীর সদস্যদের সঙ্গে সমন্বয় করে ভোটকেন্দ্রে সর্বোচ্চ নিরাপত্তা নিশ্চিত করতে হবে। ভোটারদের নিরাপদে কেন্দ্রে আসা যাওয়ার পরিবেশ তৈরি করা হবে এবং কোনো ধরনের বিশৃঙ্খলা বরদাশত করা হবে না। সংশ্লিষ্ট কর্মকর্তারা জানান, প্রতিটি কেন্দ্রে পর্যাপ্ত সংখ্যক পুলিশ, আনসার ও অন্যান্য বাহিনীর সদস্য মোতায়েন থাকবে। ঝুঁকিপূর্ণ কেন্দ্রগুলোতে বাড়তি নজরদারি রাখা হবে। নির্বাচন কমিশন ও আইনশৃঙ্খলা বাহিনীর সদস্যদের সঙ্গে সমন্বয় করে ভোটকেন্দ্রে সর্বোচ্চ নিরাপত্তা নিশ্চিত করতে হবে। ভোটারদের নিরাপদে কেন্দ্রে আসা যাওয়ার পরিবেশ তৈরি করা হবে এবং কোনো ধরনের বিশৃঙ্খলা বরদাশত করা হবে না। সংশ্লিষ্ট কর্মকর্তারা জানান, প্রতিটি কেন্দ্রে পর্যাপ্ত সংখ্যক পুলিশ, আনসার ও অন্যান্য বাহিনীর সদস্য মোতায়েন থাকবে। ঝুঁকিপূর্ণ কেন্দ্রগুলোতে বাড়তি নজরদারি রাখা হবে। নির্বাচন কমিশন ও আইনশৃঙ্খলা বাহিনীর সদস্যদের সঙ্গে সমন্বয় করে ভোটকেন্দ্রে সর্বোচ্চ নিরাপত্তা নিশ্চিত করতে হবে। ভোটারদের নিরাপদে কেন্দ্রে আসা যাওয়ার পরিবেশ তৈরি করা হবে এবং কোনো ধরনের বিশৃঙ্খলা বরদাশত করা হবে না। সংশ্লিষ্ট কর্মকর্তারা জানান, প্রতিটি কেন্দ্রে পর্যাপ্ত সংখ্যক পুলিশ, আনসার ও অন্যান্য বাহিনীর সদস্য মোতায়েন থাকবে। ঝুঁকিপূর্ণ কেন্দ্রগুলোতে বাড়তি নজরদারি রাখা হবে। নির্বাচন কমিশন ও আইনশৃঙ্খলা বাহিনীর সদস্যদের সঙ্গে সমন্বয় করে ভোটকেন্দ্রে সর্বোচ্চ নিরাপত্তা নিশ্চিত করতে হবে। ভোটারদের নিরাপদে কেন্দ্রে আসা যাওয়ার পরিবেশ তৈরি করা হবে এবং কোনো ধরনের বিশৃঙ্খলা বরদাশত করা হবে না। সংশ্লিষ্ট কর্মকর্তারা জানান, প্রতিটি কেন্দ্রে পর্যাপ্ত সংখ্যক পুলিশ, আনসার ও অন্যান্য বাহিনীর সদস্য মোতায়েন থাকবে। ঝুঁকিপূর্ণ কেন্দ্রগুলোতে বাড়তি নজরদারি রাখা হবে। নির্বাচন কমিশন ও আইনশৃঙ্খলা বাহিনীর সদস্যদের সঙ্গে সমন্বয় করে ভোটকেন্দ্রে সর্বোচ্চ নিরাপত্তা নিশ্চিত করতে হবে। ভোটারদের নিরাপদে কেন্দ্রে আসা যাওয়ার পরিবেশ তৈরি করা হবে এবং কোনো ধরনের বিশৃঙ্খলা বরদাশত করা হবে না। সংশ্লিষ্ট কর্মকর্তারা জানান, প্রতিটি কেন্দ্রে পর্যাপ্ত সংখ্যক পুলিশ, আনসার ও অন্যান্য বাহিনীর সদস্য মোতায়েন থাকবে। ঝুঁকিপূর্ণ কেন্দ্রগুলোতে বাড়তি নজরদারি রাখা হবে।
দেশের বাজারে স্বর্ণের দাম
(প্রথম পাতার পর)
নির্বাচন কমিশন ও আইনশৃঙ্খলা বাহিনীর সদস্যদের সঙ্গে সমন্বয় করে ভোটকেন্দ্রে সর্বোচ্চ নিরাপত্তা নিশ্চিত করতে হবে। ভোটারদের নিরাপদে কেন্দ্রে আসা যাওয়ার পরিবেশ তৈরি করা হবে এবং কোনো ধরনের বিশৃঙ্খলা বরদাশত করা হবে না। সংশ্লিষ্ট কর্মকর্তারা জানান, প্রতিটি কেন্দ্রে পর্যাপ্ত সংখ্যক পুলিশ, আনসার ও অন্যান্য বাহিনীর সদস্য মোতায়েন থাকবে। ঝুঁকিপূর্ণ কেন্দ্রগুলোতে বাড়তি নজরদারি রাখা হবে। নির্বাচন কমিশন ও আইনশৃঙ্খলা বাহিনীর সদস্যদের সঙ্গে সমন্বয় করে ভোটকেন্দ্রে সর্বোচ্চ নিরাপত্তা নিশ্চিত করতে হবে। ভোটারদের নিরাপদে কেন্দ্রে আসা যাওয়ার পরিবেশ তৈরি করা হবে এবং কোনো ধরনের বিশৃঙ্খলা বরদাশত করা হবে না। সংশ্লিষ্ট কর্মকর্তারা জানান, প্রতিটি কেন্দ্রে পর্যাপ্ত সংখ্যক পুলিশ, আনসার ও অন্যান্য বাহিনীর সদস্য মোতায়েন থাকবে। ঝুঁকিপূর্ণ কেন্দ্রগুলোতে বাড়তি নজরদারি রাখা হবে। নির্বাচন কমিশন ও আইনশৃঙ্খলা বাহিনীর সদস্যদের সঙ্গে সমন্বয় করে ভোটকেন্দ্রে সর্বোচ্চ নিরাপত্তা নিশ্চিত করতে হবে। ভোটারদের নিরাপদে কেন্দ্রে আসা যাওয়ার পরিবেশ তৈরি করা হবে এবং কোনো ধরনের বিশৃঙ্খলা বরদাশত করা হবে না। সংশ্লিষ্ট কর্মকর্তারা জানান, প্রতিটি কেন্দ্রে পর্যাপ্ত সংখ্যক পুলিশ, আনসার ও অন্যান্য বাহিনীর সদস্য মোতায়েন থাকবে। ঝুঁকিপূর্ণ কেন্দ্রগুলোতে বাড়তি নজরদারি রাখা হবে। নির্বাচন কমিশন ও আইনশৃঙ্খলা বাহিনীর সদস্যদের সঙ্গে সমন্বয় করে ভোটকেন্দ্রে সর্বোচ্চ নিরাপত্তা নিশ্চিত করতে হবে। ভোটারদের নিরাপদে কেন্দ্রে আসা যাওয়ার পরিবেশ তৈরি করা হবে এবং কোনো ধরনের বিশৃঙ্খলা বরদাশত করা হবে না। সংশ্লিষ্ট কর্মকর্তারা জানান, প্রতিটি কেন্দ্রে পর্যাপ্ত সংখ্যক পুলিশ, আনসার ও অন্যান্য বাহিনীর সদস্য মোতায়েন থাকবে। ঝুঁকিপূর্ণ কেন্দ্রগুলোতে বাড়তি নজরদারি রাখা হবে। নির্বাচন কমিশন ও আইনশৃঙ্খলা বাহিনীর সদস্যদের সঙ্গে সমন্বয় করে ভোটকেন্দ্রে সর্বোচ্চ নিরাপত্তা নিশ্চিত করতে হবে। ভোটারদের নিরাপদে কেন্দ্রে আসা যাওয়ার পরিবেশ তৈরি করা হবে এবং কোনো ধরনের বিশৃঙ্খলা বরদাশত করা হবে না। সংশ্লিষ্ট কর্মকর্তারা জানান, প্রতিটি কেন্দ্রে পর্যাপ্ত সংখ্যক পুলিশ, আনসার ও অন্যান্য বাহিনীর সদস্য মোতায়েন থাকবে। ঝুঁকিপূর্ণ কেন্দ্রগুলোতে বাড়তি নজরদারি রাখা হবে। নির্বাচন কমিশন ও আইনশৃঙ্খলা বাহিনীর সদস্যদের সঙ্গে সমন্বয় করে ভোটকেন্দ্রে সর্বোচ্চ নিরাপত্তা নিশ্চিত করতে হবে। ভোটারদের নিরাপদে কেন্দ্রে আসা যাওয়ার পরিবেশ তৈরি করা হবে এবং কোনো ধরনের বিশৃঙ্খলা বরদাশত করা হবে না। সংশ্লিষ্ট কর্মকর্তারা জানান, প্রতিটি কেন্দ্রে পর্যাপ্ত সংখ্যক পুলিশ, আনসার ও অন্যান্য বাহিনীর সদস্য মোতায়েন থাকবে। ঝুঁকিপূর্ণ কেন্দ্রগুলোতে বাড়তি নজরদারি রাখা হবে। নির্বাচন কমিশন ও আইনশৃঙ্খলা বাহিনীর সদস্যদের সঙ্গে সমন্বয় করে ভোটকেন্দ্রে সর্বোচ্চ নিরাপত্তা নিশ্চিত করতে হবে। ভোটারদের নিরাপদে কেন্দ্রে আসা যাওয়ার পরিবেশ তৈরি করা হবে এবং কোনো ধরনের বিশৃঙ্খলা বরদাশত করা হবে না। সংশ্লিষ্ট কর্মকর্তারা জানান, প্রতিটি কেন্দ্রে পর্যাপ্ত সংখ্যক পুলিশ, আনসার ও অন্যান্য বাহিনীর সদস্য মোতায়েন থাকবে। ঝুঁকিপূর্ণ কেন্দ্রগুলোতে বাড়তি নজরদারি রাখা হবে। নির্বাচন কমিশন ও আইনশৃঙ্খলা বাহিনীর সদস্যদের সঙ্গে সমন্বয় করে ভোটকেন্দ্রে সর্বোচ্চ নিরাপত্তা নিশ্চিত করতে হবে। ভোটারদের নিরাপদে কেন্দ্রে আসা যাওয়ার পরিবেশ তৈরি করা হবে এবং কোনো ধরনের বিশৃঙ্খলা বরদাশত করা হবে না। সংশ্লিষ্ট কর্মকর্তারা জানান, প্রতিটি কেন্দ্রে পর্যাপ্ত সংখ্যক পুলিশ, আনসার ও অন্যান্য বাহিনীর সদস্য মোতায়েন থাকবে। ঝুঁকিপূর্ণ কেন্দ্রগুলোতে বাড়তি নজরদারি রাখা হবে। নির্বাচন কমিশন ও আইনশৃঙ্খলা বাহিনীর সদস্যদের সঙ্গে সমন্বয় করে ভোটকেন্দ্রে সর্বোচ্চ নিরাপত্তা নিশ্চিত করতে হবে। ভোটারদের নিরাপদে কেন্দ্রে আসা যাওয়ার পরিবেশ তৈরি করা হবে এবং কোনো ধরনের বিশৃঙ্খলা বরদাশত করা হবে না। সংশ্লিষ্ট কর্মকর্তারা জানান, প্রতিটি কেন্দ্রে পর্যাপ্ত সংখ্যক পুলিশ, আনসার ও অন্যান্য বাহিনীর সদস্য মোতায়েন থাকবে। ঝুঁকিপূর্ণ কেন্দ্রগুলোতে বাড়তি নজরদারি রাখা হবে। নির্বাচন কমিশন ও আইনশৃঙ্খলা বাহিনীর সদস্যদের সঙ্গে সমন্বয় করে ভোটকেন্দ্রে সর্বোচ্চ নিরাপত্তা নিশ্চিত করতে হবে। ভোটারদের নিরাপদে কেন্দ্রে আসা যাওয়ার পরিবেশ তৈরি করা হবে এবং কোনো ধরনের বিশৃঙ্খলা বরদাশত করা হবে না। সংশ্লিষ্ট কর্মকর্তারা জানান, প্রতিটি কেন্দ্রে পর্যাপ্ত সংখ্যক পুলিশ, আনসার ও অন্যান্য বাহিনীর সদস্য মোতায়েন থাকবে। ঝুঁকিপূর্ণ কেন্দ্রগুলোতে বাড়তি নজরদারি রাখা হবে।
কারাগারে ভোটের জন্য
(প্রথম পাতার পর)
নির্বাচন কমিশন ও আইনশৃঙ্খলা বাহিনীর সদস্যদের সঙ্গে সমন্বয় করে ভোটকেন্দ্রে সর্বোচ্চ নিরাপত্তা নিশ্চিত করতে হবে। ভোটারদের নিরাপদে কেন্দ্রে আসা যাওয়ার পরিবেশ তৈরি করা হবে এবং কোনো ধরনের বিশৃঙ্খলা বরদাশত করা হবে না। সংশ্লিষ্ট কর্মকর্তারা জানান, প্রতিটি কেন্দ্রে পর্যাপ্ত সংখ্যক পুলিশ, আনসার ও অন্যান্য বাহিনীর সদস্য মোতায়েন থাকবে। ঝুঁকিপূর্ণ কেন্দ্রগুলোতে বাড়তি নজরদারি রাখা হবে। নির্বাচন কমিশন ও আইনশৃঙ্খলা বাহিনীর সদস্যদের সঙ্গে সমন্বয় করে ভোটকেন্দ্রে সর্বোচ্চ নিরাপত্তা নিশ্চিত করতে হবে। ভোটারদের নিরাপদে কেন্দ্রে আসা যাওয়ার পরিবেশ তৈরি করা হবে এবং কোনো ধরনের বিশৃঙ্খলা বরদাশত করা হবে না। সংশ্লিষ্ট কর্মকর্তারা জানান, প্রতিটি কেন্দ্রে পর্যাপ্ত সংখ্যক পুলিশ, আনসার ও অন্যান্য বাহিনীর সদস্য মোতায়েন থাকবে। ঝুঁকিপূর্ণ কেন্দ্রগুলোতে বাড়তি নজরদারি রাখা হবে। নির্বাচন কমিশন ও আইনশৃঙ্খলা বাহিনীর সদস্যদের সঙ্গে সমন্বয় করে ভোটকেন্দ্রে সর্বোচ্চ নিরাপত্তা নিশ্চিত করতে হবে। ভোটারদের নিরাপদে কেন্দ্রে আসা যাওয়ার পরিবেশ তৈরি করা হবে এবং কোনো ধরনের বিশৃঙ্খলা বরদাশত করা হবে না। সংশ্লিষ্ট কর্মকর্তারা জানান, প্রতিটি কেন্দ্রে পর্যাপ্ত সংখ্যক পুলিশ, আনসার ও অন্যান্য বাহিনীর সদস্য মোতায়েন থাকবে। ঝুঁকিপূর্ণ কেন্দ্রগুলোতে বাড়তি নজরদারি রাখা হবে। নির্বাচন কমিশন ও আইনশৃঙ্খলা বাহিনীর সদস্যদের সঙ্গে সমন্বয় করে ভোটকেন্দ্রে সর্বোচ্চ নিরাপত্তা নিশ্চিত করতে হবে। ভোটারদের নিরাপদে কেন্দ্রে আসা যাওয়ার পরিবেশ তৈরি করা হবে এবং কোনো ধরনের বিশৃঙ্খলা বরদাশত করা হবে না। সংশ্লিষ্ট কর্মকর্তারা জানান, প্রতিটি কেন্দ্রে পর্যাপ্ত সংখ্যক পুলিশ, আনসার ও অন্যান্য বাহিনীর সদস্য মোতায়েন থাকবে। ঝুঁকিপূর্ণ কেন্দ্রগুলোতে বাড়তি নজরদারি রাখা হবে। নির্বাচন কমিশন ও আইনশৃঙ্খলা বাহিনীর সদস্যদের সঙ্গে সমন্বয় করে ভোটকেন্দ্রে সর্বোচ্চ নিরাপত্তা নিশ্চিত করতে হবে। ভোটারদের নিরাপদে কেন্দ্রে আসা যাওয়ার পরিবেশ তৈরি করা হবে এবং কোনো ধরনের বিশৃঙ্খলা বরদাশত করা হবে না। সংশ্লিষ্ট কর্মকর্তারা জানান, প্রতিটি কেন্দ্রে পর্যাপ্ত সংখ্যক পুলিশ, আনসার ও অন্যান্য বাহিনীর সদস্য মোতায়েন থাকবে। ঝুঁকিপূর্ণ কেন্দ্রগুলোতে বাড়তি নজরদারি রাখা হবে। নির্বাচন কমিশন ও আইনশৃঙ্খলা বাহিনীর সদস্যদের সঙ্গে সমন্বয় করে ভোটকেন্দ্রে সর্বোচ্চ নিরাপত্তা নিশ্চিত করতে হবে। ভোটারদের নিরাপদে কেন্দ্রে আসা যাওয়ার পরিবেশ তৈরি করা হবে এবং কোনো ধরনের বিশৃঙ্খলা বরদাশত করা হবে না। সংশ্লিষ্ট কর্মকর্তারা জানান, প্রতিটি কেন্দ্রে পর্যাপ্ত সংখ্যক পুলিশ, আনসার ও অন্যান্য বাহিনীর সদস্য মোতায়েন থাকবে। ঝুঁকিপূর্ণ কেন্দ্রগুলোতে বাড়তি নজরদারি রাখা হবে। নির্বাচন কমিশন ও আইনশৃঙ্খলা বাহিনীর সদস্যদের সঙ্গে সমন্বয় করে ভোটকেন্দ্রে সর্বোচ্চ নিরাপত্তা নিশ্চিত করতে হবে। ভোটারদের নিরাপদে কেন্দ্রে আসা যাওয়ার পরিবেশ তৈরি করা হবে এবং কোনো ধরনের বিশৃঙ্খলা বরদাশত করা হবে না। সংশ্লিষ্ট কর্মকর্তারা জানান, প্রতিটি কেন্দ্রে পর্যাপ্ত সংখ্যক পুলিশ, আনসার ও অন্যান্য বাহিনীর সদস্য মোতায়েন থাকবে। ঝুঁকিপূর্ণ কেন্দ্রগুলোতে বাড়তি নজরদারি রাখা হবে। নির্বাচন কমিশন ও আইনশৃঙ্খলা বাহিনীর সদস্যদের সঙ্গে সমন্বয় করে ভোটকেন্দ্রে সর্বোচ্চ নিরাপত্তা নিশ্চিত করতে হবে। ভোটারদের নিরাপদে কেন্দ্রে আসা যাওয়ার পরিবেশ তৈরি করা হবে এবং কোনো ধরনের বিশৃঙ্খলা বরদাশত করা হবে না। সংশ্লিষ্ট কর্মকর্তারা জানান, প্রতিটি কেন্দ্রে পর্যাপ্ত সংখ্যক পুলিশ, আনসার ও অন্যান্য বাহিনীর সদস্য মোতায়েন থাকবে। ঝুঁকিপূর্ণ কেন্দ্রগুলোতে বাড়তি নজরদারি রাখা হবে। নির্বাচন কমিশন ও আইনশৃঙ্খলা বাহিনীর সদস্যদের সঙ্গে সমন্বয় করে ভোটকেন্দ্রে সর্বোচ্চ নিরাপত্তা নিশ্চিত করতে হবে। ভোটারদের নিরাপদে কেন্দ্রে আসা যাওয়ার পরিবেশ তৈরি করা হবে এবং কোনো ধরনের বিশৃঙ্খলা বরদাশত করা হবে না। সংশ্লিষ্ট কর্মকর্তারা জানান, প্রতিটি কেন্দ্রে পর্যাপ্ত সংখ্যক পুলিশ, আনসার ও অন্যান্য বাহিনীর সদস্য মোতায়েন থাকবে। ঝুঁকিপূর্ণ কেন্দ্রগুলোতে বাড়তি নজরদারি রাখা হবে। নির্বাচন কমিশন ও আইনশৃঙ্খলা বাহিনীর সদস্যদের সঙ্গে সমন্বয় করে ভোটকেন্দ্রে সর্বোচ্চ নিরাপত্তা নিশ্চিত করতে হবে। ভোটারদের নিরাপদে কেন্দ্রে আসা যাওয়ার পরিবেশ তৈরি করা হবে এবং কোনো ধরনের বিশৃঙ্খলা বরদাশত করা হবে না। সংশ্লিষ্ট কর্মকর্তারা জানান, প্রতিটি কেন্দ্রে পর্যাপ্ত সংখ্যক পুলিশ, আনসার ও অন্যান্য বাহিনীর সদস্য মোতায়েন থাকবে। ঝুঁকিপূর্ণ কেন্দ্রগুলোতে বাড়তি নজরদারি রাখা হবে। নির্বাচন কমিশন ও আইনশৃঙ্খলা বাহিনীর সদস্যদের সঙ্গে সমন্বয় করে ভোটকেন্দ্রে সর্বোচ্চ নিরাপত্তা নিশ্চিত করতে হবে। ভোটারদের নিরাপদে কেন্দ্রে আসা যাওয়ার পরিবেশ তৈরি করা হবে এবং কোনো ধরনের বিশৃঙ্খলা বরদাশত করা হবে না। সংশ্লিষ্ট কর্মকর্তারা জানান, প্রতিটি কেন্দ্রে পর্যাপ্ত সংখ্যক পুলিশ, আনসার ও অন্যান্য বাহিনীর সদস্য মোতায়েন থাকবে। ঝুঁকিপূর্ণ কেন্দ্রগুলোতে বাড়তি নজরদারি রাখা হবে। নির্বাচন কমিশন ও আইনশৃঙ্খলা বাহিনীর সদস্যদের সঙ্গে সমন্বয় করে ভোটকেন্দ্রে সর্বোচ্চ নিরাপত্তা নিশ্চিত করতে হবে। ভোটারদের নিরাপদে কেন্দ্রে আসা যাওয়ার পরিবেশ তৈরি করা হবে এবং কোনো ধরনের বিশৃঙ্খলা বরদাশত করা হবে না। সংশ্লিষ্ট কর্মকর্তারা জানান, প্রতিটি কেন্দ্রে পর্যাপ্ত সংখ্যক পুলিশ, আনসার ও অন্যান্য বাহিনীর সদস্য মোতায়েন থাকবে। ঝুঁকিপূর্ণ কেন্দ্রগুলোতে বাড়তি নজরদারি রাখা হবে। নির্বাচন কমিশন ও আইনশৃঙ্খলা বাহিনীর সদস্যদের সঙ্গে সমন্বয় করে ভোটকেন্দ্রে সর্বোচ্চ নিরাপত্তা নিশ্চিত করতে হবে। ভোটারদের নিরাপদে কেন্দ্রে আসা যাওয়ার পরিবেশ তৈরি করা হবে এবং কোনো ধরনের বিশৃঙ্খলা বরদাশত করা হবে না। সংশ্লিষ্ট কর্মকর্তারা জানান, প্রতিটি কেন্দ্রে পর্যাপ্ত সংখ্যক পুলিশ, আনসার ও অন্যান্য বাহিনীর সদস্য মোতায়েন থাকবে। ঝুঁকিপূর্ণ কেন্দ্রগুলোতে বাড়তি নজরদারি রাখা হবে। নির্বাচন কমিশন ও আইনশৃঙ্খলা বাহিনীর সদস্যদের সঙ্গে সমন্বয় করে ভোটকেন্দ্রে সর্বোচ্চ নিরাপত্তা নিশ্চিত করতে হবে। ভোটারদের নিরাপদে কেন্দ্রে আসা যাওয়ার পরিবেশ তৈরি করা হবে এবং কোনো ধরনের বিশৃঙ্খলা বরদাশত করা হবে না। সংশ্লিষ্ট কর্মকর্তারা জানান, প্রতিটি কেন্দ্রে পর্যাপ্ত সংখ্যক পুলিশ, আনসার ও অন্যান্য বাহিনীর সদস্য মোতায়েন থাকবে। ঝুঁকিপূর্ণ কেন্দ্রগুলোতে বাড়তি নজরদারি রাখা হবে।
সাংবাদিকতার প্রশ্নে সবাই
(প্রথম পাতার পর)
নির্বাচন কমিশন ও আইনশৃঙ্খলা বাহিনীর সদস্যদের সঙ্গে সমন্বয় করে ভোটকেন্দ্রে সর্বোচ্চ নিরাপত্তা নিশ্চিত করতে হবে। ভোটারদের নিরাপদে কেন্দ্রে আসা যাওয়ার পরিবেশ তৈরি করা হবে এবং কোনো ধরনের বিশৃঙ্খলা বরদাশত করা হবে না। সংশ্লিষ্ট কর্মকর্তারা জানান, প্রতিটি কেন্দ্রে পর্যাপ্ত সংখ্যক পুলিশ, আনসার ও অন্যান্য বাহিনীর সদস্য মোতায়েন থাকবে। ঝুঁকিপূর্ণ কেন্দ্রগুলোতে বাড়তি নজরদারি রাখা হবে। নির্বাচন কমিশন ও আইনশৃঙ্খলা বাহিনীর সদস্যদের সঙ্গে সমন্বয় করে ভোটকেন্দ্রে সর্বোচ্চ নিরাপত্তা নিশ্চিত করতে হবে। ভোটারদের নিরাপদে কেন্দ্রে আসা যাওয়ার পরিবেশ তৈরি করা হবে এবং কোনো ধরনের বিশৃঙ্খলা বরদাশত করা হবে না। সংশ্লিষ্ট কর্মকর্তারা জানান, প্রতিটি কেন্দ্রে পর্যাপ্ত সংখ্যক পুলিশ, আনসার ও অন্যান্য বাহিনীর সদস্য মোতায়েন থাকবে। ঝুঁকিপূর্ণ কেন্দ্রগুলোতে বাড়তি নজরদারি রাখা হবে। নির্বাচন কমিশন ও আইনশৃঙ্খলা বাহিনীর সদস্যদের সঙ্গে সমন্বয় করে ভোটকেন্দ্রে সর্বোচ্চ নিরাপত্তা নিশ্চিত করতে হবে। ভোটারদের নিরাপদে কেন্দ্রে আসা যাওয়ার পরিবেশ তৈরি করা হবে এবং কোনো ধরনের বিশৃঙ্খলা বরদাশত করা হবে না। সংশ্লিষ্ট কর্মকর্তারা জানান, প্রতিটি কেন্দ্রে পর্যাপ্ত সংখ্যক পুলিশ, আনসার ও অন্যান্য বাহিনীর সদস্য মোতায়েন থাকবে। ঝুঁকিপূর্ণ কেন্দ্রগুলোতে বাড়তি নজরদারি রাখা হবে। নির্বাচন কমিশন ও আইনশৃঙ্খলা বাহিনীর সদস্যদের সঙ্গে সমন্বয় করে ভোটকেন্দ্রে সর্বোচ্চ নিরাপত্তা নিশ্চিত করতে হবে। ভোটারদের নিরাপদে কেন্দ্রে আসা যাওয়ার পরিবেশ তৈরি করা হবে এবং কোনো ধরনের বিশৃঙ্খলা বরদাশত করা হবে না। সংশ্লিষ্ট কর্মকর্তারা জানান, প্রতিটি কেন্দ্রে পর্যাপ্ত সংখ্যক পুলিশ, আনসার ও অন্যান্য বাহিনীর সদস্য মোতায়েন থাকবে। ঝুঁকিপূর্ণ কেন্দ্রগুলোতে বাড়তি নজরদারি রাখা হবে। নির্বাচন কমিশন ও আইনশৃঙ্খলা বাহিনীর সদস্যদের সঙ্গে সমন্বয় করে ভোটকেন্দ্রে সর্বোচ্চ নিরাপত্তা নিশ্চিত করতে হবে। ভোটারদের নিরাপদে কেন্দ্রে আসা যাওয়ার পরিবেশ তৈরি করা হবে এবং কোনো ধরনের বিশৃঙ্খলা বরদাশত করা হবে না। সংশ্লিষ্ট কর্মকর্তারা জানান, প্রতিটি কেন্দ্রে পর্যাপ্ত সংখ্যক পুলিশ, আনসার ও অন্যান্য বাহিনীর সদস্য মোতায়েন থাকবে। ঝুঁকিপূর্ণ কেন্দ্রগুলোতে বাড়তি নজরদারি রাখা হবে। নির্বাচন কমিশন ও আইনশৃঙ্খলা বাহিনীর সদস্যদের সঙ্গে সমন্বয় করে ভোটকেন্দ্রে সর্বোচ্চ নিরাপত্তা নিশ্চিত করতে হবে। ভোটারদের নিরাপদে কেন্দ্রে আসা যাওয়ার পরিবেশ তৈরি করা হবে এবং কোনো ধরনের বিশৃঙ্খলা বরদাশত করা হবে না। সংশ্লিষ্ট কর্মকর্তারা জানান, প্রতিটি কেন্দ্রে পর্যাপ্ত সংখ্যক পুলিশ, আনসার ও অন্যান্য বাহিনীর সদস্য মোতায়েন থাকবে। ঝুঁকিপূর্ণ কেন্দ্রগুলোতে বাড়তি নজরদারি রাখা হবে। নির্বাচন কমিশন ও আইনশৃঙ্খলা বাহিনীর সদস্যদের সঙ্গে সমন্বয় করে ভোটকেন্দ্রে সর্বোচ্চ নিরাপত্তা নিশ্চিত করতে হবে। ভোটারদের নিরাপদে কেন্দ্রে আসা যাওয়ার পরিবেশ তৈরি করা হবে এবং কোনো ধরনের বিশৃঙ্খলা বরদাশত করা হবে না। সংশ্লিষ্ট কর্মকর্তারা জানান, প্রতিটি কেন্দ্রে পর্যাপ্ত সংখ্যক পুলিশ, আনসার ও অন্যান্য বাহিনীর সদস্য মোতায়েন থাকবে। ঝুঁকিপূর্ণ কেন্দ্রগুলোতে বাড়তি নজরদারি রাখা হবে। নির্বাচন কমিশন ও আইনশৃঙ্খলা বাহিনীর সদস্যদের সঙ্গে সমন্বয় করে ভোটকেন্দ্রে সর্বোচ্চ নিরাপত্তা নিশ্চিত করতে হবে। ভোটারদের নিরাপদে কেন্দ্রে আসা যাওয়ার পরিবেশ তৈরি করা হবে এবং কোনো ধরনের বিশৃঙ্খলা বরদাশত করা হবে না। সংশ্লিষ্ট কর্মকর্তারা জানান, প্রতিটি কেন্দ্রে পর্যাপ্ত সংখ্যক পুলিশ, আনসার ও অন্যান্য বাহিনীর সদস্য মোতায়েন থাকবে। ঝুঁকিপূর্ণ কেন্দ্রগুলোতে বাড়তি নজরদারি রাখা হবে। নির্বাচন কমিশন ও আইনশৃঙ্খলা বাহিনীর সদস্যদের সঙ্গে সমন্বয় করে ভোটকেন্দ্রে সর্বোচ্চ নিরাপত্তা নিশ্চিত করতে হবে। ভোটারদের নিরাপদে কেন্দ্রে আসা যাওয়ার পরিবেশ তৈরি করা হবে এবং কোনো ধরনের বিশৃঙ্খলা বরদাশত করা হবে না। সংশ্লিষ্ট কর্মকর্তারা জানান, প্রতিটি কেন্দ্রে পর্যাপ্ত সংখ্যক পুলিশ, আনসার ও অন্যান্য বাহিনীর সদস্য মোতায়েন থাকবে। ঝুঁকিপূর্ণ কেন্দ্রগুলোতে বাড়তি নজরদারি রাখা হবে। নির্বাচন কমিশন ও আইনশৃঙ্খলা বাহিনীর সদস্যদের সঙ্গে সমন্বয় করে ভোটকেন্দ্রে সর্বোচ্চ নিরাপত্তা নিশ্চিত করতে হবে। ভোটারদের নিরাপদে কেন্দ্রে আসা যাওয়ার পরিবেশ তৈরি করা হবে এবং কোনো ধরনের বিশৃঙ্খলা বরদাশত করা হবে না। সংশ্লিষ্ট কর্মকর্তারা জানান, প্রতিটি কেন্দ্রে পর্যাপ্ত সংখ্যক পুলিশ, আনসার ও অন্যান্য বাহিনীর সদস্য মোতায়েন থাকবে। ঝুঁকিপূর্ণ কেন্দ্রগুলোতে বাড়তি নজরদারি রাখা হবে। নির্বাচন কমিশন ও আইনশৃঙ্খলা বাহিনীর সদস্যদের সঙ্গে সমন্বয় করে ভোটকেন্দ্রে সর্বোচ্চ নিরাপত্তা নিশ্চিত করতে হবে। ভোটারদের নিরাপদে কেন্দ্রে আসা যাওয়ার পরিবেশ তৈরি করা হবে এবং কোনো ধরনের বিশৃঙ্খলা বরদাশত করা হবে না। সংশ্লিষ্ট কর্মকর্তারা জানান, প্রতিটি কেন্দ্রে পর্যাপ্ত সংখ্যক পুলিশ, আনসার ও অন্যান্য বাহিনীর সদস্য মোতায়েন থাকবে। ঝুঁকিপূর্ণ কেন্দ্রগুলোতে বাড়তি নজরদারি রাখা হবে। নির্বাচন কমিশন ও আইনশৃঙ্খলা বাহিনীর সদস্যদের সঙ্গে সমন্বয় করে ভোটকেন্দ্রে সর্বোচ্চ নিরাপত্তা নিশ্চিত করতে হবে। ভোটারদের নিরাপদে কেন্দ্রে আসা যাওয়ার পরিবেশ তৈরি করা হবে এবং কোনো ধরনের বিশৃঙ্খলা বরদাশত করা হবে না। সংশ্লিষ্ট কর্মকর্তারা জানান, প্রতিটি কেন্দ্রে পর্যাপ্ত সংখ্যক পুলিশ, আনসার ও অন্যান্য বাহিনীর সদস্য মোতায়েন থাকবে। ঝুঁকিপূর্ণ কেন্দ্রগুলোতে বাড়তি নজরদারি রাখা হবে। নির্বাচন কমিশন ও আইনশৃঙ্খলা বাহিনীর সদস্যদের সঙ্গে সমন্বয় করে ভোটকেন্দ্রে সর্বোচ্চ নিরাপত্তা নিশ্চিত করতে হবে। ভোটারদের নিরাপদে কেন্দ্রে আসা যাওয়ার পরিবেশ তৈরি করা হবে এবং কোনো ধরনের বিশৃঙ্খলা বরদাশত করা হবে না। সংশ্লিষ্ট কর্মকর্তারা জানান, প্রতিটি কেন্দ্রে পর্যাপ্ত সংখ্যক পুলিশ, আনসার ও অন্যান্য বাহিনীর সদস্য মোতায়েন থাকবে। ঝুঁকিপূর্ণ কেন্দ্রগুলোতে বাড়তি নজরদারি রাখা হবে। নির্বাচন কমিশন ও আইনশৃঙ্খলা বাহিনীর সদস্যদের সঙ্গে সমন্বয় করে ভোটকেন্দ্রে সর্বোচ্চ নিরাপত্তা নিশ্চিত করতে হবে। ভোটারদের নিরাপদে কেন্দ্রে আসা যাওয়ার পরিবেশ তৈরি করা হবে এবং কোনো ধরনের বিশৃঙ্খলা বরদাশত করা হবে না। সংশ্লিষ্ট কর্মকর্তারা জানান, প্রতিটি কেন্দ্রে পর্যাপ্ত সংখ্যক পুলিশ, আনসার ও অন্যান্য বাহিনীর সদস্য মোতায়েন থাকবে। ঝুঁকিপূর্ণ কেন্দ্রগুলোতে বাড়তি নজরদারি রাখা হবে। নির্বাচন কমিশন ও আইনশৃঙ্খলা বাহিনীর সদস্যদের সঙ্গে সমন্বয় করে ভোটকেন্দ্রে সর্বোচ্চ নিরাপত্তা নিশ্চিত করতে হবে। ভোটারদের নিরাপদে কেন্দ্রে আসা যাওয়ার পরিবেশ তৈরি করা হবে এবং কোনো ধরনের বিশৃঙ্খলা বরদাশত করা হবে না। সংশ্লিষ্ট কর্মকর্তারা জানান, প্রতিটি কেন্দ্রে পর্যাপ্ত সংখ্যক পুলিশ, আনসার ও অন্যান্য বাহিনীর সদস্য মোতায়েন থাকবে। ঝুঁকিপূর্ণ কেন্দ্রগুলোতে বাড়তি নজরদারি রাখা হবে। নির্বাচন কমিশন ও আইনশৃঙ্খলা বাহিনীর সদস্যদের সঙ্গে সমন্বয় করে ভোটকেন্দ্রে সর্বোচ্চ নিরাপত্তা নিশ্চিত করতে হবে। ভোটারদের নিরাপদে কেন্দ্রে আসা যাওয়ার পরিবেশ তৈরি করা হবে এবং কোনো ধরনের বিশৃঙ্খলা বরদাশত করা হবে না। সংশ্লিষ্ট কর্মকর্তারা জানান, প্রতিটি কেন্দ্রে পর্যাপ্ত সংখ্যক পুলিশ, আনসার ও অন্যান্য বাহিনীর সদস্য মোতায়েন থাকবে। ঝুঁকিপূর্ণ কেন্দ্রগুলোতে বাড়তি নজরদারি রাখা হবে। নির্বাচন কমিশন ও আইনশৃঙ্খলা বাহিনীর সদস্যদের সঙ্গে সমন্বয় করে ভোটকেন্দ্রে সর্বোচ্চ নিরাপত্তা নিশ্চিত করতে হবে। ভোটারদের নিরাপদে কেন্দ্রে আসা যাওয়ার পরিবেশ তৈরি করা হবে এবং কোনো ধরনের বিশৃঙ্খলা বরদাশত করা হবে না। সংশ্লিষ্ট কর্মকর্তারা জানান, প্রতিটি কেন্দ্রে পর্যাপ্ত সংখ্যক পুলিশ, আনসার ও অন্যান্য বাহিনীর সদস্য মোতায়েন থাকবে। ঝুঁকিপূর্ণ কেন্দ্রগুলোতে বাড়তি নজরদারি রাখা হবে। নির্বাচন কমিশন ও আইনশৃঙ্খলা বাহিনীর সদস্যদের সঙ্গে সমন্বয় করে ভোটকেন্দ্রে সর্বোচ্চ নিরাপত্তা নিশ্চিত করতে হবে। ভোটারদের নিরাপদে কেন্দ্রে আসা যাওয়ার পরিবেশ তৈরি করা হবে এবং কোনো ধরনের বিশৃঙ্খলা বরদাশত করা হবে না। সংশ্লিষ্ট কর্মকর্তারা জানান, প্রতিটি কেন্দ্রে পর্যাপ্ত সংখ্যক পুলিশ, আনসার ও অন্যান্য বাহিনীর সদস্য মোতায়েন থাকবে। ঝুঁকিপূর্ণ কেন্দ্রগুলোতে বাড়তি নজরদারি রাখা হবে। নির্বাচন কমিশন ও আইনশৃঙ্খলা বাহিনীর সদস্যদের সঙ্গে সমন্বয় করে ভোটকেন্দ্রে সর্বোচ্চ নিরাপত্তা নিশ্চিত করতে হবে। ভোটারদের নিরাপদে কেন্দ্রে আসা যাওয়ার পরিবেশ তৈরি করা হবে এবং কোনো ধরনের বিশৃঙ্খলা বরদাশত করা হবে না। সংশ্লিষ্ট কর্মকর্তারা জানান, প্রতিটি কেন্দ্রে পর্যাপ্ত সংখ্যক পুলিশ, আনসার ও অন্যান্য বাহিনীর সদস্য মোতায়েন থাকবে। ঝুঁকিপূর্ণ কেন্দ্রগুলোতে বাড়তি নজরদারি রাখা হবে। নির্বাচন কমিশন ও আইনশৃঙ্খলা বাহিনীর সদস্যদের সঙ্গে সমন্বয় করে ভোটকেন্দ্রে সর্বোচ্চ নিরাপত্তা নিশ্চিত করতে হবে। ভোটারদের নিরাপদে কেন্দ্রে আসা যাওয়ার পরিবেশ তৈরি করা হবে এবং কোনো ধরনের বিশৃঙ্খলা বরদাশত করা হবে না। সংশ্লিষ্ট কর্মকর্তারা জানান, প্রতিটি কেন্দ্রে পর্যাপ্ত সংখ্যক পুলিশ, আনসার ও অন্যান্য বাহিনীর সদস্য মোতায়েন থাকবে। ঝুঁকিপূর্ণ কেন্দ্রগুলোতে বাড়তি নজরদারি রাখা হবে।
